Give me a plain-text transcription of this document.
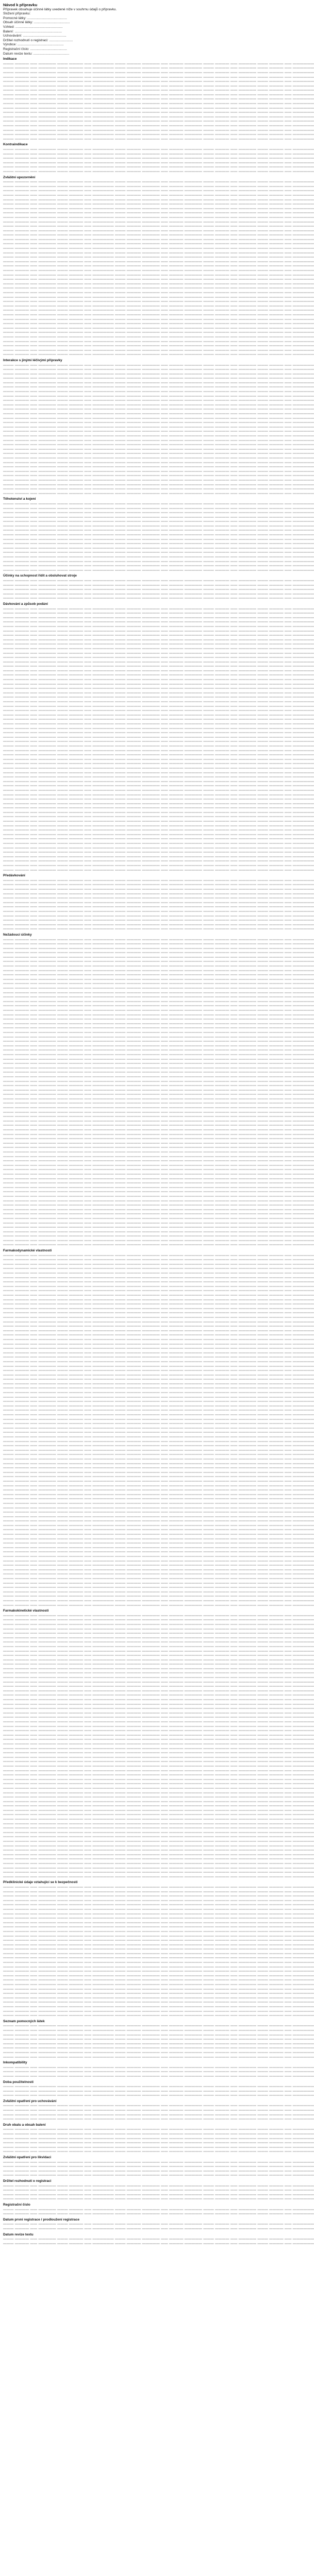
Návod k přípravku
Přípravek obsahuje účinné látky uvedené níže v souhrnu údajů o přípravku.
Složení přípravku:
Pomocné látky: ..........................................
Obsah účinné látky: ......................................
Vzhled: ..................................................
Balení: ..................................................
Uchovávání: ..............................................
Držitel rozhodnutí o registraci: .........................
Výrobce: .................................................
Registrační číslo: .......................................
Datum revize textu: ......................................
Indikace
▬▬▬ ▬▬▬▬ ▬▬ ▬▬▬▬▬ ▬▬▬ ▬▬▬▬ ▬▬ ▬▬▬▬▬▬ ▬▬▬ ▬▬▬▬ ▬▬▬▬▬ ▬▬ ▬▬▬▬ ▬▬▬▬▬ ▬▬▬ ▬▬▬▬ ▬▬ ▬▬▬▬▬ ▬▬▬ ▬▬▬▬ ▬▬ ▬▬▬▬▬▬
▬▬▬ ▬▬▬▬ ▬▬ ▬▬▬▬▬ ▬▬▬ ▬▬▬▬ ▬▬ ▬▬▬▬▬▬ ▬▬▬ ▬▬▬▬ ▬▬▬▬▬ ▬▬ ▬▬▬▬ ▬▬▬▬▬ ▬▬▬ ▬▬▬▬ ▬▬ ▬▬▬▬▬ ▬▬▬ ▬▬▬▬ ▬▬ ▬▬▬▬▬▬
▬▬▬ ▬▬▬▬ ▬▬ ▬▬▬▬▬ ▬▬▬ ▬▬▬▬ ▬▬ ▬▬▬▬▬▬ ▬▬▬ ▬▬▬▬ ▬▬▬▬▬ ▬▬ ▬▬▬▬ ▬▬▬▬▬ ▬▬▬ ▬▬▬▬ ▬▬ ▬▬▬▬▬ ▬▬▬ ▬▬▬▬ ▬▬ ▬▬▬▬▬▬
▬▬▬ ▬▬▬▬ ▬▬ ▬▬▬▬▬ ▬▬▬ ▬▬▬▬ ▬▬ ▬▬▬▬▬▬ ▬▬▬ ▬▬▬▬ ▬▬▬▬▬ ▬▬ ▬▬▬▬ ▬▬▬▬▬ ▬▬▬ ▬▬▬▬ ▬▬ ▬▬▬▬▬ ▬▬▬ ▬▬▬▬ ▬▬ ▬▬▬▬▬▬
▬▬▬ ▬▬▬▬ ▬▬ ▬▬▬▬▬ ▬▬▬ ▬▬▬▬ ▬▬ ▬▬▬▬▬▬ ▬▬▬ ▬▬▬▬ ▬▬▬▬▬ ▬▬ ▬▬▬▬ ▬▬▬▬▬ ▬▬▬ ▬▬▬▬ ▬▬ ▬▬▬▬▬ ▬▬▬ ▬▬▬▬ ▬▬ ▬▬▬▬▬▬
▬▬▬ ▬▬▬▬ ▬▬ ▬▬▬▬▬ ▬▬▬ ▬▬▬▬ ▬▬ ▬▬▬▬▬▬ ▬▬▬ ▬▬▬▬ ▬▬▬▬▬ ▬▬ ▬▬▬▬ ▬▬▬▬▬ ▬▬▬ ▬▬▬▬ ▬▬ ▬▬▬▬▬ ▬▬▬ ▬▬▬▬ ▬▬ ▬▬▬▬▬▬
▬▬▬ ▬▬▬▬ ▬▬ ▬▬▬▬▬ ▬▬▬ ▬▬▬▬ ▬▬ ▬▬▬▬▬▬ ▬▬▬ ▬▬▬▬ ▬▬▬▬▬ ▬▬ ▬▬▬▬ ▬▬▬▬▬ ▬▬▬ ▬▬▬▬ ▬▬ ▬▬▬▬▬ ▬▬▬ ▬▬▬▬ ▬▬ ▬▬▬▬▬▬
▬▬▬ ▬▬▬▬ ▬▬ ▬▬▬▬▬ ▬▬▬ ▬▬▬▬ ▬▬ ▬▬▬▬▬▬ ▬▬▬ ▬▬▬▬ ▬▬▬▬▬ ▬▬ ▬▬▬▬ ▬▬▬▬▬ ▬▬▬ ▬▬▬▬ ▬▬ ▬▬▬▬▬ ▬▬▬ ▬▬▬▬ ▬▬ ▬▬▬▬▬▬
▬▬▬ ▬▬▬▬ ▬▬ ▬▬▬▬▬ ▬▬▬ ▬▬▬▬ ▬▬ ▬▬▬▬▬▬ ▬▬▬ ▬▬▬▬ ▬▬▬▬▬ ▬▬ ▬▬▬▬ ▬▬▬▬▬ ▬▬▬ ▬▬▬▬ ▬▬ ▬▬▬▬▬ ▬▬▬ ▬▬▬▬ ▬▬ ▬▬▬▬▬▬
▬▬▬ ▬▬▬▬ ▬▬ ▬▬▬▬▬ ▬▬▬ ▬▬▬▬ ▬▬ ▬▬▬▬▬▬ ▬▬▬ ▬▬▬▬ ▬▬▬▬▬ ▬▬ ▬▬▬▬ ▬▬▬▬▬ ▬▬▬ ▬▬▬▬ ▬▬ ▬▬▬▬▬ ▬▬▬ ▬▬▬▬ ▬▬ ▬▬▬▬▬▬
▬▬▬ ▬▬▬▬ ▬▬ ▬▬▬▬▬ ▬▬▬ ▬▬▬▬ ▬▬ ▬▬▬▬▬▬ ▬▬▬ ▬▬▬▬ ▬▬▬▬▬ ▬▬ ▬▬▬▬ ▬▬▬▬▬ ▬▬▬ ▬▬▬▬ ▬▬ ▬▬▬▬▬ ▬▬▬ ▬▬▬▬ ▬▬ ▬▬▬▬▬▬
▬▬▬ ▬▬▬▬ ▬▬ ▬▬▬▬▬ ▬▬▬ ▬▬▬▬ ▬▬ ▬▬▬▬▬▬ ▬▬▬ ▬▬▬▬ ▬▬▬▬▬ ▬▬ ▬▬▬▬ ▬▬▬▬▬ ▬▬▬ ▬▬▬▬ ▬▬ ▬▬▬▬▬ ▬▬▬ ▬▬▬▬ ▬▬ ▬▬▬▬▬▬
▬▬▬ ▬▬▬▬ ▬▬ ▬▬▬▬▬ ▬▬▬ ▬▬▬▬ ▬▬ ▬▬▬▬▬▬ ▬▬▬ ▬▬▬▬ ▬▬▬▬▬ ▬▬ ▬▬▬▬ ▬▬▬▬▬ ▬▬▬ ▬▬▬▬ ▬▬ ▬▬▬▬▬ ▬▬▬ ▬▬▬▬ ▬▬ ▬▬▬▬▬▬
▬▬▬ ▬▬▬▬ ▬▬ ▬▬▬▬▬ ▬▬▬ ▬▬▬▬ ▬▬ ▬▬▬▬▬▬ ▬▬▬ ▬▬▬▬ ▬▬▬▬▬ ▬▬ ▬▬▬▬ ▬▬▬▬▬ ▬▬▬ ▬▬▬▬ ▬▬ ▬▬▬▬▬ ▬▬▬ ▬▬▬▬ ▬▬ ▬▬▬▬▬▬
▬▬▬ ▬▬▬▬ ▬▬ ▬▬▬▬▬ ▬▬▬ ▬▬▬▬ ▬▬ ▬▬▬▬▬▬ ▬▬▬ ▬▬▬▬ ▬▬▬▬▬ ▬▬ ▬▬▬▬ ▬▬▬▬▬ ▬▬▬ ▬▬▬▬ ▬▬ ▬▬▬▬▬ ▬▬▬ ▬▬▬▬ ▬▬ ▬▬▬▬▬▬
▬▬▬ ▬▬▬▬ ▬▬ ▬▬▬▬▬ ▬▬▬ ▬▬▬▬ ▬▬ ▬▬▬▬▬▬ ▬▬▬ ▬▬▬▬ ▬▬▬▬▬ ▬▬ ▬▬▬▬ ▬▬▬▬▬ ▬▬▬ ▬▬▬▬ ▬▬ ▬▬▬▬▬ ▬▬▬ ▬▬▬▬ ▬▬ ▬▬▬▬▬▬
▬▬▬ ▬▬▬▬ ▬▬ ▬▬▬▬▬ ▬▬▬ ▬▬▬▬ ▬▬ ▬▬▬▬▬▬ ▬▬▬ ▬▬▬▬ ▬▬▬▬▬ ▬▬ ▬▬▬▬ ▬▬▬▬▬ ▬▬▬ ▬▬▬▬ ▬▬ ▬▬▬▬▬ ▬▬▬ ▬▬▬▬ ▬▬ ▬▬▬▬▬▬
▬▬▬ ▬▬▬▬ ▬▬ ▬▬▬▬▬ ▬▬▬ ▬▬▬▬ ▬▬ ▬▬▬▬▬▬ ▬▬▬ ▬▬▬▬ ▬▬▬▬▬ ▬▬ ▬▬▬▬ ▬▬▬▬▬ ▬▬▬ ▬▬▬▬ ▬▬ ▬▬▬▬▬ ▬▬▬ ▬▬▬▬ ▬▬ ▬▬▬▬▬▬
Kontraindikace
▬▬▬ ▬▬▬▬ ▬▬ ▬▬▬▬▬ ▬▬▬ ▬▬▬▬ ▬▬ ▬▬▬▬▬▬ ▬▬▬ ▬▬▬▬ ▬▬▬▬▬ ▬▬ ▬▬▬▬ ▬▬▬▬▬ ▬▬▬ ▬▬▬▬ ▬▬ ▬▬▬▬▬ ▬▬▬ ▬▬▬▬ ▬▬ ▬▬▬▬▬▬
▬▬▬ ▬▬▬▬ ▬▬ ▬▬▬▬▬ ▬▬▬ ▬▬▬▬ ▬▬ ▬▬▬▬▬▬ ▬▬▬ ▬▬▬▬ ▬▬▬▬▬ ▬▬ ▬▬▬▬ ▬▬▬▬▬ ▬▬▬ ▬▬▬▬ ▬▬ ▬▬▬▬▬ ▬▬▬ ▬▬▬▬ ▬▬ ▬▬▬▬▬▬
▬▬▬ ▬▬▬▬ ▬▬ ▬▬▬▬▬ ▬▬▬ ▬▬▬▬ ▬▬ ▬▬▬▬▬▬ ▬▬▬ ▬▬▬▬ ▬▬▬▬▬ ▬▬ ▬▬▬▬ ▬▬▬▬▬ ▬▬▬ ▬▬▬▬ ▬▬ ▬▬▬▬▬ ▬▬▬ ▬▬▬▬ ▬▬ ▬▬▬▬▬▬
▬▬▬ ▬▬▬▬ ▬▬ ▬▬▬▬▬ ▬▬▬ ▬▬▬▬ ▬▬ ▬▬▬▬▬▬ ▬▬▬ ▬▬▬▬ ▬▬▬▬▬ ▬▬ ▬▬▬▬ ▬▬▬▬▬ ▬▬▬ ▬▬▬▬ ▬▬ ▬▬▬▬▬ ▬▬▬ ▬▬▬▬ ▬▬ ▬▬▬▬▬▬
▬▬▬ ▬▬▬▬ ▬▬ ▬▬▬▬▬ ▬▬▬ ▬▬▬▬ ▬▬ ▬▬▬▬▬▬ ▬▬▬ ▬▬▬▬ ▬▬▬▬▬ ▬▬ ▬▬▬▬ ▬▬▬▬▬ ▬▬▬ ▬▬▬▬ ▬▬ ▬▬▬▬▬ ▬▬▬ ▬▬▬▬ ▬▬ ▬▬▬▬▬▬
▬▬▬ ▬▬▬▬ ▬▬ ▬▬▬▬▬ ▬▬▬ ▬▬▬▬ ▬▬ ▬▬▬▬▬▬ ▬▬▬ ▬▬▬▬ ▬▬▬▬▬ ▬▬ ▬▬▬▬ ▬▬▬▬▬ ▬▬▬ ▬▬▬▬ ▬▬ ▬▬▬▬▬ ▬▬▬ ▬▬▬▬ ▬▬ ▬▬▬▬▬▬
Zvláštní upozornění
▬▬▬ ▬▬▬▬ ▬▬ ▬▬▬▬▬ ▬▬▬ ▬▬▬▬ ▬▬ ▬▬▬▬▬▬ ▬▬▬ ▬▬▬▬ ▬▬▬▬▬ ▬▬ ▬▬▬▬ ▬▬▬▬▬ ▬▬▬ ▬▬▬▬ ▬▬ ▬▬▬▬▬ ▬▬▬ ▬▬▬▬ ▬▬ ▬▬▬▬▬▬
▬▬▬ ▬▬▬▬ ▬▬ ▬▬▬▬▬ ▬▬▬ ▬▬▬▬ ▬▬ ▬▬▬▬▬▬ ▬▬▬ ▬▬▬▬ ▬▬▬▬▬ ▬▬ ▬▬▬▬ ▬▬▬▬▬ ▬▬▬ ▬▬▬▬ ▬▬ ▬▬▬▬▬ ▬▬▬ ▬▬▬▬ ▬▬ ▬▬▬▬▬▬
▬▬▬ ▬▬▬▬ ▬▬ ▬▬▬▬▬ ▬▬▬ ▬▬▬▬ ▬▬ ▬▬▬▬▬▬ ▬▬▬ ▬▬▬▬ ▬▬▬▬▬ ▬▬ ▬▬▬▬ ▬▬▬▬▬ ▬▬▬ ▬▬▬▬ ▬▬ ▬▬▬▬▬ ▬▬▬ ▬▬▬▬ ▬▬ ▬▬▬▬▬▬
▬▬▬ ▬▬▬▬ ▬▬ ▬▬▬▬▬ ▬▬▬ ▬▬▬▬ ▬▬ ▬▬▬▬▬▬ ▬▬▬ ▬▬▬▬ ▬▬▬▬▬ ▬▬ ▬▬▬▬ ▬▬▬▬▬ ▬▬▬ ▬▬▬▬ ▬▬ ▬▬▬▬▬ ▬▬▬ ▬▬▬▬ ▬▬ ▬▬▬▬▬▬
▬▬▬ ▬▬▬▬ ▬▬ ▬▬▬▬▬ ▬▬▬ ▬▬▬▬ ▬▬ ▬▬▬▬▬▬ ▬▬▬ ▬▬▬▬ ▬▬▬▬▬ ▬▬ ▬▬▬▬ ▬▬▬▬▬ ▬▬▬ ▬▬▬▬ ▬▬ ▬▬▬▬▬ ▬▬▬ ▬▬▬▬ ▬▬ ▬▬▬▬▬▬
▬▬▬ ▬▬▬▬ ▬▬ ▬▬▬▬▬ ▬▬▬ ▬▬▬▬ ▬▬ ▬▬▬▬▬▬ ▬▬▬ ▬▬▬▬ ▬▬▬▬▬ ▬▬ ▬▬▬▬ ▬▬▬▬▬ ▬▬▬ ▬▬▬▬ ▬▬ ▬▬▬▬▬ ▬▬▬ ▬▬▬▬ ▬▬ ▬▬▬▬▬▬
▬▬▬ ▬▬▬▬ ▬▬ ▬▬▬▬▬ ▬▬▬ ▬▬▬▬ ▬▬ ▬▬▬▬▬▬ ▬▬▬ ▬▬▬▬ ▬▬▬▬▬ ▬▬ ▬▬▬▬ ▬▬▬▬▬ ▬▬▬ ▬▬▬▬ ▬▬ ▬▬▬▬▬ ▬▬▬ ▬▬▬▬ ▬▬ ▬▬▬▬▬▬
▬▬▬ ▬▬▬▬ ▬▬ ▬▬▬▬▬ ▬▬▬ ▬▬▬▬ ▬▬ ▬▬▬▬▬▬ ▬▬▬ ▬▬▬▬ ▬▬▬▬▬ ▬▬ ▬▬▬▬ ▬▬▬▬▬ ▬▬▬ ▬▬▬▬ ▬▬ ▬▬▬▬▬ ▬▬▬ ▬▬▬▬ ▬▬ ▬▬▬▬▬▬
▬▬▬ ▬▬▬▬ ▬▬ ▬▬▬▬▬ ▬▬▬ ▬▬▬▬ ▬▬ ▬▬▬▬▬▬ ▬▬▬ ▬▬▬▬ ▬▬▬▬▬ ▬▬ ▬▬▬▬ ▬▬▬▬▬ ▬▬▬ ▬▬▬▬ ▬▬ ▬▬▬▬▬ ▬▬▬ ▬▬▬▬ ▬▬ ▬▬▬▬▬▬
▬▬▬ ▬▬▬▬ ▬▬ ▬▬▬▬▬ ▬▬▬ ▬▬▬▬ ▬▬ ▬▬▬▬▬▬ ▬▬▬ ▬▬▬▬ ▬▬▬▬▬ ▬▬ ▬▬▬▬ ▬▬▬▬▬ ▬▬▬ ▬▬▬▬ ▬▬ ▬▬▬▬▬ ▬▬▬ ▬▬▬▬ ▬▬ ▬▬▬▬▬▬
▬▬▬ ▬▬▬▬ ▬▬ ▬▬▬▬▬ ▬▬▬ ▬▬▬▬ ▬▬ ▬▬▬▬▬▬ ▬▬▬ ▬▬▬▬ ▬▬▬▬▬ ▬▬ ▬▬▬▬ ▬▬▬▬▬ ▬▬▬ ▬▬▬▬ ▬▬ ▬▬▬▬▬ ▬▬▬ ▬▬▬▬ ▬▬ ▬▬▬▬▬▬
▬▬▬ ▬▬▬▬ ▬▬ ▬▬▬▬▬ ▬▬▬ ▬▬▬▬ ▬▬ ▬▬▬▬▬▬ ▬▬▬ ▬▬▬▬ ▬▬▬▬▬ ▬▬ ▬▬▬▬ ▬▬▬▬▬ ▬▬▬ ▬▬▬▬ ▬▬ ▬▬▬▬▬ ▬▬▬ ▬▬▬▬ ▬▬ ▬▬▬▬▬▬
▬▬▬ ▬▬▬▬ ▬▬ ▬▬▬▬▬ ▬▬▬ ▬▬▬▬ ▬▬ ▬▬▬▬▬▬ ▬▬▬ ▬▬▬▬ ▬▬▬▬▬ ▬▬ ▬▬▬▬ ▬▬▬▬▬ ▬▬▬ ▬▬▬▬ ▬▬ ▬▬▬▬▬ ▬▬▬ ▬▬▬▬ ▬▬ ▬▬▬▬▬▬
▬▬▬ ▬▬▬▬ ▬▬ ▬▬▬▬▬ ▬▬▬ ▬▬▬▬ ▬▬ ▬▬▬▬▬▬ ▬▬▬ ▬▬▬▬ ▬▬▬▬▬ ▬▬ ▬▬▬▬ ▬▬▬▬▬ ▬▬▬ ▬▬▬▬ ▬▬ ▬▬▬▬▬ ▬▬▬ ▬▬▬▬ ▬▬ ▬▬▬▬▬▬
▬▬▬ ▬▬▬▬ ▬▬ ▬▬▬▬▬ ▬▬▬ ▬▬▬▬ ▬▬ ▬▬▬▬▬▬ ▬▬▬ ▬▬▬▬ ▬▬▬▬▬ ▬▬ ▬▬▬▬ ▬▬▬▬▬ ▬▬▬ ▬▬▬▬ ▬▬ ▬▬▬▬▬ ▬▬▬ ▬▬▬▬ ▬▬ ▬▬▬▬▬▬
▬▬▬ ▬▬▬▬ ▬▬ ▬▬▬▬▬ ▬▬▬ ▬▬▬▬ ▬▬ ▬▬▬▬▬▬ ▬▬▬ ▬▬▬▬ ▬▬▬▬▬ ▬▬ ▬▬▬▬ ▬▬▬▬▬ ▬▬▬ ▬▬▬▬ ▬▬ ▬▬▬▬▬ ▬▬▬ ▬▬▬▬ ▬▬ ▬▬▬▬▬▬
▬▬▬ ▬▬▬▬ ▬▬ ▬▬▬▬▬ ▬▬▬ ▬▬▬▬ ▬▬ ▬▬▬▬▬▬ ▬▬▬ ▬▬▬▬ ▬▬▬▬▬ ▬▬ ▬▬▬▬ ▬▬▬▬▬ ▬▬▬ ▬▬▬▬ ▬▬ ▬▬▬▬▬ ▬▬▬ ▬▬▬▬ ▬▬ ▬▬▬▬▬▬
▬▬▬ ▬▬▬▬ ▬▬ ▬▬▬▬▬ ▬▬▬ ▬▬▬▬ ▬▬ ▬▬▬▬▬▬ ▬▬▬ ▬▬▬▬ ▬▬▬▬▬ ▬▬ ▬▬▬▬ ▬▬▬▬▬ ▬▬▬ ▬▬▬▬ ▬▬ ▬▬▬▬▬ ▬▬▬ ▬▬▬▬ ▬▬ ▬▬▬▬▬▬
▬▬▬ ▬▬▬▬ ▬▬ ▬▬▬▬▬ ▬▬▬ ▬▬▬▬ ▬▬ ▬▬▬▬▬▬ ▬▬▬ ▬▬▬▬ ▬▬▬▬▬ ▬▬ ▬▬▬▬ ▬▬▬▬▬ ▬▬▬ ▬▬▬▬ ▬▬ ▬▬▬▬▬ ▬▬▬ ▬▬▬▬ ▬▬ ▬▬▬▬▬▬
▬▬▬ ▬▬▬▬ ▬▬ ▬▬▬▬▬ ▬▬▬ ▬▬▬▬ ▬▬ ▬▬▬▬▬▬ ▬▬▬ ▬▬▬▬ ▬▬▬▬▬ ▬▬ ▬▬▬▬ ▬▬▬▬▬ ▬▬▬ ▬▬▬▬ ▬▬ ▬▬▬▬▬ ▬▬▬ ▬▬▬▬ ▬▬ ▬▬▬▬▬▬
▬▬▬ ▬▬▬▬ ▬▬ ▬▬▬▬▬ ▬▬▬ ▬▬▬▬ ▬▬ ▬▬▬▬▬▬ ▬▬▬ ▬▬▬▬ ▬▬▬▬▬ ▬▬ ▬▬▬▬ ▬▬▬▬▬ ▬▬▬ ▬▬▬▬ ▬▬ ▬▬▬▬▬ ▬▬▬ ▬▬▬▬ ▬▬ ▬▬▬▬▬▬
▬▬▬ ▬▬▬▬ ▬▬ ▬▬▬▬▬ ▬▬▬ ▬▬▬▬ ▬▬ ▬▬▬▬▬▬ ▬▬▬ ▬▬▬▬ ▬▬▬▬▬ ▬▬ ▬▬▬▬ ▬▬▬▬▬ ▬▬▬ ▬▬▬▬ ▬▬ ▬▬▬▬▬ ▬▬▬ ▬▬▬▬ ▬▬ ▬▬▬▬▬▬
▬▬▬ ▬▬▬▬ ▬▬ ▬▬▬▬▬ ▬▬▬ ▬▬▬▬ ▬▬ ▬▬▬▬▬▬ ▬▬▬ ▬▬▬▬ ▬▬▬▬▬ ▬▬ ▬▬▬▬ ▬▬▬▬▬ ▬▬▬ ▬▬▬▬ ▬▬ ▬▬▬▬▬ ▬▬▬ ▬▬▬▬ ▬▬ ▬▬▬▬▬▬
▬▬▬ ▬▬▬▬ ▬▬ ▬▬▬▬▬ ▬▬▬ ▬▬▬▬ ▬▬ ▬▬▬▬▬▬ ▬▬▬ ▬▬▬▬ ▬▬▬▬▬ ▬▬ ▬▬▬▬ ▬▬▬▬▬ ▬▬▬ ▬▬▬▬ ▬▬ ▬▬▬▬▬ ▬▬▬ ▬▬▬▬ ▬▬ ▬▬▬▬▬▬
▬▬▬ ▬▬▬▬ ▬▬ ▬▬▬▬▬ ▬▬▬ ▬▬▬▬ ▬▬ ▬▬▬▬▬▬ ▬▬▬ ▬▬▬▬ ▬▬▬▬▬ ▬▬ ▬▬▬▬ ▬▬▬▬▬ ▬▬▬ ▬▬▬▬ ▬▬ ▬▬▬▬▬ ▬▬▬ ▬▬▬▬ ▬▬ ▬▬▬▬▬▬
▬▬▬ ▬▬▬▬ ▬▬ ▬▬▬▬▬ ▬▬▬ ▬▬▬▬ ▬▬ ▬▬▬▬▬▬ ▬▬▬ ▬▬▬▬ ▬▬▬▬▬ ▬▬ ▬▬▬▬ ▬▬▬▬▬ ▬▬▬ ▬▬▬▬ ▬▬ ▬▬▬▬▬ ▬▬▬ ▬▬▬▬ ▬▬ ▬▬▬▬▬▬
▬▬▬ ▬▬▬▬ ▬▬ ▬▬▬▬▬ ▬▬▬ ▬▬▬▬ ▬▬ ▬▬▬▬▬▬ ▬▬▬ ▬▬▬▬ ▬▬▬▬▬ ▬▬ ▬▬▬▬ ▬▬▬▬▬ ▬▬▬ ▬▬▬▬ ▬▬ ▬▬▬▬▬ ▬▬▬ ▬▬▬▬ ▬▬ ▬▬▬▬▬▬
▬▬▬ ▬▬▬▬ ▬▬ ▬▬▬▬▬ ▬▬▬ ▬▬▬▬ ▬▬ ▬▬▬▬▬▬ ▬▬▬ ▬▬▬▬ ▬▬▬▬▬ ▬▬ ▬▬▬▬ ▬▬▬▬▬ ▬▬▬ ▬▬▬▬ ▬▬ ▬▬▬▬▬ ▬▬▬ ▬▬▬▬ ▬▬ ▬▬▬▬▬▬
▬▬▬ ▬▬▬▬ ▬▬ ▬▬▬▬▬ ▬▬▬ ▬▬▬▬ ▬▬ ▬▬▬▬▬▬ ▬▬▬ ▬▬▬▬ ▬▬▬▬▬ ▬▬ ▬▬▬▬ ▬▬▬▬▬ ▬▬▬ ▬▬▬▬ ▬▬ ▬▬▬▬▬ ▬▬▬ ▬▬▬▬ ▬▬ ▬▬▬▬▬▬
▬▬▬ ▬▬▬▬ ▬▬ ▬▬▬▬▬ ▬▬▬ ▬▬▬▬ ▬▬ ▬▬▬▬▬▬ ▬▬▬ ▬▬▬▬ ▬▬▬▬▬ ▬▬ ▬▬▬▬ ▬▬▬▬▬ ▬▬▬ ▬▬▬▬ ▬▬ ▬▬▬▬▬ ▬▬▬ ▬▬▬▬ ▬▬ ▬▬▬▬▬▬
▬▬▬ ▬▬▬▬ ▬▬ ▬▬▬▬▬ ▬▬▬ ▬▬▬▬ ▬▬ ▬▬▬▬▬▬ ▬▬▬ ▬▬▬▬ ▬▬▬▬▬ ▬▬ ▬▬▬▬ ▬▬▬▬▬ ▬▬▬ ▬▬▬▬ ▬▬ ▬▬▬▬▬ ▬▬▬ ▬▬▬▬ ▬▬ ▬▬▬▬▬▬
▬▬▬ ▬▬▬▬ ▬▬ ▬▬▬▬▬ ▬▬▬ ▬▬▬▬ ▬▬ ▬▬▬▬▬▬ ▬▬▬ ▬▬▬▬ ▬▬▬▬▬ ▬▬ ▬▬▬▬ ▬▬▬▬▬ ▬▬▬ ▬▬▬▬ ▬▬ ▬▬▬▬▬ ▬▬▬ ▬▬▬▬ ▬▬ ▬▬▬▬▬▬
▬▬▬ ▬▬▬▬ ▬▬ ▬▬▬▬▬ ▬▬▬ ▬▬▬▬ ▬▬ ▬▬▬▬▬▬ ▬▬▬ ▬▬▬▬ ▬▬▬▬▬ ▬▬ ▬▬▬▬ ▬▬▬▬▬ ▬▬▬ ▬▬▬▬ ▬▬ ▬▬▬▬▬ ▬▬▬ ▬▬▬▬ ▬▬ ▬▬▬▬▬▬
▬▬▬ ▬▬▬▬ ▬▬ ▬▬▬▬▬ ▬▬▬ ▬▬▬▬ ▬▬ ▬▬▬▬▬▬ ▬▬▬ ▬▬▬▬ ▬▬▬▬▬ ▬▬ ▬▬▬▬ ▬▬▬▬▬ ▬▬▬ ▬▬▬▬ ▬▬ ▬▬▬▬▬ ▬▬▬ ▬▬▬▬ ▬▬ ▬▬▬▬▬▬
▬▬▬ ▬▬▬▬ ▬▬ ▬▬▬▬▬ ▬▬▬ ▬▬▬▬ ▬▬ ▬▬▬▬▬▬ ▬▬▬ ▬▬▬▬ ▬▬▬▬▬ ▬▬ ▬▬▬▬ ▬▬▬▬▬ ▬▬▬ ▬▬▬▬ ▬▬ ▬▬▬▬▬ ▬▬▬ ▬▬▬▬ ▬▬ ▬▬▬▬▬▬
▬▬▬ ▬▬▬▬ ▬▬ ▬▬▬▬▬ ▬▬▬ ▬▬▬▬ ▬▬ ▬▬▬▬▬▬ ▬▬▬ ▬▬▬▬ ▬▬▬▬▬ ▬▬ ▬▬▬▬ ▬▬▬▬▬ ▬▬▬ ▬▬▬▬ ▬▬ ▬▬▬▬▬ ▬▬▬ ▬▬▬▬ ▬▬ ▬▬▬▬▬▬
▬▬▬ ▬▬▬▬ ▬▬ ▬▬▬▬▬ ▬▬▬ ▬▬▬▬ ▬▬ ▬▬▬▬▬▬ ▬▬▬ ▬▬▬▬ ▬▬▬▬▬ ▬▬ ▬▬▬▬ ▬▬▬▬▬ ▬▬▬ ▬▬▬▬ ▬▬ ▬▬▬▬▬ ▬▬▬ ▬▬▬▬ ▬▬ ▬▬▬▬▬▬
▬▬▬ ▬▬▬▬ ▬▬ ▬▬▬▬▬ ▬▬▬ ▬▬▬▬ ▬▬ ▬▬▬▬▬▬ ▬▬▬ ▬▬▬▬ ▬▬▬▬▬ ▬▬ ▬▬▬▬ ▬▬▬▬▬ ▬▬▬ ▬▬▬▬ ▬▬ ▬▬▬▬▬ ▬▬▬ ▬▬▬▬ ▬▬ ▬▬▬▬▬▬
▬▬▬ ▬▬▬▬ ▬▬ ▬▬▬▬▬ ▬▬▬ ▬▬▬▬ ▬▬ ▬▬▬▬▬▬ ▬▬▬ ▬▬▬▬ ▬▬▬▬▬ ▬▬ ▬▬▬▬ ▬▬▬▬▬ ▬▬▬ ▬▬▬▬ ▬▬ ▬▬▬▬▬ ▬▬▬ ▬▬▬▬ ▬▬ ▬▬▬▬▬▬
▬▬▬ ▬▬▬▬ ▬▬ ▬▬▬▬▬ ▬▬▬ ▬▬▬▬ ▬▬ ▬▬▬▬▬▬ ▬▬▬ ▬▬▬▬ ▬▬▬▬▬ ▬▬ ▬▬▬▬ ▬▬▬▬▬ ▬▬▬ ▬▬▬▬ ▬▬ ▬▬▬▬▬ ▬▬▬ ▬▬▬▬ ▬▬ ▬▬▬▬▬▬
Interakce s jinými léčivými přípravky
▬▬▬ ▬▬▬▬ ▬▬ ▬▬▬▬▬ ▬▬▬ ▬▬▬▬ ▬▬ ▬▬▬▬▬▬ ▬▬▬ ▬▬▬▬ ▬▬▬▬▬ ▬▬ ▬▬▬▬ ▬▬▬▬▬ ▬▬▬ ▬▬▬▬ ▬▬ ▬▬▬▬▬ ▬▬▬ ▬▬▬▬ ▬▬ ▬▬▬▬▬▬
▬▬▬ ▬▬▬▬ ▬▬ ▬▬▬▬▬ ▬▬▬ ▬▬▬▬ ▬▬ ▬▬▬▬▬▬ ▬▬▬ ▬▬▬▬ ▬▬▬▬▬ ▬▬ ▬▬▬▬ ▬▬▬▬▬ ▬▬▬ ▬▬▬▬ ▬▬ ▬▬▬▬▬ ▬▬▬ ▬▬▬▬ ▬▬ ▬▬▬▬▬▬
▬▬▬ ▬▬▬▬ ▬▬ ▬▬▬▬▬ ▬▬▬ ▬▬▬▬ ▬▬ ▬▬▬▬▬▬ ▬▬▬ ▬▬▬▬ ▬▬▬▬▬ ▬▬ ▬▬▬▬ ▬▬▬▬▬ ▬▬▬ ▬▬▬▬ ▬▬ ▬▬▬▬▬ ▬▬▬ ▬▬▬▬ ▬▬ ▬▬▬▬▬▬
▬▬▬ ▬▬▬▬ ▬▬ ▬▬▬▬▬ ▬▬▬ ▬▬▬▬ ▬▬ ▬▬▬▬▬▬ ▬▬▬ ▬▬▬▬ ▬▬▬▬▬ ▬▬ ▬▬▬▬ ▬▬▬▬▬ ▬▬▬ ▬▬▬▬ ▬▬ ▬▬▬▬▬ ▬▬▬ ▬▬▬▬ ▬▬ ▬▬▬▬▬▬
▬▬▬ ▬▬▬▬ ▬▬ ▬▬▬▬▬ ▬▬▬ ▬▬▬▬ ▬▬ ▬▬▬▬▬▬ ▬▬▬ ▬▬▬▬ ▬▬▬▬▬ ▬▬ ▬▬▬▬ ▬▬▬▬▬ ▬▬▬ ▬▬▬▬ ▬▬ ▬▬▬▬▬ ▬▬▬ ▬▬▬▬ ▬▬ ▬▬▬▬▬▬
▬▬▬ ▬▬▬▬ ▬▬ ▬▬▬▬▬ ▬▬▬ ▬▬▬▬ ▬▬ ▬▬▬▬▬▬ ▬▬▬ ▬▬▬▬ ▬▬▬▬▬ ▬▬ ▬▬▬▬ ▬▬▬▬▬ ▬▬▬ ▬▬▬▬ ▬▬ ▬▬▬▬▬ ▬▬▬ ▬▬▬▬ ▬▬ ▬▬▬▬▬▬
▬▬▬ ▬▬▬▬ ▬▬ ▬▬▬▬▬ ▬▬▬ ▬▬▬▬ ▬▬ ▬▬▬▬▬▬ ▬▬▬ ▬▬▬▬ ▬▬▬▬▬ ▬▬ ▬▬▬▬ ▬▬▬▬▬ ▬▬▬ ▬▬▬▬ ▬▬ ▬▬▬▬▬ ▬▬▬ ▬▬▬▬ ▬▬ ▬▬▬▬▬▬
▬▬▬ ▬▬▬▬ ▬▬ ▬▬▬▬▬ ▬▬▬ ▬▬▬▬ ▬▬ ▬▬▬▬▬▬ ▬▬▬ ▬▬▬▬ ▬▬▬▬▬ ▬▬ ▬▬▬▬ ▬▬▬▬▬ ▬▬▬ ▬▬▬▬ ▬▬ ▬▬▬▬▬ ▬▬▬ ▬▬▬▬ ▬▬ ▬▬▬▬▬▬
▬▬▬ ▬▬▬▬ ▬▬ ▬▬▬▬▬ ▬▬▬ ▬▬▬▬ ▬▬ ▬▬▬▬▬▬ ▬▬▬ ▬▬▬▬ ▬▬▬▬▬ ▬▬ ▬▬▬▬ ▬▬▬▬▬ ▬▬▬ ▬▬▬▬ ▬▬ ▬▬▬▬▬ ▬▬▬ ▬▬▬▬ ▬▬ ▬▬▬▬▬▬
▬▬▬ ▬▬▬▬ ▬▬ ▬▬▬▬▬ ▬▬▬ ▬▬▬▬ ▬▬ ▬▬▬▬▬▬ ▬▬▬ ▬▬▬▬ ▬▬▬▬▬ ▬▬ ▬▬▬▬ ▬▬▬▬▬ ▬▬▬ ▬▬▬▬ ▬▬ ▬▬▬▬▬ ▬▬▬ ▬▬▬▬ ▬▬ ▬▬▬▬▬▬
▬▬▬ ▬▬▬▬ ▬▬ ▬▬▬▬▬ ▬▬▬ ▬▬▬▬ ▬▬ ▬▬▬▬▬▬ ▬▬▬ ▬▬▬▬ ▬▬▬▬▬ ▬▬ ▬▬▬▬ ▬▬▬▬▬ ▬▬▬ ▬▬▬▬ ▬▬ ▬▬▬▬▬ ▬▬▬ ▬▬▬▬ ▬▬ ▬▬▬▬▬▬
▬▬▬ ▬▬▬▬ ▬▬ ▬▬▬▬▬ ▬▬▬ ▬▬▬▬ ▬▬ ▬▬▬▬▬▬ ▬▬▬ ▬▬▬▬ ▬▬▬▬▬ ▬▬ ▬▬▬▬ ▬▬▬▬▬ ▬▬▬ ▬▬▬▬ ▬▬ ▬▬▬▬▬ ▬▬▬ ▬▬▬▬ ▬▬ ▬▬▬▬▬▬
▬▬▬ ▬▬▬▬ ▬▬ ▬▬▬▬▬ ▬▬▬ ▬▬▬▬ ▬▬ ▬▬▬▬▬▬ ▬▬▬ ▬▬▬▬ ▬▬▬▬▬ ▬▬ ▬▬▬▬ ▬▬▬▬▬ ▬▬▬ ▬▬▬▬ ▬▬ ▬▬▬▬▬ ▬▬▬ ▬▬▬▬ ▬▬ ▬▬▬▬▬▬
▬▬▬ ▬▬▬▬ ▬▬ ▬▬▬▬▬ ▬▬▬ ▬▬▬▬ ▬▬ ▬▬▬▬▬▬ ▬▬▬ ▬▬▬▬ ▬▬▬▬▬ ▬▬ ▬▬▬▬ ▬▬▬▬▬ ▬▬▬ ▬▬▬▬ ▬▬ ▬▬▬▬▬ ▬▬▬ ▬▬▬▬ ▬▬ ▬▬▬▬▬▬
▬▬▬ ▬▬▬▬ ▬▬ ▬▬▬▬▬ ▬▬▬ ▬▬▬▬ ▬▬ ▬▬▬▬▬▬ ▬▬▬ ▬▬▬▬ ▬▬▬▬▬ ▬▬ ▬▬▬▬ ▬▬▬▬▬ ▬▬▬ ▬▬▬▬ ▬▬ ▬▬▬▬▬ ▬▬▬ ▬▬▬▬ ▬▬ ▬▬▬▬▬▬
▬▬▬ ▬▬▬▬ ▬▬ ▬▬▬▬▬ ▬▬▬ ▬▬▬▬ ▬▬ ▬▬▬▬▬▬ ▬▬▬ ▬▬▬▬ ▬▬▬▬▬ ▬▬ ▬▬▬▬ ▬▬▬▬▬ ▬▬▬ ▬▬▬▬ ▬▬ ▬▬▬▬▬ ▬▬▬ ▬▬▬▬ ▬▬ ▬▬▬▬▬▬
▬▬▬ ▬▬▬▬ ▬▬ ▬▬▬▬▬ ▬▬▬ ▬▬▬▬ ▬▬ ▬▬▬▬▬▬ ▬▬▬ ▬▬▬▬ ▬▬▬▬▬ ▬▬ ▬▬▬▬ ▬▬▬▬▬ ▬▬▬ ▬▬▬▬ ▬▬ ▬▬▬▬▬ ▬▬▬ ▬▬▬▬ ▬▬ ▬▬▬▬▬▬
▬▬▬ ▬▬▬▬ ▬▬ ▬▬▬▬▬ ▬▬▬ ▬▬▬▬ ▬▬ ▬▬▬▬▬▬ ▬▬▬ ▬▬▬▬ ▬▬▬▬▬ ▬▬ ▬▬▬▬ ▬▬▬▬▬ ▬▬▬ ▬▬▬▬ ▬▬ ▬▬▬▬▬ ▬▬▬ ▬▬▬▬ ▬▬ ▬▬▬▬▬▬
▬▬▬ ▬▬▬▬ ▬▬ ▬▬▬▬▬ ▬▬▬ ▬▬▬▬ ▬▬ ▬▬▬▬▬▬ ▬▬▬ ▬▬▬▬ ▬▬▬▬▬ ▬▬ ▬▬▬▬ ▬▬▬▬▬ ▬▬▬ ▬▬▬▬ ▬▬ ▬▬▬▬▬ ▬▬▬ ▬▬▬▬ ▬▬ ▬▬▬▬▬▬
▬▬▬ ▬▬▬▬ ▬▬ ▬▬▬▬▬ ▬▬▬ ▬▬▬▬ ▬▬ ▬▬▬▬▬▬ ▬▬▬ ▬▬▬▬ ▬▬▬▬▬ ▬▬ ▬▬▬▬ ▬▬▬▬▬ ▬▬▬ ▬▬▬▬ ▬▬ ▬▬▬▬▬ ▬▬▬ ▬▬▬▬ ▬▬ ▬▬▬▬▬▬
▬▬▬ ▬▬▬▬ ▬▬ ▬▬▬▬▬ ▬▬▬ ▬▬▬▬ ▬▬ ▬▬▬▬▬▬ ▬▬▬ ▬▬▬▬ ▬▬▬▬▬ ▬▬ ▬▬▬▬ ▬▬▬▬▬ ▬▬▬ ▬▬▬▬ ▬▬ ▬▬▬▬▬ ▬▬▬ ▬▬▬▬ ▬▬ ▬▬▬▬▬▬
▬▬▬ ▬▬▬▬ ▬▬ ▬▬▬▬▬ ▬▬▬ ▬▬▬▬ ▬▬ ▬▬▬▬▬▬ ▬▬▬ ▬▬▬▬ ▬▬▬▬▬ ▬▬ ▬▬▬▬ ▬▬▬▬▬ ▬▬▬ ▬▬▬▬ ▬▬ ▬▬▬▬▬ ▬▬▬ ▬▬▬▬ ▬▬ ▬▬▬▬▬▬
▬▬▬ ▬▬▬▬ ▬▬ ▬▬▬▬▬ ▬▬▬ ▬▬▬▬ ▬▬ ▬▬▬▬▬▬ ▬▬▬ ▬▬▬▬ ▬▬▬▬▬ ▬▬ ▬▬▬▬ ▬▬▬▬▬ ▬▬▬ ▬▬▬▬ ▬▬ ▬▬▬▬▬ ▬▬▬ ▬▬▬▬ ▬▬ ▬▬▬▬▬▬
▬▬▬ ▬▬▬▬ ▬▬ ▬▬▬▬▬ ▬▬▬ ▬▬▬▬ ▬▬ ▬▬▬▬▬▬ ▬▬▬ ▬▬▬▬ ▬▬▬▬▬ ▬▬ ▬▬▬▬ ▬▬▬▬▬ ▬▬▬ ▬▬▬▬ ▬▬ ▬▬▬▬▬ ▬▬▬ ▬▬▬▬ ▬▬ ▬▬▬▬▬▬
▬▬▬ ▬▬▬▬ ▬▬ ▬▬▬▬▬ ▬▬▬ ▬▬▬▬ ▬▬ ▬▬▬▬▬▬ ▬▬▬ ▬▬▬▬ ▬▬▬▬▬ ▬▬ ▬▬▬▬ ▬▬▬▬▬ ▬▬▬ ▬▬▬▬ ▬▬ ▬▬▬▬▬ ▬▬▬ ▬▬▬▬ ▬▬ ▬▬▬▬▬▬
▬▬▬ ▬▬▬▬ ▬▬ ▬▬▬▬▬ ▬▬▬ ▬▬▬▬ ▬▬ ▬▬▬▬▬▬ ▬▬▬ ▬▬▬▬ ▬▬▬▬▬ ▬▬ ▬▬▬▬ ▬▬▬▬▬ ▬▬▬ ▬▬▬▬ ▬▬ ▬▬▬▬▬ ▬▬▬ ▬▬▬▬ ▬▬ ▬▬▬▬▬▬
▬▬▬ ▬▬▬▬ ▬▬ ▬▬▬▬▬ ▬▬▬ ▬▬▬▬ ▬▬ ▬▬▬▬▬▬ ▬▬▬ ▬▬▬▬ ▬▬▬▬▬ ▬▬ ▬▬▬▬ ▬▬▬▬▬ ▬▬▬ ▬▬▬▬ ▬▬ ▬▬▬▬▬ ▬▬▬ ▬▬▬▬ ▬▬ ▬▬▬▬▬▬
▬▬▬ ▬▬▬▬ ▬▬ ▬▬▬▬▬ ▬▬▬ ▬▬▬▬ ▬▬ ▬▬▬▬▬▬ ▬▬▬ ▬▬▬▬ ▬▬▬▬▬ ▬▬ ▬▬▬▬ ▬▬▬▬▬ ▬▬▬ ▬▬▬▬ ▬▬ ▬▬▬▬▬ ▬▬▬ ▬▬▬▬ ▬▬ ▬▬▬▬▬▬
▬▬▬ ▬▬▬▬ ▬▬ ▬▬▬▬▬ ▬▬▬ ▬▬▬▬ ▬▬ ▬▬▬▬▬▬ ▬▬▬ ▬▬▬▬ ▬▬▬▬▬ ▬▬ ▬▬▬▬ ▬▬▬▬▬ ▬▬▬ ▬▬▬▬ ▬▬ ▬▬▬▬▬ ▬▬▬ ▬▬▬▬ ▬▬ ▬▬▬▬▬▬
▬▬▬ ▬▬▬▬ ▬▬ ▬▬▬▬▬ ▬▬▬ ▬▬▬▬ ▬▬ ▬▬▬▬▬▬ ▬▬▬ ▬▬▬▬ ▬▬▬▬▬ ▬▬ ▬▬▬▬ ▬▬▬▬▬ ▬▬▬ ▬▬▬▬ ▬▬ ▬▬▬▬▬ ▬▬▬ ▬▬▬▬ ▬▬ ▬▬▬▬▬▬
Těhotenství a kojení
▬▬▬ ▬▬▬▬ ▬▬ ▬▬▬▬▬ ▬▬▬ ▬▬▬▬ ▬▬ ▬▬▬▬▬▬ ▬▬▬ ▬▬▬▬ ▬▬▬▬▬ ▬▬ ▬▬▬▬ ▬▬▬▬▬ ▬▬▬ ▬▬▬▬ ▬▬ ▬▬▬▬▬ ▬▬▬ ▬▬▬▬ ▬▬ ▬▬▬▬▬▬
▬▬▬ ▬▬▬▬ ▬▬ ▬▬▬▬▬ ▬▬▬ ▬▬▬▬ ▬▬ ▬▬▬▬▬▬ ▬▬▬ ▬▬▬▬ ▬▬▬▬▬ ▬▬ ▬▬▬▬ ▬▬▬▬▬ ▬▬▬ ▬▬▬▬ ▬▬ ▬▬▬▬▬ ▬▬▬ ▬▬▬▬ ▬▬ ▬▬▬▬▬▬
▬▬▬ ▬▬▬▬ ▬▬ ▬▬▬▬▬ ▬▬▬ ▬▬▬▬ ▬▬ ▬▬▬▬▬▬ ▬▬▬ ▬▬▬▬ ▬▬▬▬▬ ▬▬ ▬▬▬▬ ▬▬▬▬▬ ▬▬▬ ▬▬▬▬ ▬▬ ▬▬▬▬▬ ▬▬▬ ▬▬▬▬ ▬▬ ▬▬▬▬▬▬
▬▬▬ ▬▬▬▬ ▬▬ ▬▬▬▬▬ ▬▬▬ ▬▬▬▬ ▬▬ ▬▬▬▬▬▬ ▬▬▬ ▬▬▬▬ ▬▬▬▬▬ ▬▬ ▬▬▬▬ ▬▬▬▬▬ ▬▬▬ ▬▬▬▬ ▬▬ ▬▬▬▬▬ ▬▬▬ ▬▬▬▬ ▬▬ ▬▬▬▬▬▬
▬▬▬ ▬▬▬▬ ▬▬ ▬▬▬▬▬ ▬▬▬ ▬▬▬▬ ▬▬ ▬▬▬▬▬▬ ▬▬▬ ▬▬▬▬ ▬▬▬▬▬ ▬▬ ▬▬▬▬ ▬▬▬▬▬ ▬▬▬ ▬▬▬▬ ▬▬ ▬▬▬▬▬ ▬▬▬ ▬▬▬▬ ▬▬ ▬▬▬▬▬▬
▬▬▬ ▬▬▬▬ ▬▬ ▬▬▬▬▬ ▬▬▬ ▬▬▬▬ ▬▬ ▬▬▬▬▬▬ ▬▬▬ ▬▬▬▬ ▬▬▬▬▬ ▬▬ ▬▬▬▬ ▬▬▬▬▬ ▬▬▬ ▬▬▬▬ ▬▬ ▬▬▬▬▬ ▬▬▬ ▬▬▬▬ ▬▬ ▬▬▬▬▬▬
▬▬▬ ▬▬▬▬ ▬▬ ▬▬▬▬▬ ▬▬▬ ▬▬▬▬ ▬▬ ▬▬▬▬▬▬ ▬▬▬ ▬▬▬▬ ▬▬▬▬▬ ▬▬ ▬▬▬▬ ▬▬▬▬▬ ▬▬▬ ▬▬▬▬ ▬▬ ▬▬▬▬▬ ▬▬▬ ▬▬▬▬ ▬▬ ▬▬▬▬▬▬
▬▬▬ ▬▬▬▬ ▬▬ ▬▬▬▬▬ ▬▬▬ ▬▬▬▬ ▬▬ ▬▬▬▬▬▬ ▬▬▬ ▬▬▬▬ ▬▬▬▬▬ ▬▬ ▬▬▬▬ ▬▬▬▬▬ ▬▬▬ ▬▬▬▬ ▬▬ ▬▬▬▬▬ ▬▬▬ ▬▬▬▬ ▬▬ ▬▬▬▬▬▬
▬▬▬ ▬▬▬▬ ▬▬ ▬▬▬▬▬ ▬▬▬ ▬▬▬▬ ▬▬ ▬▬▬▬▬▬ ▬▬▬ ▬▬▬▬ ▬▬▬▬▬ ▬▬ ▬▬▬▬ ▬▬▬▬▬ ▬▬▬ ▬▬▬▬ ▬▬ ▬▬▬▬▬ ▬▬▬ ▬▬▬▬ ▬▬ ▬▬▬▬▬▬
▬▬▬ ▬▬▬▬ ▬▬ ▬▬▬▬▬ ▬▬▬ ▬▬▬▬ ▬▬ ▬▬▬▬▬▬ ▬▬▬ ▬▬▬▬ ▬▬▬▬▬ ▬▬ ▬▬▬▬ ▬▬▬▬▬ ▬▬▬ ▬▬▬▬ ▬▬ ▬▬▬▬▬ ▬▬▬ ▬▬▬▬ ▬▬ ▬▬▬▬▬▬
▬▬▬ ▬▬▬▬ ▬▬ ▬▬▬▬▬ ▬▬▬ ▬▬▬▬ ▬▬ ▬▬▬▬▬▬ ▬▬▬ ▬▬▬▬ ▬▬▬▬▬ ▬▬ ▬▬▬▬ ▬▬▬▬▬ ▬▬▬ ▬▬▬▬ ▬▬ ▬▬▬▬▬ ▬▬▬ ▬▬▬▬ ▬▬ ▬▬▬▬▬▬
▬▬▬ ▬▬▬▬ ▬▬ ▬▬▬▬▬ ▬▬▬ ▬▬▬▬ ▬▬ ▬▬▬▬▬▬ ▬▬▬ ▬▬▬▬ ▬▬▬▬▬ ▬▬ ▬▬▬▬ ▬▬▬▬▬ ▬▬▬ ▬▬▬▬ ▬▬ ▬▬▬▬▬ ▬▬▬ ▬▬▬▬ ▬▬ ▬▬▬▬▬▬
▬▬▬ ▬▬▬▬ ▬▬ ▬▬▬▬▬ ▬▬▬ ▬▬▬▬ ▬▬ ▬▬▬▬▬▬ ▬▬▬ ▬▬▬▬ ▬▬▬▬▬ ▬▬ ▬▬▬▬ ▬▬▬▬▬ ▬▬▬ ▬▬▬▬ ▬▬ ▬▬▬▬▬ ▬▬▬ ▬▬▬▬ ▬▬ ▬▬▬▬▬▬
▬▬▬ ▬▬▬▬ ▬▬ ▬▬▬▬▬ ▬▬▬ ▬▬▬▬ ▬▬ ▬▬▬▬▬▬ ▬▬▬ ▬▬▬▬ ▬▬▬▬▬ ▬▬ ▬▬▬▬ ▬▬▬▬▬ ▬▬▬ ▬▬▬▬ ▬▬ ▬▬▬▬▬ ▬▬▬ ▬▬▬▬ ▬▬ ▬▬▬▬▬▬
▬▬▬ ▬▬▬▬ ▬▬ ▬▬▬▬▬ ▬▬▬ ▬▬▬▬ ▬▬ ▬▬▬▬▬▬ ▬▬▬ ▬▬▬▬ ▬▬▬▬▬ ▬▬ ▬▬▬▬ ▬▬▬▬▬ ▬▬▬ ▬▬▬▬ ▬▬ ▬▬▬▬▬ ▬▬▬ ▬▬▬▬ ▬▬ ▬▬▬▬▬▬
▬▬▬ ▬▬▬▬ ▬▬ ▬▬▬▬▬ ▬▬▬ ▬▬▬▬ ▬▬ ▬▬▬▬▬▬ ▬▬▬ ▬▬▬▬ ▬▬▬▬▬ ▬▬ ▬▬▬▬ ▬▬▬▬▬ ▬▬▬ ▬▬▬▬ ▬▬ ▬▬▬▬▬ ▬▬▬ ▬▬▬▬ ▬▬ ▬▬▬▬▬▬
Účinky na schopnost řídit a obsluhovat stroje
▬▬▬ ▬▬▬▬ ▬▬ ▬▬▬▬▬ ▬▬▬ ▬▬▬▬ ▬▬ ▬▬▬▬▬▬ ▬▬▬ ▬▬▬▬ ▬▬▬▬▬ ▬▬ ▬▬▬▬ ▬▬▬▬▬ ▬▬▬ ▬▬▬▬ ▬▬ ▬▬▬▬▬ ▬▬▬ ▬▬▬▬ ▬▬ ▬▬▬▬▬▬
▬▬▬ ▬▬▬▬ ▬▬ ▬▬▬▬▬ ▬▬▬ ▬▬▬▬ ▬▬ ▬▬▬▬▬▬ ▬▬▬ ▬▬▬▬ ▬▬▬▬▬ ▬▬ ▬▬▬▬ ▬▬▬▬▬ ▬▬▬ ▬▬▬▬ ▬▬ ▬▬▬▬▬ ▬▬▬ ▬▬▬▬ ▬▬ ▬▬▬▬▬▬
▬▬▬ ▬▬▬▬ ▬▬ ▬▬▬▬▬ ▬▬▬ ▬▬▬▬ ▬▬ ▬▬▬▬▬▬ ▬▬▬ ▬▬▬▬ ▬▬▬▬▬ ▬▬ ▬▬▬▬ ▬▬▬▬▬ ▬▬▬ ▬▬▬▬ ▬▬ ▬▬▬▬▬ ▬▬▬ ▬▬▬▬ ▬▬ ▬▬▬▬▬▬
▬▬▬ ▬▬▬▬ ▬▬ ▬▬▬▬▬ ▬▬▬ ▬▬▬▬ ▬▬ ▬▬▬▬▬▬ ▬▬▬ ▬▬▬▬ ▬▬▬▬▬ ▬▬ ▬▬▬▬ ▬▬▬▬▬ ▬▬▬ ▬▬▬▬ ▬▬ ▬▬▬▬▬ ▬▬▬ ▬▬▬▬ ▬▬ ▬▬▬▬▬▬
▬▬▬ ▬▬▬▬ ▬▬ ▬▬▬▬▬ ▬▬▬ ▬▬▬▬ ▬▬ ▬▬▬▬▬▬ ▬▬▬ ▬▬▬▬ ▬▬▬▬▬ ▬▬ ▬▬▬▬ ▬▬▬▬▬ ▬▬▬ ▬▬▬▬ ▬▬ ▬▬▬▬▬ ▬▬▬ ▬▬▬▬ ▬▬ ▬▬▬▬▬▬
Dávkování a způsob podání
▬▬▬ ▬▬▬▬ ▬▬ ▬▬▬▬▬ ▬▬▬ ▬▬▬▬ ▬▬ ▬▬▬▬▬▬ ▬▬▬ ▬▬▬▬ ▬▬▬▬▬ ▬▬ ▬▬▬▬ ▬▬▬▬▬ ▬▬▬ ▬▬▬▬ ▬▬ ▬▬▬▬▬ ▬▬▬ ▬▬▬▬ ▬▬ ▬▬▬▬▬▬
▬▬▬ ▬▬▬▬ ▬▬ ▬▬▬▬▬ ▬▬▬ ▬▬▬▬ ▬▬ ▬▬▬▬▬▬ ▬▬▬ ▬▬▬▬ ▬▬▬▬▬ ▬▬ ▬▬▬▬ ▬▬▬▬▬ ▬▬▬ ▬▬▬▬ ▬▬ ▬▬▬▬▬ ▬▬▬ ▬▬▬▬ ▬▬ ▬▬▬▬▬▬
▬▬▬ ▬▬▬▬ ▬▬ ▬▬▬▬▬ ▬▬▬ ▬▬▬▬ ▬▬ ▬▬▬▬▬▬ ▬▬▬ ▬▬▬▬ ▬▬▬▬▬ ▬▬ ▬▬▬▬ ▬▬▬▬▬ ▬▬▬ ▬▬▬▬ ▬▬ ▬▬▬▬▬ ▬▬▬ ▬▬▬▬ ▬▬ ▬▬▬▬▬▬
▬▬▬ ▬▬▬▬ ▬▬ ▬▬▬▬▬ ▬▬▬ ▬▬▬▬ ▬▬ ▬▬▬▬▬▬ ▬▬▬ ▬▬▬▬ ▬▬▬▬▬ ▬▬ ▬▬▬▬ ▬▬▬▬▬ ▬▬▬ ▬▬▬▬ ▬▬ ▬▬▬▬▬ ▬▬▬ ▬▬▬▬ ▬▬ ▬▬▬▬▬▬
▬▬▬ ▬▬▬▬ ▬▬ ▬▬▬▬▬ ▬▬▬ ▬▬▬▬ ▬▬ ▬▬▬▬▬▬ ▬▬▬ ▬▬▬▬ ▬▬▬▬▬ ▬▬ ▬▬▬▬ ▬▬▬▬▬ ▬▬▬ ▬▬▬▬ ▬▬ ▬▬▬▬▬ ▬▬▬ ▬▬▬▬ ▬▬ ▬▬▬▬▬▬
▬▬▬ ▬▬▬▬ ▬▬ ▬▬▬▬▬ ▬▬▬ ▬▬▬▬ ▬▬ ▬▬▬▬▬▬ ▬▬▬ ▬▬▬▬ ▬▬▬▬▬ ▬▬ ▬▬▬▬ ▬▬▬▬▬ ▬▬▬ ▬▬▬▬ ▬▬ ▬▬▬▬▬ ▬▬▬ ▬▬▬▬ ▬▬ ▬▬▬▬▬▬
▬▬▬ ▬▬▬▬ ▬▬ ▬▬▬▬▬ ▬▬▬ ▬▬▬▬ ▬▬ ▬▬▬▬▬▬ ▬▬▬ ▬▬▬▬ ▬▬▬▬▬ ▬▬ ▬▬▬▬ ▬▬▬▬▬ ▬▬▬ ▬▬▬▬ ▬▬ ▬▬▬▬▬ ▬▬▬ ▬▬▬▬ ▬▬ ▬▬▬▬▬▬
▬▬▬ ▬▬▬▬ ▬▬ ▬▬▬▬▬ ▬▬▬ ▬▬▬▬ ▬▬ ▬▬▬▬▬▬ ▬▬▬ ▬▬▬▬ ▬▬▬▬▬ ▬▬ ▬▬▬▬ ▬▬▬▬▬ ▬▬▬ ▬▬▬▬ ▬▬ ▬▬▬▬▬ ▬▬▬ ▬▬▬▬ ▬▬ ▬▬▬▬▬▬
▬▬▬ ▬▬▬▬ ▬▬ ▬▬▬▬▬ ▬▬▬ ▬▬▬▬ ▬▬ ▬▬▬▬▬▬ ▬▬▬ ▬▬▬▬ ▬▬▬▬▬ ▬▬ ▬▬▬▬ ▬▬▬▬▬ ▬▬▬ ▬▬▬▬ ▬▬ ▬▬▬▬▬ ▬▬▬ ▬▬▬▬ ▬▬ ▬▬▬▬▬▬
▬▬▬ ▬▬▬▬ ▬▬ ▬▬▬▬▬ ▬▬▬ ▬▬▬▬ ▬▬ ▬▬▬▬▬▬ ▬▬▬ ▬▬▬▬ ▬▬▬▬▬ ▬▬ ▬▬▬▬ ▬▬▬▬▬ ▬▬▬ ▬▬▬▬ ▬▬ ▬▬▬▬▬ ▬▬▬ ▬▬▬▬ ▬▬ ▬▬▬▬▬▬
▬▬▬ ▬▬▬▬ ▬▬ ▬▬▬▬▬ ▬▬▬ ▬▬▬▬ ▬▬ ▬▬▬▬▬▬ ▬▬▬ ▬▬▬▬ ▬▬▬▬▬ ▬▬ ▬▬▬▬ ▬▬▬▬▬ ▬▬▬ ▬▬▬▬ ▬▬ ▬▬▬▬▬ ▬▬▬ ▬▬▬▬ ▬▬ ▬▬▬▬▬▬
▬▬▬ ▬▬▬▬ ▬▬ ▬▬▬▬▬ ▬▬▬ ▬▬▬▬ ▬▬ ▬▬▬▬▬▬ ▬▬▬ ▬▬▬▬ ▬▬▬▬▬ ▬▬ ▬▬▬▬ ▬▬▬▬▬ ▬▬▬ ▬▬▬▬ ▬▬ ▬▬▬▬▬ ▬▬▬ ▬▬▬▬ ▬▬ ▬▬▬▬▬▬
▬▬▬ ▬▬▬▬ ▬▬ ▬▬▬▬▬ ▬▬▬ ▬▬▬▬ ▬▬ ▬▬▬▬▬▬ ▬▬▬ ▬▬▬▬ ▬▬▬▬▬ ▬▬ ▬▬▬▬ ▬▬▬▬▬ ▬▬▬ ▬▬▬▬ ▬▬ ▬▬▬▬▬ ▬▬▬ ▬▬▬▬ ▬▬ ▬▬▬▬▬▬
▬▬▬ ▬▬▬▬ ▬▬ ▬▬▬▬▬ ▬▬▬ ▬▬▬▬ ▬▬ ▬▬▬▬▬▬ ▬▬▬ ▬▬▬▬ ▬▬▬▬▬ ▬▬ ▬▬▬▬ ▬▬▬▬▬ ▬▬▬ ▬▬▬▬ ▬▬ ▬▬▬▬▬ ▬▬▬ ▬▬▬▬ ▬▬ ▬▬▬▬▬▬
▬▬▬ ▬▬▬▬ ▬▬ ▬▬▬▬▬ ▬▬▬ ▬▬▬▬ ▬▬ ▬▬▬▬▬▬ ▬▬▬ ▬▬▬▬ ▬▬▬▬▬ ▬▬ ▬▬▬▬ ▬▬▬▬▬ ▬▬▬ ▬▬▬▬ ▬▬ ▬▬▬▬▬ ▬▬▬ ▬▬▬▬ ▬▬ ▬▬▬▬▬▬
▬▬▬ ▬▬▬▬ ▬▬ ▬▬▬▬▬ ▬▬▬ ▬▬▬▬ ▬▬ ▬▬▬▬▬▬ ▬▬▬ ▬▬▬▬ ▬▬▬▬▬ ▬▬ ▬▬▬▬ ▬▬▬▬▬ ▬▬▬ ▬▬▬▬ ▬▬ ▬▬▬▬▬ ▬▬▬ ▬▬▬▬ ▬▬ ▬▬▬▬▬▬
▬▬▬ ▬▬▬▬ ▬▬ ▬▬▬▬▬ ▬▬▬ ▬▬▬▬ ▬▬ ▬▬▬▬▬▬ ▬▬▬ ▬▬▬▬ ▬▬▬▬▬ ▬▬ ▬▬▬▬ ▬▬▬▬▬ ▬▬▬ ▬▬▬▬ ▬▬ ▬▬▬▬▬ ▬▬▬ ▬▬▬▬ ▬▬ ▬▬▬▬▬▬
▬▬▬ ▬▬▬▬ ▬▬ ▬▬▬▬▬ ▬▬▬ ▬▬▬▬ ▬▬ ▬▬▬▬▬▬ ▬▬▬ ▬▬▬▬ ▬▬▬▬▬ ▬▬ ▬▬▬▬ ▬▬▬▬▬ ▬▬▬ ▬▬▬▬ ▬▬ ▬▬▬▬▬ ▬▬▬ ▬▬▬▬ ▬▬ ▬▬▬▬▬▬
▬▬▬ ▬▬▬▬ ▬▬ ▬▬▬▬▬ ▬▬▬ ▬▬▬▬ ▬▬ ▬▬▬▬▬▬ ▬▬▬ ▬▬▬▬ ▬▬▬▬▬ ▬▬ ▬▬▬▬ ▬▬▬▬▬ ▬▬▬ ▬▬▬▬ ▬▬ ▬▬▬▬▬ ▬▬▬ ▬▬▬▬ ▬▬ ▬▬▬▬▬▬
▬▬▬ ▬▬▬▬ ▬▬ ▬▬▬▬▬ ▬▬▬ ▬▬▬▬ ▬▬ ▬▬▬▬▬▬ ▬▬▬ ▬▬▬▬ ▬▬▬▬▬ ▬▬ ▬▬▬▬ ▬▬▬▬▬ ▬▬▬ ▬▬▬▬ ▬▬ ▬▬▬▬▬ ▬▬▬ ▬▬▬▬ ▬▬ ▬▬▬▬▬▬
▬▬▬ ▬▬▬▬ ▬▬ ▬▬▬▬▬ ▬▬▬ ▬▬▬▬ ▬▬ ▬▬▬▬▬▬ ▬▬▬ ▬▬▬▬ ▬▬▬▬▬ ▬▬ ▬▬▬▬ ▬▬▬▬▬ ▬▬▬ ▬▬▬▬ ▬▬ ▬▬▬▬▬ ▬▬▬ ▬▬▬▬ ▬▬ ▬▬▬▬▬▬
▬▬▬ ▬▬▬▬ ▬▬ ▬▬▬▬▬ ▬▬▬ ▬▬▬▬ ▬▬ ▬▬▬▬▬▬ ▬▬▬ ▬▬▬▬ ▬▬▬▬▬ ▬▬ ▬▬▬▬ ▬▬▬▬▬ ▬▬▬ ▬▬▬▬ ▬▬ ▬▬▬▬▬ ▬▬▬ ▬▬▬▬ ▬▬ ▬▬▬▬▬▬
▬▬▬ ▬▬▬▬ ▬▬ ▬▬▬▬▬ ▬▬▬ ▬▬▬▬ ▬▬ ▬▬▬▬▬▬ ▬▬▬ ▬▬▬▬ ▬▬▬▬▬ ▬▬ ▬▬▬▬ ▬▬▬▬▬ ▬▬▬ ▬▬▬▬ ▬▬ ▬▬▬▬▬ ▬▬▬ ▬▬▬▬ ▬▬ ▬▬▬▬▬▬
▬▬▬ ▬▬▬▬ ▬▬ ▬▬▬▬▬ ▬▬▬ ▬▬▬▬ ▬▬ ▬▬▬▬▬▬ ▬▬▬ ▬▬▬▬ ▬▬▬▬▬ ▬▬ ▬▬▬▬ ▬▬▬▬▬ ▬▬▬ ▬▬▬▬ ▬▬ ▬▬▬▬▬ ▬▬▬ ▬▬▬▬ ▬▬ ▬▬▬▬▬▬
▬▬▬ ▬▬▬▬ ▬▬ ▬▬▬▬▬ ▬▬▬ ▬▬▬▬ ▬▬ ▬▬▬▬▬▬ ▬▬▬ ▬▬▬▬ ▬▬▬▬▬ ▬▬ ▬▬▬▬ ▬▬▬▬▬ ▬▬▬ ▬▬▬▬ ▬▬ ▬▬▬▬▬ ▬▬▬ ▬▬▬▬ ▬▬ ▬▬▬▬▬▬
▬▬▬ ▬▬▬▬ ▬▬ ▬▬▬▬▬ ▬▬▬ ▬▬▬▬ ▬▬ ▬▬▬▬▬▬ ▬▬▬ ▬▬▬▬ ▬▬▬▬▬ ▬▬ ▬▬▬▬ ▬▬▬▬▬ ▬▬▬ ▬▬▬▬ ▬▬ ▬▬▬▬▬ ▬▬▬ ▬▬▬▬ ▬▬ ▬▬▬▬▬▬
▬▬▬ ▬▬▬▬ ▬▬ ▬▬▬▬▬ ▬▬▬ ▬▬▬▬ ▬▬ ▬▬▬▬▬▬ ▬▬▬ ▬▬▬▬ ▬▬▬▬▬ ▬▬ ▬▬▬▬ ▬▬▬▬▬ ▬▬▬ ▬▬▬▬ ▬▬ ▬▬▬▬▬ ▬▬▬ ▬▬▬▬ ▬▬ ▬▬▬▬▬▬
▬▬▬ ▬▬▬▬ ▬▬ ▬▬▬▬▬ ▬▬▬ ▬▬▬▬ ▬▬ ▬▬▬▬▬▬ ▬▬▬ ▬▬▬▬ ▬▬▬▬▬ ▬▬ ▬▬▬▬ ▬▬▬▬▬ ▬▬▬ ▬▬▬▬ ▬▬ ▬▬▬▬▬ ▬▬▬ ▬▬▬▬ ▬▬ ▬▬▬▬▬▬
▬▬▬ ▬▬▬▬ ▬▬ ▬▬▬▬▬ ▬▬▬ ▬▬▬▬ ▬▬ ▬▬▬▬▬▬ ▬▬▬ ▬▬▬▬ ▬▬▬▬▬ ▬▬ ▬▬▬▬ ▬▬▬▬▬ ▬▬▬ ▬▬▬▬ ▬▬ ▬▬▬▬▬ ▬▬▬ ▬▬▬▬ ▬▬ ▬▬▬▬▬▬
▬▬▬ ▬▬▬▬ ▬▬ ▬▬▬▬▬ ▬▬▬ ▬▬▬▬ ▬▬ ▬▬▬▬▬▬ ▬▬▬ ▬▬▬▬ ▬▬▬▬▬ ▬▬ ▬▬▬▬ ▬▬▬▬▬ ▬▬▬ ▬▬▬▬ ▬▬ ▬▬▬▬▬ ▬▬▬ ▬▬▬▬ ▬▬ ▬▬▬▬▬▬
▬▬▬ ▬▬▬▬ ▬▬ ▬▬▬▬▬ ▬▬▬ ▬▬▬▬ ▬▬ ▬▬▬▬▬▬ ▬▬▬ ▬▬▬▬ ▬▬▬▬▬ ▬▬ ▬▬▬▬ ▬▬▬▬▬ ▬▬▬ ▬▬▬▬ ▬▬ ▬▬▬▬▬ ▬▬▬ ▬▬▬▬ ▬▬ ▬▬▬▬▬▬
▬▬▬ ▬▬▬▬ ▬▬ ▬▬▬▬▬ ▬▬▬ ▬▬▬▬ ▬▬ ▬▬▬▬▬▬ ▬▬▬ ▬▬▬▬ ▬▬▬▬▬ ▬▬ ▬▬▬▬ ▬▬▬▬▬ ▬▬▬ ▬▬▬▬ ▬▬ ▬▬▬▬▬ ▬▬▬ ▬▬▬▬ ▬▬ ▬▬▬▬▬▬
▬▬▬ ▬▬▬▬ ▬▬ ▬▬▬▬▬ ▬▬▬ ▬▬▬▬ ▬▬ ▬▬▬▬▬▬ ▬▬▬ ▬▬▬▬ ▬▬▬▬▬ ▬▬ ▬▬▬▬ ▬▬▬▬▬ ▬▬▬ ▬▬▬▬ ▬▬ ▬▬▬▬▬ ▬▬▬ ▬▬▬▬ ▬▬ ▬▬▬▬▬▬
▬▬▬ ▬▬▬▬ ▬▬ ▬▬▬▬▬ ▬▬▬ ▬▬▬▬ ▬▬ ▬▬▬▬▬▬ ▬▬▬ ▬▬▬▬ ▬▬▬▬▬ ▬▬ ▬▬▬▬ ▬▬▬▬▬ ▬▬▬ ▬▬▬▬ ▬▬ ▬▬▬▬▬ ▬▬▬ ▬▬▬▬ ▬▬ ▬▬▬▬▬▬
▬▬▬ ▬▬▬▬ ▬▬ ▬▬▬▬▬ ▬▬▬ ▬▬▬▬ ▬▬ ▬▬▬▬▬▬ ▬▬▬ ▬▬▬▬ ▬▬▬▬▬ ▬▬ ▬▬▬▬ ▬▬▬▬▬ ▬▬▬ ▬▬▬▬ ▬▬ ▬▬▬▬▬ ▬▬▬ ▬▬▬▬ ▬▬ ▬▬▬▬▬▬
▬▬▬ ▬▬▬▬ ▬▬ ▬▬▬▬▬ ▬▬▬ ▬▬▬▬ ▬▬ ▬▬▬▬▬▬ ▬▬▬ ▬▬▬▬ ▬▬▬▬▬ ▬▬ ▬▬▬▬ ▬▬▬▬▬ ▬▬▬ ▬▬▬▬ ▬▬ ▬▬▬▬▬ ▬▬▬ ▬▬▬▬ ▬▬ ▬▬▬▬▬▬
▬▬▬ ▬▬▬▬ ▬▬ ▬▬▬▬▬ ▬▬▬ ▬▬▬▬ ▬▬ ▬▬▬▬▬▬ ▬▬▬ ▬▬▬▬ ▬▬▬▬▬ ▬▬ ▬▬▬▬ ▬▬▬▬▬ ▬▬▬ ▬▬▬▬ ▬▬ ▬▬▬▬▬ ▬▬▬ ▬▬▬▬ ▬▬ ▬▬▬▬▬▬
▬▬▬ ▬▬▬▬ ▬▬ ▬▬▬▬▬ ▬▬▬ ▬▬▬▬ ▬▬ ▬▬▬▬▬▬ ▬▬▬ ▬▬▬▬ ▬▬▬▬▬ ▬▬ ▬▬▬▬ ▬▬▬▬▬ ▬▬▬ ▬▬▬▬ ▬▬ ▬▬▬▬▬ ▬▬▬ ▬▬▬▬ ▬▬ ▬▬▬▬▬▬
▬▬▬ ▬▬▬▬ ▬▬ ▬▬▬▬▬ ▬▬▬ ▬▬▬▬ ▬▬ ▬▬▬▬▬▬ ▬▬▬ ▬▬▬▬ ▬▬▬▬▬ ▬▬ ▬▬▬▬ ▬▬▬▬▬ ▬▬▬ ▬▬▬▬ ▬▬ ▬▬▬▬▬ ▬▬▬ ▬▬▬▬ ▬▬ ▬▬▬▬▬▬
▬▬▬ ▬▬▬▬ ▬▬ ▬▬▬▬▬ ▬▬▬ ▬▬▬▬ ▬▬ ▬▬▬▬▬▬ ▬▬▬ ▬▬▬▬ ▬▬▬▬▬ ▬▬ ▬▬▬▬ ▬▬▬▬▬ ▬▬▬ ▬▬▬▬ ▬▬ ▬▬▬▬▬ ▬▬▬ ▬▬▬▬ ▬▬ ▬▬▬▬▬▬
▬▬▬ ▬▬▬▬ ▬▬ ▬▬▬▬▬ ▬▬▬ ▬▬▬▬ ▬▬ ▬▬▬▬▬▬ ▬▬▬ ▬▬▬▬ ▬▬▬▬▬ ▬▬ ▬▬▬▬ ▬▬▬▬▬ ▬▬▬ ▬▬▬▬ ▬▬ ▬▬▬▬▬ ▬▬▬ ▬▬▬▬ ▬▬ ▬▬▬▬▬▬
▬▬▬ ▬▬▬▬ ▬▬ ▬▬▬▬▬ ▬▬▬ ▬▬▬▬ ▬▬ ▬▬▬▬▬▬ ▬▬▬ ▬▬▬▬ ▬▬▬▬▬ ▬▬ ▬▬▬▬ ▬▬▬▬▬ ▬▬▬ ▬▬▬▬ ▬▬ ▬▬▬▬▬ ▬▬▬ ▬▬▬▬ ▬▬ ▬▬▬▬▬▬
▬▬▬ ▬▬▬▬ ▬▬ ▬▬▬▬▬ ▬▬▬ ▬▬▬▬ ▬▬ ▬▬▬▬▬▬ ▬▬▬ ▬▬▬▬ ▬▬▬▬▬ ▬▬ ▬▬▬▬ ▬▬▬▬▬ ▬▬▬ ▬▬▬▬ ▬▬ ▬▬▬▬▬ ▬▬▬ ▬▬▬▬ ▬▬ ▬▬▬▬▬▬
▬▬▬ ▬▬▬▬ ▬▬ ▬▬▬▬▬ ▬▬▬ ▬▬▬▬ ▬▬ ▬▬▬▬▬▬ ▬▬▬ ▬▬▬▬ ▬▬▬▬▬ ▬▬ ▬▬▬▬ ▬▬▬▬▬ ▬▬▬ ▬▬▬▬ ▬▬ ▬▬▬▬▬ ▬▬▬ ▬▬▬▬ ▬▬ ▬▬▬▬▬▬
▬▬▬ ▬▬▬▬ ▬▬ ▬▬▬▬▬ ▬▬▬ ▬▬▬▬ ▬▬ ▬▬▬▬▬▬ ▬▬▬ ▬▬▬▬ ▬▬▬▬▬ ▬▬ ▬▬▬▬ ▬▬▬▬▬ ▬▬▬ ▬▬▬▬ ▬▬ ▬▬▬▬▬ ▬▬▬ ▬▬▬▬ ▬▬ ▬▬▬▬▬▬
▬▬▬ ▬▬▬▬ ▬▬ ▬▬▬▬▬ ▬▬▬ ▬▬▬▬ ▬▬ ▬▬▬▬▬▬ ▬▬▬ ▬▬▬▬ ▬▬▬▬▬ ▬▬ ▬▬▬▬ ▬▬▬▬▬ ▬▬▬ ▬▬▬▬ ▬▬ ▬▬▬▬▬ ▬▬▬ ▬▬▬▬ ▬▬ ▬▬▬▬▬▬
▬▬▬ ▬▬▬▬ ▬▬ ▬▬▬▬▬ ▬▬▬ ▬▬▬▬ ▬▬ ▬▬▬▬▬▬ ▬▬▬ ▬▬▬▬ ▬▬▬▬▬ ▬▬ ▬▬▬▬ ▬▬▬▬▬ ▬▬▬ ▬▬▬▬ ▬▬ ▬▬▬▬▬ ▬▬▬ ▬▬▬▬ ▬▬ ▬▬▬▬▬▬
▬▬▬ ▬▬▬▬ ▬▬ ▬▬▬▬▬ ▬▬▬ ▬▬▬▬ ▬▬ ▬▬▬▬▬▬ ▬▬▬ ▬▬▬▬ ▬▬▬▬▬ ▬▬ ▬▬▬▬ ▬▬▬▬▬ ▬▬▬ ▬▬▬▬ ▬▬ ▬▬▬▬▬ ▬▬▬ ▬▬▬▬ ▬▬ ▬▬▬▬▬▬
▬▬▬ ▬▬▬▬ ▬▬ ▬▬▬▬▬ ▬▬▬ ▬▬▬▬ ▬▬ ▬▬▬▬▬▬ ▬▬▬ ▬▬▬▬ ▬▬▬▬▬ ▬▬ ▬▬▬▬ ▬▬▬▬▬ ▬▬▬ ▬▬▬▬ ▬▬ ▬▬▬▬▬ ▬▬▬ ▬▬▬▬ ▬▬ ▬▬▬▬▬▬
▬▬▬ ▬▬▬▬ ▬▬ ▬▬▬▬▬ ▬▬▬ ▬▬▬▬ ▬▬ ▬▬▬▬▬▬ ▬▬▬ ▬▬▬▬ ▬▬▬▬▬ ▬▬ ▬▬▬▬ ▬▬▬▬▬ ▬▬▬ ▬▬▬▬ ▬▬ ▬▬▬▬▬ ▬▬▬ ▬▬▬▬ ▬▬ ▬▬▬▬▬▬
▬▬▬ ▬▬▬▬ ▬▬ ▬▬▬▬▬ ▬▬▬ ▬▬▬▬ ▬▬ ▬▬▬▬▬▬ ▬▬▬ ▬▬▬▬ ▬▬▬▬▬ ▬▬ ▬▬▬▬ ▬▬▬▬▬ ▬▬▬ ▬▬▬▬ ▬▬ ▬▬▬▬▬ ▬▬▬ ▬▬▬▬ ▬▬ ▬▬▬▬▬▬
▬▬▬ ▬▬▬▬ ▬▬ ▬▬▬▬▬ ▬▬▬ ▬▬▬▬ ▬▬ ▬▬▬▬▬▬ ▬▬▬ ▬▬▬▬ ▬▬▬▬▬ ▬▬ ▬▬▬▬ ▬▬▬▬▬ ▬▬▬ ▬▬▬▬ ▬▬ ▬▬▬▬▬ ▬▬▬ ▬▬▬▬ ▬▬ ▬▬▬▬▬▬
▬▬▬ ▬▬▬▬ ▬▬ ▬▬▬▬▬ ▬▬▬ ▬▬▬▬ ▬▬ ▬▬▬▬▬▬ ▬▬▬ ▬▬▬▬ ▬▬▬▬▬ ▬▬ ▬▬▬▬ ▬▬▬▬▬ ▬▬▬ ▬▬▬▬ ▬▬ ▬▬▬▬▬ ▬▬▬ ▬▬▬▬ ▬▬ ▬▬▬▬▬▬
▬▬▬ ▬▬▬▬ ▬▬ ▬▬▬▬▬ ▬▬▬ ▬▬▬▬ ▬▬ ▬▬▬▬▬▬ ▬▬▬ ▬▬▬▬ ▬▬▬▬▬ ▬▬ ▬▬▬▬ ▬▬▬▬▬ ▬▬▬ ▬▬▬▬ ▬▬ ▬▬▬▬▬ ▬▬▬ ▬▬▬▬ ▬▬ ▬▬▬▬▬▬
▬▬▬ ▬▬▬▬ ▬▬ ▬▬▬▬▬ ▬▬▬ ▬▬▬▬ ▬▬ ▬▬▬▬▬▬ ▬▬▬ ▬▬▬▬ ▬▬▬▬▬ ▬▬ ▬▬▬▬ ▬▬▬▬▬ ▬▬▬ ▬▬▬▬ ▬▬ ▬▬▬▬▬ ▬▬▬ ▬▬▬▬ ▬▬ ▬▬▬▬▬▬
▬▬▬ ▬▬▬▬ ▬▬ ▬▬▬▬▬ ▬▬▬ ▬▬▬▬ ▬▬ ▬▬▬▬▬▬ ▬▬▬ ▬▬▬▬ ▬▬▬▬▬ ▬▬ ▬▬▬▬ ▬▬▬▬▬ ▬▬▬ ▬▬▬▬ ▬▬ ▬▬▬▬▬ ▬▬▬ ▬▬▬▬ ▬▬ ▬▬▬▬▬▬
▬▬▬ ▬▬▬▬ ▬▬ ▬▬▬▬▬ ▬▬▬ ▬▬▬▬ ▬▬ ▬▬▬▬▬▬ ▬▬▬ ▬▬▬▬ ▬▬▬▬▬ ▬▬ ▬▬▬▬ ▬▬▬▬▬ ▬▬▬ ▬▬▬▬ ▬▬ ▬▬▬▬▬ ▬▬▬ ▬▬▬▬ ▬▬ ▬▬▬▬▬▬
▬▬▬ ▬▬▬▬ ▬▬ ▬▬▬▬▬ ▬▬▬ ▬▬▬▬ ▬▬ ▬▬▬▬▬▬ ▬▬▬ ▬▬▬▬ ▬▬▬▬▬ ▬▬ ▬▬▬▬ ▬▬▬▬▬ ▬▬▬ ▬▬▬▬ ▬▬ ▬▬▬▬▬ ▬▬▬ ▬▬▬▬ ▬▬ ▬▬▬▬▬▬
▬▬▬ ▬▬▬▬ ▬▬ ▬▬▬▬▬ ▬▬▬ ▬▬▬▬ ▬▬ ▬▬▬▬▬▬ ▬▬▬ ▬▬▬▬ ▬▬▬▬▬ ▬▬ ▬▬▬▬ ▬▬▬▬▬ ▬▬▬ ▬▬▬▬ ▬▬ ▬▬▬▬▬ ▬▬▬ ▬▬▬▬ ▬▬ ▬▬▬▬▬▬
▬▬▬ ▬▬▬▬ ▬▬ ▬▬▬▬▬ ▬▬▬ ▬▬▬▬ ▬▬ ▬▬▬▬▬▬ ▬▬▬ ▬▬▬▬ ▬▬▬▬▬ ▬▬ ▬▬▬▬ ▬▬▬▬▬ ▬▬▬ ▬▬▬▬ ▬▬ ▬▬▬▬▬ ▬▬▬ ▬▬▬▬ ▬▬ ▬▬▬▬▬▬
Předávkování
▬▬▬ ▬▬▬▬ ▬▬ ▬▬▬▬▬ ▬▬▬ ▬▬▬▬ ▬▬ ▬▬▬▬▬▬ ▬▬▬ ▬▬▬▬ ▬▬▬▬▬ ▬▬ ▬▬▬▬ ▬▬▬▬▬ ▬▬▬ ▬▬▬▬ ▬▬ ▬▬▬▬▬ ▬▬▬ ▬▬▬▬ ▬▬ ▬▬▬▬▬▬
▬▬▬ ▬▬▬▬ ▬▬ ▬▬▬▬▬ ▬▬▬ ▬▬▬▬ ▬▬ ▬▬▬▬▬▬ ▬▬▬ ▬▬▬▬ ▬▬▬▬▬ ▬▬ ▬▬▬▬ ▬▬▬▬▬ ▬▬▬ ▬▬▬▬ ▬▬ ▬▬▬▬▬ ▬▬▬ ▬▬▬▬ ▬▬ ▬▬▬▬▬▬
▬▬▬ ▬▬▬▬ ▬▬ ▬▬▬▬▬ ▬▬▬ ▬▬▬▬ ▬▬ ▬▬▬▬▬▬ ▬▬▬ ▬▬▬▬ ▬▬▬▬▬ ▬▬ ▬▬▬▬ ▬▬▬▬▬ ▬▬▬ ▬▬▬▬ ▬▬ ▬▬▬▬▬ ▬▬▬ ▬▬▬▬ ▬▬ ▬▬▬▬▬▬
▬▬▬ ▬▬▬▬ ▬▬ ▬▬▬▬▬ ▬▬▬ ▬▬▬▬ ▬▬ ▬▬▬▬▬▬ ▬▬▬ ▬▬▬▬ ▬▬▬▬▬ ▬▬ ▬▬▬▬ ▬▬▬▬▬ ▬▬▬ ▬▬▬▬ ▬▬ ▬▬▬▬▬ ▬▬▬ ▬▬▬▬ ▬▬ ▬▬▬▬▬▬
▬▬▬ ▬▬▬▬ ▬▬ ▬▬▬▬▬ ▬▬▬ ▬▬▬▬ ▬▬ ▬▬▬▬▬▬ ▬▬▬ ▬▬▬▬ ▬▬▬▬▬ ▬▬ ▬▬▬▬ ▬▬▬▬▬ ▬▬▬ ▬▬▬▬ ▬▬ ▬▬▬▬▬ ▬▬▬ ▬▬▬▬ ▬▬ ▬▬▬▬▬▬
▬▬▬ ▬▬▬▬ ▬▬ ▬▬▬▬▬ ▬▬▬ ▬▬▬▬ ▬▬ ▬▬▬▬▬▬ ▬▬▬ ▬▬▬▬ ▬▬▬▬▬ ▬▬ ▬▬▬▬ ▬▬▬▬▬ ▬▬▬ ▬▬▬▬ ▬▬ ▬▬▬▬▬ ▬▬▬ ▬▬▬▬ ▬▬ ▬▬▬▬▬▬
▬▬▬ ▬▬▬▬ ▬▬ ▬▬▬▬▬ ▬▬▬ ▬▬▬▬ ▬▬ ▬▬▬▬▬▬ ▬▬▬ ▬▬▬▬ ▬▬▬▬▬ ▬▬ ▬▬▬▬ ▬▬▬▬▬ ▬▬▬ ▬▬▬▬ ▬▬ ▬▬▬▬▬ ▬▬▬ ▬▬▬▬ ▬▬ ▬▬▬▬▬▬
▬▬▬ ▬▬▬▬ ▬▬ ▬▬▬▬▬ ▬▬▬ ▬▬▬▬ ▬▬ ▬▬▬▬▬▬ ▬▬▬ ▬▬▬▬ ▬▬▬▬▬ ▬▬ ▬▬▬▬ ▬▬▬▬▬ ▬▬▬ ▬▬▬▬ ▬▬ ▬▬▬▬▬ ▬▬▬ ▬▬▬▬ ▬▬ ▬▬▬▬▬▬
▬▬▬ ▬▬▬▬ ▬▬ ▬▬▬▬▬ ▬▬▬ ▬▬▬▬ ▬▬ ▬▬▬▬▬▬ ▬▬▬ ▬▬▬▬ ▬▬▬▬▬ ▬▬ ▬▬▬▬ ▬▬▬▬▬ ▬▬▬ ▬▬▬▬ ▬▬ ▬▬▬▬▬ ▬▬▬ ▬▬▬▬ ▬▬ ▬▬▬▬▬▬
▬▬▬ ▬▬▬▬ ▬▬ ▬▬▬▬▬ ▬▬▬ ▬▬▬▬ ▬▬ ▬▬▬▬▬▬ ▬▬▬ ▬▬▬▬ ▬▬▬▬▬ ▬▬ ▬▬▬▬ ▬▬▬▬▬ ▬▬▬ ▬▬▬▬ ▬▬ ▬▬▬▬▬ ▬▬▬ ▬▬▬▬ ▬▬ ▬▬▬▬▬▬
▬▬▬ ▬▬▬▬ ▬▬ ▬▬▬▬▬ ▬▬▬ ▬▬▬▬ ▬▬ ▬▬▬▬▬▬ ▬▬▬ ▬▬▬▬ ▬▬▬▬▬ ▬▬ ▬▬▬▬ ▬▬▬▬▬ ▬▬▬ ▬▬▬▬ ▬▬ ▬▬▬▬▬ ▬▬▬ ▬▬▬▬ ▬▬ ▬▬▬▬▬▬
▬▬▬ ▬▬▬▬ ▬▬ ▬▬▬▬▬ ▬▬▬ ▬▬▬▬ ▬▬ ▬▬▬▬▬▬ ▬▬▬ ▬▬▬▬ ▬▬▬▬▬ ▬▬ ▬▬▬▬ ▬▬▬▬▬ ▬▬▬ ▬▬▬▬ ▬▬ ▬▬▬▬▬ ▬▬▬ ▬▬▬▬ ▬▬ ▬▬▬▬▬▬
Nežádoucí účinky
▬▬▬ ▬▬▬▬ ▬▬ ▬▬▬▬▬ ▬▬▬ ▬▬▬▬ ▬▬ ▬▬▬▬▬▬ ▬▬▬ ▬▬▬▬ ▬▬▬▬▬ ▬▬ ▬▬▬▬ ▬▬▬▬▬ ▬▬▬ ▬▬▬▬ ▬▬ ▬▬▬▬▬ ▬▬▬ ▬▬▬▬ ▬▬ ▬▬▬▬▬▬
▬▬▬ ▬▬▬▬ ▬▬ ▬▬▬▬▬ ▬▬▬ ▬▬▬▬ ▬▬ ▬▬▬▬▬▬ ▬▬▬ ▬▬▬▬ ▬▬▬▬▬ ▬▬ ▬▬▬▬ ▬▬▬▬▬ ▬▬▬ ▬▬▬▬ ▬▬ ▬▬▬▬▬ ▬▬▬ ▬▬▬▬ ▬▬ ▬▬▬▬▬▬
▬▬▬ ▬▬▬▬ ▬▬ ▬▬▬▬▬ ▬▬▬ ▬▬▬▬ ▬▬ ▬▬▬▬▬▬ ▬▬▬ ▬▬▬▬ ▬▬▬▬▬ ▬▬ ▬▬▬▬ ▬▬▬▬▬ ▬▬▬ ▬▬▬▬ ▬▬ ▬▬▬▬▬ ▬▬▬ ▬▬▬▬ ▬▬ ▬▬▬▬▬▬
▬▬▬ ▬▬▬▬ ▬▬ ▬▬▬▬▬ ▬▬▬ ▬▬▬▬ ▬▬ ▬▬▬▬▬▬ ▬▬▬ ▬▬▬▬ ▬▬▬▬▬ ▬▬ ▬▬▬▬ ▬▬▬▬▬ ▬▬▬ ▬▬▬▬ ▬▬ ▬▬▬▬▬ ▬▬▬ ▬▬▬▬ ▬▬ ▬▬▬▬▬▬
▬▬▬ ▬▬▬▬ ▬▬ ▬▬▬▬▬ ▬▬▬ ▬▬▬▬ ▬▬ ▬▬▬▬▬▬ ▬▬▬ ▬▬▬▬ ▬▬▬▬▬ ▬▬ ▬▬▬▬ ▬▬▬▬▬ ▬▬▬ ▬▬▬▬ ▬▬ ▬▬▬▬▬ ▬▬▬ ▬▬▬▬ ▬▬ ▬▬▬▬▬▬
▬▬▬ ▬▬▬▬ ▬▬ ▬▬▬▬▬ ▬▬▬ ▬▬▬▬ ▬▬ ▬▬▬▬▬▬ ▬▬▬ ▬▬▬▬ ▬▬▬▬▬ ▬▬ ▬▬▬▬ ▬▬▬▬▬ ▬▬▬ ▬▬▬▬ ▬▬ ▬▬▬▬▬ ▬▬▬ ▬▬▬▬ ▬▬ ▬▬▬▬▬▬
▬▬▬ ▬▬▬▬ ▬▬ ▬▬▬▬▬ ▬▬▬ ▬▬▬▬ ▬▬ ▬▬▬▬▬▬ ▬▬▬ ▬▬▬▬ ▬▬▬▬▬ ▬▬ ▬▬▬▬ ▬▬▬▬▬ ▬▬▬ ▬▬▬▬ ▬▬ ▬▬▬▬▬ ▬▬▬ ▬▬▬▬ ▬▬ ▬▬▬▬▬▬
▬▬▬ ▬▬▬▬ ▬▬ ▬▬▬▬▬ ▬▬▬ ▬▬▬▬ ▬▬ ▬▬▬▬▬▬ ▬▬▬ ▬▬▬▬ ▬▬▬▬▬ ▬▬ ▬▬▬▬ ▬▬▬▬▬ ▬▬▬ ▬▬▬▬ ▬▬ ▬▬▬▬▬ ▬▬▬ ▬▬▬▬ ▬▬ ▬▬▬▬▬▬
▬▬▬ ▬▬▬▬ ▬▬ ▬▬▬▬▬ ▬▬▬ ▬▬▬▬ ▬▬ ▬▬▬▬▬▬ ▬▬▬ ▬▬▬▬ ▬▬▬▬▬ ▬▬ ▬▬▬▬ ▬▬▬▬▬ ▬▬▬ ▬▬▬▬ ▬▬ ▬▬▬▬▬ ▬▬▬ ▬▬▬▬ ▬▬ ▬▬▬▬▬▬
▬▬▬ ▬▬▬▬ ▬▬ ▬▬▬▬▬ ▬▬▬ ▬▬▬▬ ▬▬ ▬▬▬▬▬▬ ▬▬▬ ▬▬▬▬ ▬▬▬▬▬ ▬▬ ▬▬▬▬ ▬▬▬▬▬ ▬▬▬ ▬▬▬▬ ▬▬ ▬▬▬▬▬ ▬▬▬ ▬▬▬▬ ▬▬ ▬▬▬▬▬▬
▬▬▬ ▬▬▬▬ ▬▬ ▬▬▬▬▬ ▬▬▬ ▬▬▬▬ ▬▬ ▬▬▬▬▬▬ ▬▬▬ ▬▬▬▬ ▬▬▬▬▬ ▬▬ ▬▬▬▬ ▬▬▬▬▬ ▬▬▬ ▬▬▬▬ ▬▬ ▬▬▬▬▬ ▬▬▬ ▬▬▬▬ ▬▬ ▬▬▬▬▬▬
▬▬▬ ▬▬▬▬ ▬▬ ▬▬▬▬▬ ▬▬▬ ▬▬▬▬ ▬▬ ▬▬▬▬▬▬ ▬▬▬ ▬▬▬▬ ▬▬▬▬▬ ▬▬ ▬▬▬▬ ▬▬▬▬▬ ▬▬▬ ▬▬▬▬ ▬▬ ▬▬▬▬▬ ▬▬▬ ▬▬▬▬ ▬▬ ▬▬▬▬▬▬
▬▬▬ ▬▬▬▬ ▬▬ ▬▬▬▬▬ ▬▬▬ ▬▬▬▬ ▬▬ ▬▬▬▬▬▬ ▬▬▬ ▬▬▬▬ ▬▬▬▬▬ ▬▬ ▬▬▬▬ ▬▬▬▬▬ ▬▬▬ ▬▬▬▬ ▬▬ ▬▬▬▬▬ ▬▬▬ ▬▬▬▬ ▬▬ ▬▬▬▬▬▬
▬▬▬ ▬▬▬▬ ▬▬ ▬▬▬▬▬ ▬▬▬ ▬▬▬▬ ▬▬ ▬▬▬▬▬▬ ▬▬▬ ▬▬▬▬ ▬▬▬▬▬ ▬▬ ▬▬▬▬ ▬▬▬▬▬ ▬▬▬ ▬▬▬▬ ▬▬ ▬▬▬▬▬ ▬▬▬ ▬▬▬▬ ▬▬ ▬▬▬▬▬▬
▬▬▬ ▬▬▬▬ ▬▬ ▬▬▬▬▬ ▬▬▬ ▬▬▬▬ ▬▬ ▬▬▬▬▬▬ ▬▬▬ ▬▬▬▬ ▬▬▬▬▬ ▬▬ ▬▬▬▬ ▬▬▬▬▬ ▬▬▬ ▬▬▬▬ ▬▬ ▬▬▬▬▬ ▬▬▬ ▬▬▬▬ ▬▬ ▬▬▬▬▬▬
▬▬▬ ▬▬▬▬ ▬▬ ▬▬▬▬▬ ▬▬▬ ▬▬▬▬ ▬▬ ▬▬▬▬▬▬ ▬▬▬ ▬▬▬▬ ▬▬▬▬▬ ▬▬ ▬▬▬▬ ▬▬▬▬▬ ▬▬▬ ▬▬▬▬ ▬▬ ▬▬▬▬▬ ▬▬▬ ▬▬▬▬ ▬▬ ▬▬▬▬▬▬
▬▬▬ ▬▬▬▬ ▬▬ ▬▬▬▬▬ ▬▬▬ ▬▬▬▬ ▬▬ ▬▬▬▬▬▬ ▬▬▬ ▬▬▬▬ ▬▬▬▬▬ ▬▬ ▬▬▬▬ ▬▬▬▬▬ ▬▬▬ ▬▬▬▬ ▬▬ ▬▬▬▬▬ ▬▬▬ ▬▬▬▬ ▬▬ ▬▬▬▬▬▬
▬▬▬ ▬▬▬▬ ▬▬ ▬▬▬▬▬ ▬▬▬ ▬▬▬▬ ▬▬ ▬▬▬▬▬▬ ▬▬▬ ▬▬▬▬ ▬▬▬▬▬ ▬▬ ▬▬▬▬ ▬▬▬▬▬ ▬▬▬ ▬▬▬▬ ▬▬ ▬▬▬▬▬ ▬▬▬ ▬▬▬▬ ▬▬ ▬▬▬▬▬▬
▬▬▬ ▬▬▬▬ ▬▬ ▬▬▬▬▬ ▬▬▬ ▬▬▬▬ ▬▬ ▬▬▬▬▬▬ ▬▬▬ ▬▬▬▬ ▬▬▬▬▬ ▬▬ ▬▬▬▬ ▬▬▬▬▬ ▬▬▬ ▬▬▬▬ ▬▬ ▬▬▬▬▬ ▬▬▬ ▬▬▬▬ ▬▬ ▬▬▬▬▬▬
▬▬▬ ▬▬▬▬ ▬▬ ▬▬▬▬▬ ▬▬▬ ▬▬▬▬ ▬▬ ▬▬▬▬▬▬ ▬▬▬ ▬▬▬▬ ▬▬▬▬▬ ▬▬ ▬▬▬▬ ▬▬▬▬▬ ▬▬▬ ▬▬▬▬ ▬▬ ▬▬▬▬▬ ▬▬▬ ▬▬▬▬ ▬▬ ▬▬▬▬▬▬
▬▬▬ ▬▬▬▬ ▬▬ ▬▬▬▬▬ ▬▬▬ ▬▬▬▬ ▬▬ ▬▬▬▬▬▬ ▬▬▬ ▬▬▬▬ ▬▬▬▬▬ ▬▬ ▬▬▬▬ ▬▬▬▬▬ ▬▬▬ ▬▬▬▬ ▬▬ ▬▬▬▬▬ ▬▬▬ ▬▬▬▬ ▬▬ ▬▬▬▬▬▬
▬▬▬ ▬▬▬▬ ▬▬ ▬▬▬▬▬ ▬▬▬ ▬▬▬▬ ▬▬ ▬▬▬▬▬▬ ▬▬▬ ▬▬▬▬ ▬▬▬▬▬ ▬▬ ▬▬▬▬ ▬▬▬▬▬ ▬▬▬ ▬▬▬▬ ▬▬ ▬▬▬▬▬ ▬▬▬ ▬▬▬▬ ▬▬ ▬▬▬▬▬▬
▬▬▬ ▬▬▬▬ ▬▬ ▬▬▬▬▬ ▬▬▬ ▬▬▬▬ ▬▬ ▬▬▬▬▬▬ ▬▬▬ ▬▬▬▬ ▬▬▬▬▬ ▬▬ ▬▬▬▬ ▬▬▬▬▬ ▬▬▬ ▬▬▬▬ ▬▬ ▬▬▬▬▬ ▬▬▬ ▬▬▬▬ ▬▬ ▬▬▬▬▬▬
▬▬▬ ▬▬▬▬ ▬▬ ▬▬▬▬▬ ▬▬▬ ▬▬▬▬ ▬▬ ▬▬▬▬▬▬ ▬▬▬ ▬▬▬▬ ▬▬▬▬▬ ▬▬ ▬▬▬▬ ▬▬▬▬▬ ▬▬▬ ▬▬▬▬ ▬▬ ▬▬▬▬▬ ▬▬▬ ▬▬▬▬ ▬▬ ▬▬▬▬▬▬
▬▬▬ ▬▬▬▬ ▬▬ ▬▬▬▬▬ ▬▬▬ ▬▬▬▬ ▬▬ ▬▬▬▬▬▬ ▬▬▬ ▬▬▬▬ ▬▬▬▬▬ ▬▬ ▬▬▬▬ ▬▬▬▬▬ ▬▬▬ ▬▬▬▬ ▬▬ ▬▬▬▬▬ ▬▬▬ ▬▬▬▬ ▬▬ ▬▬▬▬▬▬
▬▬▬ ▬▬▬▬ ▬▬ ▬▬▬▬▬ ▬▬▬ ▬▬▬▬ ▬▬ ▬▬▬▬▬▬ ▬▬▬ ▬▬▬▬ ▬▬▬▬▬ ▬▬ ▬▬▬▬ ▬▬▬▬▬ ▬▬▬ ▬▬▬▬ ▬▬ ▬▬▬▬▬ ▬▬▬ ▬▬▬▬ ▬▬ ▬▬▬▬▬▬
▬▬▬ ▬▬▬▬ ▬▬ ▬▬▬▬▬ ▬▬▬ ▬▬▬▬ ▬▬ ▬▬▬▬▬▬ ▬▬▬ ▬▬▬▬ ▬▬▬▬▬ ▬▬ ▬▬▬▬ ▬▬▬▬▬ ▬▬▬ ▬▬▬▬ ▬▬ ▬▬▬▬▬ ▬▬▬ ▬▬▬▬ ▬▬ ▬▬▬▬▬▬
▬▬▬ ▬▬▬▬ ▬▬ ▬▬▬▬▬ ▬▬▬ ▬▬▬▬ ▬▬ ▬▬▬▬▬▬ ▬▬▬ ▬▬▬▬ ▬▬▬▬▬ ▬▬ ▬▬▬▬ ▬▬▬▬▬ ▬▬▬ ▬▬▬▬ ▬▬ ▬▬▬▬▬ ▬▬▬ ▬▬▬▬ ▬▬ ▬▬▬▬▬▬
▬▬▬ ▬▬▬▬ ▬▬ ▬▬▬▬▬ ▬▬▬ ▬▬▬▬ ▬▬ ▬▬▬▬▬▬ ▬▬▬ ▬▬▬▬ ▬▬▬▬▬ ▬▬ ▬▬▬▬ ▬▬▬▬▬ ▬▬▬ ▬▬▬▬ ▬▬ ▬▬▬▬▬ ▬▬▬ ▬▬▬▬ ▬▬ ▬▬▬▬▬▬
▬▬▬ ▬▬▬▬ ▬▬ ▬▬▬▬▬ ▬▬▬ ▬▬▬▬ ▬▬ ▬▬▬▬▬▬ ▬▬▬ ▬▬▬▬ ▬▬▬▬▬ ▬▬ ▬▬▬▬ ▬▬▬▬▬ ▬▬▬ ▬▬▬▬ ▬▬ ▬▬▬▬▬ ▬▬▬ ▬▬▬▬ ▬▬ ▬▬▬▬▬▬
▬▬▬ ▬▬▬▬ ▬▬ ▬▬▬▬▬ ▬▬▬ ▬▬▬▬ ▬▬ ▬▬▬▬▬▬ ▬▬▬ ▬▬▬▬ ▬▬▬▬▬ ▬▬ ▬▬▬▬ ▬▬▬▬▬ ▬▬▬ ▬▬▬▬ ▬▬ ▬▬▬▬▬ ▬▬▬ ▬▬▬▬ ▬▬ ▬▬▬▬▬▬
▬▬▬ ▬▬▬▬ ▬▬ ▬▬▬▬▬ ▬▬▬ ▬▬▬▬ ▬▬ ▬▬▬▬▬▬ ▬▬▬ ▬▬▬▬ ▬▬▬▬▬ ▬▬ ▬▬▬▬ ▬▬▬▬▬ ▬▬▬ ▬▬▬▬ ▬▬ ▬▬▬▬▬ ▬▬▬ ▬▬▬▬ ▬▬ ▬▬▬▬▬▬
▬▬▬ ▬▬▬▬ ▬▬ ▬▬▬▬▬ ▬▬▬ ▬▬▬▬ ▬▬ ▬▬▬▬▬▬ ▬▬▬ ▬▬▬▬ ▬▬▬▬▬ ▬▬ ▬▬▬▬ ▬▬▬▬▬ ▬▬▬ ▬▬▬▬ ▬▬ ▬▬▬▬▬ ▬▬▬ ▬▬▬▬ ▬▬ ▬▬▬▬▬▬
▬▬▬ ▬▬▬▬ ▬▬ ▬▬▬▬▬ ▬▬▬ ▬▬▬▬ ▬▬ ▬▬▬▬▬▬ ▬▬▬ ▬▬▬▬ ▬▬▬▬▬ ▬▬ ▬▬▬▬ ▬▬▬▬▬ ▬▬▬ ▬▬▬▬ ▬▬ ▬▬▬▬▬ ▬▬▬ ▬▬▬▬ ▬▬ ▬▬▬▬▬▬
▬▬▬ ▬▬▬▬ ▬▬ ▬▬▬▬▬ ▬▬▬ ▬▬▬▬ ▬▬ ▬▬▬▬▬▬ ▬▬▬ ▬▬▬▬ ▬▬▬▬▬ ▬▬ ▬▬▬▬ ▬▬▬▬▬ ▬▬▬ ▬▬▬▬ ▬▬ ▬▬▬▬▬ ▬▬▬ ▬▬▬▬ ▬▬ ▬▬▬▬▬▬
▬▬▬ ▬▬▬▬ ▬▬ ▬▬▬▬▬ ▬▬▬ ▬▬▬▬ ▬▬ ▬▬▬▬▬▬ ▬▬▬ ▬▬▬▬ ▬▬▬▬▬ ▬▬ ▬▬▬▬ ▬▬▬▬▬ ▬▬▬ ▬▬▬▬ ▬▬ ▬▬▬▬▬ ▬▬▬ ▬▬▬▬ ▬▬ ▬▬▬▬▬▬
▬▬▬ ▬▬▬▬ ▬▬ ▬▬▬▬▬ ▬▬▬ ▬▬▬▬ ▬▬ ▬▬▬▬▬▬ ▬▬▬ ▬▬▬▬ ▬▬▬▬▬ ▬▬ ▬▬▬▬ ▬▬▬▬▬ ▬▬▬ ▬▬▬▬ ▬▬ ▬▬▬▬▬ ▬▬▬ ▬▬▬▬ ▬▬ ▬▬▬▬▬▬
▬▬▬ ▬▬▬▬ ▬▬ ▬▬▬▬▬ ▬▬▬ ▬▬▬▬ ▬▬ ▬▬▬▬▬▬ ▬▬▬ ▬▬▬▬ ▬▬▬▬▬ ▬▬ ▬▬▬▬ ▬▬▬▬▬ ▬▬▬ ▬▬▬▬ ▬▬ ▬▬▬▬▬ ▬▬▬ ▬▬▬▬ ▬▬ ▬▬▬▬▬▬
▬▬▬ ▬▬▬▬ ▬▬ ▬▬▬▬▬ ▬▬▬ ▬▬▬▬ ▬▬ ▬▬▬▬▬▬ ▬▬▬ ▬▬▬▬ ▬▬▬▬▬ ▬▬ ▬▬▬▬ ▬▬▬▬▬ ▬▬▬ ▬▬▬▬ ▬▬ ▬▬▬▬▬ ▬▬▬ ▬▬▬▬ ▬▬ ▬▬▬▬▬▬
▬▬▬ ▬▬▬▬ ▬▬ ▬▬▬▬▬ ▬▬▬ ▬▬▬▬ ▬▬ ▬▬▬▬▬▬ ▬▬▬ ▬▬▬▬ ▬▬▬▬▬ ▬▬ ▬▬▬▬ ▬▬▬▬▬ ▬▬▬ ▬▬▬▬ ▬▬ ▬▬▬▬▬ ▬▬▬ ▬▬▬▬ ▬▬ ▬▬▬▬▬▬
▬▬▬ ▬▬▬▬ ▬▬ ▬▬▬▬▬ ▬▬▬ ▬▬▬▬ ▬▬ ▬▬▬▬▬▬ ▬▬▬ ▬▬▬▬ ▬▬▬▬▬ ▬▬ ▬▬▬▬ ▬▬▬▬▬ ▬▬▬ ▬▬▬▬ ▬▬ ▬▬▬▬▬ ▬▬▬ ▬▬▬▬ ▬▬ ▬▬▬▬▬▬
▬▬▬ ▬▬▬▬ ▬▬ ▬▬▬▬▬ ▬▬▬ ▬▬▬▬ ▬▬ ▬▬▬▬▬▬ ▬▬▬ ▬▬▬▬ ▬▬▬▬▬ ▬▬ ▬▬▬▬ ▬▬▬▬▬ ▬▬▬ ▬▬▬▬ ▬▬ ▬▬▬▬▬ ▬▬▬ ▬▬▬▬ ▬▬ ▬▬▬▬▬▬
▬▬▬ ▬▬▬▬ ▬▬ ▬▬▬▬▬ ▬▬▬ ▬▬▬▬ ▬▬ ▬▬▬▬▬▬ ▬▬▬ ▬▬▬▬ ▬▬▬▬▬ ▬▬ ▬▬▬▬ ▬▬▬▬▬ ▬▬▬ ▬▬▬▬ ▬▬ ▬▬▬▬▬ ▬▬▬ ▬▬▬▬ ▬▬ ▬▬▬▬▬▬
▬▬▬ ▬▬▬▬ ▬▬ ▬▬▬▬▬ ▬▬▬ ▬▬▬▬ ▬▬ ▬▬▬▬▬▬ ▬▬▬ ▬▬▬▬ ▬▬▬▬▬ ▬▬ ▬▬▬▬ ▬▬▬▬▬ ▬▬▬ ▬▬▬▬ ▬▬ ▬▬▬▬▬ ▬▬▬ ▬▬▬▬ ▬▬ ▬▬▬▬▬▬
▬▬▬ ▬▬▬▬ ▬▬ ▬▬▬▬▬ ▬▬▬ ▬▬▬▬ ▬▬ ▬▬▬▬▬▬ ▬▬▬ ▬▬▬▬ ▬▬▬▬▬ ▬▬ ▬▬▬▬ ▬▬▬▬▬ ▬▬▬ ▬▬▬▬ ▬▬ ▬▬▬▬▬ ▬▬▬ ▬▬▬▬ ▬▬ ▬▬▬▬▬▬
▬▬▬ ▬▬▬▬ ▬▬ ▬▬▬▬▬ ▬▬▬ ▬▬▬▬ ▬▬ ▬▬▬▬▬▬ ▬▬▬ ▬▬▬▬ ▬▬▬▬▬ ▬▬ ▬▬▬▬ ▬▬▬▬▬ ▬▬▬ ▬▬▬▬ ▬▬ ▬▬▬▬▬ ▬▬▬ ▬▬▬▬ ▬▬ ▬▬▬▬▬▬
▬▬▬ ▬▬▬▬ ▬▬ ▬▬▬▬▬ ▬▬▬ ▬▬▬▬ ▬▬ ▬▬▬▬▬▬ ▬▬▬ ▬▬▬▬ ▬▬▬▬▬ ▬▬ ▬▬▬▬ ▬▬▬▬▬ ▬▬▬ ▬▬▬▬ ▬▬ ▬▬▬▬▬ ▬▬▬ ▬▬▬▬ ▬▬ ▬▬▬▬▬▬
▬▬▬ ▬▬▬▬ ▬▬ ▬▬▬▬▬ ▬▬▬ ▬▬▬▬ ▬▬ ▬▬▬▬▬▬ ▬▬▬ ▬▬▬▬ ▬▬▬▬▬ ▬▬ ▬▬▬▬ ▬▬▬▬▬ ▬▬▬ ▬▬▬▬ ▬▬ ▬▬▬▬▬ ▬▬▬ ▬▬▬▬ ▬▬ ▬▬▬▬▬▬
▬▬▬ ▬▬▬▬ ▬▬ ▬▬▬▬▬ ▬▬▬ ▬▬▬▬ ▬▬ ▬▬▬▬▬▬ ▬▬▬ ▬▬▬▬ ▬▬▬▬▬ ▬▬ ▬▬▬▬ ▬▬▬▬▬ ▬▬▬ ▬▬▬▬ ▬▬ ▬▬▬▬▬ ▬▬▬ ▬▬▬▬ ▬▬ ▬▬▬▬▬▬
▬▬▬ ▬▬▬▬ ▬▬ ▬▬▬▬▬ ▬▬▬ ▬▬▬▬ ▬▬ ▬▬▬▬▬▬ ▬▬▬ ▬▬▬▬ ▬▬▬▬▬ ▬▬ ▬▬▬▬ ▬▬▬▬▬ ▬▬▬ ▬▬▬▬ ▬▬ ▬▬▬▬▬ ▬▬▬ ▬▬▬▬ ▬▬ ▬▬▬▬▬▬
▬▬▬ ▬▬▬▬ ▬▬ ▬▬▬▬▬ ▬▬▬ ▬▬▬▬ ▬▬ ▬▬▬▬▬▬ ▬▬▬ ▬▬▬▬ ▬▬▬▬▬ ▬▬ ▬▬▬▬ ▬▬▬▬▬ ▬▬▬ ▬▬▬▬ ▬▬ ▬▬▬▬▬ ▬▬▬ ▬▬▬▬ ▬▬ ▬▬▬▬▬▬
▬▬▬ ▬▬▬▬ ▬▬ ▬▬▬▬▬ ▬▬▬ ▬▬▬▬ ▬▬ ▬▬▬▬▬▬ ▬▬▬ ▬▬▬▬ ▬▬▬▬▬ ▬▬ ▬▬▬▬ ▬▬▬▬▬ ▬▬▬ ▬▬▬▬ ▬▬ ▬▬▬▬▬ ▬▬▬ ▬▬▬▬ ▬▬ ▬▬▬▬▬▬
▬▬▬ ▬▬▬▬ ▬▬ ▬▬▬▬▬ ▬▬▬ ▬▬▬▬ ▬▬ ▬▬▬▬▬▬ ▬▬▬ ▬▬▬▬ ▬▬▬▬▬ ▬▬ ▬▬▬▬ ▬▬▬▬▬ ▬▬▬ ▬▬▬▬ ▬▬ ▬▬▬▬▬ ▬▬▬ ▬▬▬▬ ▬▬ ▬▬▬▬▬▬
▬▬▬ ▬▬▬▬ ▬▬ ▬▬▬▬▬ ▬▬▬ ▬▬▬▬ ▬▬ ▬▬▬▬▬▬ ▬▬▬ ▬▬▬▬ ▬▬▬▬▬ ▬▬ ▬▬▬▬ ▬▬▬▬▬ ▬▬▬ ▬▬▬▬ ▬▬ ▬▬▬▬▬ ▬▬▬ ▬▬▬▬ ▬▬ ▬▬▬▬▬▬
▬▬▬ ▬▬▬▬ ▬▬ ▬▬▬▬▬ ▬▬▬ ▬▬▬▬ ▬▬ ▬▬▬▬▬▬ ▬▬▬ ▬▬▬▬ ▬▬▬▬▬ ▬▬ ▬▬▬▬ ▬▬▬▬▬ ▬▬▬ ▬▬▬▬ ▬▬ ▬▬▬▬▬ ▬▬▬ ▬▬▬▬ ▬▬ ▬▬▬▬▬▬
▬▬▬ ▬▬▬▬ ▬▬ ▬▬▬▬▬ ▬▬▬ ▬▬▬▬ ▬▬ ▬▬▬▬▬▬ ▬▬▬ ▬▬▬▬ ▬▬▬▬▬ ▬▬ ▬▬▬▬ ▬▬▬▬▬ ▬▬▬ ▬▬▬▬ ▬▬ ▬▬▬▬▬ ▬▬▬ ▬▬▬▬ ▬▬ ▬▬▬▬▬▬
▬▬▬ ▬▬▬▬ ▬▬ ▬▬▬▬▬ ▬▬▬ ▬▬▬▬ ▬▬ ▬▬▬▬▬▬ ▬▬▬ ▬▬▬▬ ▬▬▬▬▬ ▬▬ ▬▬▬▬ ▬▬▬▬▬ ▬▬▬ ▬▬▬▬ ▬▬ ▬▬▬▬▬ ▬▬▬ ▬▬▬▬ ▬▬ ▬▬▬▬▬▬
▬▬▬ ▬▬▬▬ ▬▬ ▬▬▬▬▬ ▬▬▬ ▬▬▬▬ ▬▬ ▬▬▬▬▬▬ ▬▬▬ ▬▬▬▬ ▬▬▬▬▬ ▬▬ ▬▬▬▬ ▬▬▬▬▬ ▬▬▬ ▬▬▬▬ ▬▬ ▬▬▬▬▬ ▬▬▬ ▬▬▬▬ ▬▬ ▬▬▬▬▬▬
▬▬▬ ▬▬▬▬ ▬▬ ▬▬▬▬▬ ▬▬▬ ▬▬▬▬ ▬▬ ▬▬▬▬▬▬ ▬▬▬ ▬▬▬▬ ▬▬▬▬▬ ▬▬ ▬▬▬▬ ▬▬▬▬▬ ▬▬▬ ▬▬▬▬ ▬▬ ▬▬▬▬▬ ▬▬▬ ▬▬▬▬ ▬▬ ▬▬▬▬▬▬
▬▬▬ ▬▬▬▬ ▬▬ ▬▬▬▬▬ ▬▬▬ ▬▬▬▬ ▬▬ ▬▬▬▬▬▬ ▬▬▬ ▬▬▬▬ ▬▬▬▬▬ ▬▬ ▬▬▬▬ ▬▬▬▬▬ ▬▬▬ ▬▬▬▬ ▬▬ ▬▬▬▬▬ ▬▬▬ ▬▬▬▬ ▬▬ ▬▬▬▬▬▬
▬▬▬ ▬▬▬▬ ▬▬ ▬▬▬▬▬ ▬▬▬ ▬▬▬▬ ▬▬ ▬▬▬▬▬▬ ▬▬▬ ▬▬▬▬ ▬▬▬▬▬ ▬▬ ▬▬▬▬ ▬▬▬▬▬ ▬▬▬ ▬▬▬▬ ▬▬ ▬▬▬▬▬ ▬▬▬ ▬▬▬▬ ▬▬ ▬▬▬▬▬▬
▬▬▬ ▬▬▬▬ ▬▬ ▬▬▬▬▬ ▬▬▬ ▬▬▬▬ ▬▬ ▬▬▬▬▬▬ ▬▬▬ ▬▬▬▬ ▬▬▬▬▬ ▬▬ ▬▬▬▬ ▬▬▬▬▬ ▬▬▬ ▬▬▬▬ ▬▬ ▬▬▬▬▬ ▬▬▬ ▬▬▬▬ ▬▬ ▬▬▬▬▬▬
▬▬▬ ▬▬▬▬ ▬▬ ▬▬▬▬▬ ▬▬▬ ▬▬▬▬ ▬▬ ▬▬▬▬▬▬ ▬▬▬ ▬▬▬▬ ▬▬▬▬▬ ▬▬ ▬▬▬▬ ▬▬▬▬▬ ▬▬▬ ▬▬▬▬ ▬▬ ▬▬▬▬▬ ▬▬▬ ▬▬▬▬ ▬▬ ▬▬▬▬▬▬
▬▬▬ ▬▬▬▬ ▬▬ ▬▬▬▬▬ ▬▬▬ ▬▬▬▬ ▬▬ ▬▬▬▬▬▬ ▬▬▬ ▬▬▬▬ ▬▬▬▬▬ ▬▬ ▬▬▬▬ ▬▬▬▬▬ ▬▬▬ ▬▬▬▬ ▬▬ ▬▬▬▬▬ ▬▬▬ ▬▬▬▬ ▬▬ ▬▬▬▬▬▬
▬▬▬ ▬▬▬▬ ▬▬ ▬▬▬▬▬ ▬▬▬ ▬▬▬▬ ▬▬ ▬▬▬▬▬▬ ▬▬▬ ▬▬▬▬ ▬▬▬▬▬ ▬▬ ▬▬▬▬ ▬▬▬▬▬ ▬▬▬ ▬▬▬▬ ▬▬ ▬▬▬▬▬ ▬▬▬ ▬▬▬▬ ▬▬ ▬▬▬▬▬▬
▬▬▬ ▬▬▬▬ ▬▬ ▬▬▬▬▬ ▬▬▬ ▬▬▬▬ ▬▬ ▬▬▬▬▬▬ ▬▬▬ ▬▬▬▬ ▬▬▬▬▬ ▬▬ ▬▬▬▬ ▬▬▬▬▬ ▬▬▬ ▬▬▬▬ ▬▬ ▬▬▬▬▬ ▬▬▬ ▬▬▬▬ ▬▬ ▬▬▬▬▬▬
▬▬▬ ▬▬▬▬ ▬▬ ▬▬▬▬▬ ▬▬▬ ▬▬▬▬ ▬▬ ▬▬▬▬▬▬ ▬▬▬ ▬▬▬▬ ▬▬▬▬▬ ▬▬ ▬▬▬▬ ▬▬▬▬▬ ▬▬▬ ▬▬▬▬ ▬▬ ▬▬▬▬▬ ▬▬▬ ▬▬▬▬ ▬▬ ▬▬▬▬▬▬
▬▬▬ ▬▬▬▬ ▬▬ ▬▬▬▬▬ ▬▬▬ ▬▬▬▬ ▬▬ ▬▬▬▬▬▬ ▬▬▬ ▬▬▬▬ ▬▬▬▬▬ ▬▬ ▬▬▬▬ ▬▬▬▬▬ ▬▬▬ ▬▬▬▬ ▬▬ ▬▬▬▬▬ ▬▬▬ ▬▬▬▬ ▬▬ ▬▬▬▬▬▬
▬▬▬ ▬▬▬▬ ▬▬ ▬▬▬▬▬ ▬▬▬ ▬▬▬▬ ▬▬ ▬▬▬▬▬▬ ▬▬▬ ▬▬▬▬ ▬▬▬▬▬ ▬▬ ▬▬▬▬ ▬▬▬▬▬ ▬▬▬ ▬▬▬▬ ▬▬ ▬▬▬▬▬ ▬▬▬ ▬▬▬▬ ▬▬ ▬▬▬▬▬▬
▬▬▬ ▬▬▬▬ ▬▬ ▬▬▬▬▬ ▬▬▬ ▬▬▬▬ ▬▬ ▬▬▬▬▬▬ ▬▬▬ ▬▬▬▬ ▬▬▬▬▬ ▬▬ ▬▬▬▬ ▬▬▬▬▬ ▬▬▬ ▬▬▬▬ ▬▬ ▬▬▬▬▬ ▬▬▬ ▬▬▬▬ ▬▬ ▬▬▬▬▬▬
Farmakodynamické vlastnosti
▬▬▬ ▬▬▬▬ ▬▬ ▬▬▬▬▬ ▬▬▬ ▬▬▬▬ ▬▬ ▬▬▬▬▬▬ ▬▬▬ ▬▬▬▬ ▬▬▬▬▬ ▬▬ ▬▬▬▬ ▬▬▬▬▬ ▬▬▬ ▬▬▬▬ ▬▬ ▬▬▬▬▬ ▬▬▬ ▬▬▬▬ ▬▬ ▬▬▬▬▬▬
▬▬▬ ▬▬▬▬ ▬▬ ▬▬▬▬▬ ▬▬▬ ▬▬▬▬ ▬▬ ▬▬▬▬▬▬ ▬▬▬ ▬▬▬▬ ▬▬▬▬▬ ▬▬ ▬▬▬▬ ▬▬▬▬▬ ▬▬▬ ▬▬▬▬ ▬▬ ▬▬▬▬▬ ▬▬▬ ▬▬▬▬ ▬▬ ▬▬▬▬▬▬
▬▬▬ ▬▬▬▬ ▬▬ ▬▬▬▬▬ ▬▬▬ ▬▬▬▬ ▬▬ ▬▬▬▬▬▬ ▬▬▬ ▬▬▬▬ ▬▬▬▬▬ ▬▬ ▬▬▬▬ ▬▬▬▬▬ ▬▬▬ ▬▬▬▬ ▬▬ ▬▬▬▬▬ ▬▬▬ ▬▬▬▬ ▬▬ ▬▬▬▬▬▬
▬▬▬ ▬▬▬▬ ▬▬ ▬▬▬▬▬ ▬▬▬ ▬▬▬▬ ▬▬ ▬▬▬▬▬▬ ▬▬▬ ▬▬▬▬ ▬▬▬▬▬ ▬▬ ▬▬▬▬ ▬▬▬▬▬ ▬▬▬ ▬▬▬▬ ▬▬ ▬▬▬▬▬ ▬▬▬ ▬▬▬▬ ▬▬ ▬▬▬▬▬▬
▬▬▬ ▬▬▬▬ ▬▬ ▬▬▬▬▬ ▬▬▬ ▬▬▬▬ ▬▬ ▬▬▬▬▬▬ ▬▬▬ ▬▬▬▬ ▬▬▬▬▬ ▬▬ ▬▬▬▬ ▬▬▬▬▬ ▬▬▬ ▬▬▬▬ ▬▬ ▬▬▬▬▬ ▬▬▬ ▬▬▬▬ ▬▬ ▬▬▬▬▬▬
▬▬▬ ▬▬▬▬ ▬▬ ▬▬▬▬▬ ▬▬▬ ▬▬▬▬ ▬▬ ▬▬▬▬▬▬ ▬▬▬ ▬▬▬▬ ▬▬▬▬▬ ▬▬ ▬▬▬▬ ▬▬▬▬▬ ▬▬▬ ▬▬▬▬ ▬▬ ▬▬▬▬▬ ▬▬▬ ▬▬▬▬ ▬▬ ▬▬▬▬▬▬
▬▬▬ ▬▬▬▬ ▬▬ ▬▬▬▬▬ ▬▬▬ ▬▬▬▬ ▬▬ ▬▬▬▬▬▬ ▬▬▬ ▬▬▬▬ ▬▬▬▬▬ ▬▬ ▬▬▬▬ ▬▬▬▬▬ ▬▬▬ ▬▬▬▬ ▬▬ ▬▬▬▬▬ ▬▬▬ ▬▬▬▬ ▬▬ ▬▬▬▬▬▬
▬▬▬ ▬▬▬▬ ▬▬ ▬▬▬▬▬ ▬▬▬ ▬▬▬▬ ▬▬ ▬▬▬▬▬▬ ▬▬▬ ▬▬▬▬ ▬▬▬▬▬ ▬▬ ▬▬▬▬ ▬▬▬▬▬ ▬▬▬ ▬▬▬▬ ▬▬ ▬▬▬▬▬ ▬▬▬ ▬▬▬▬ ▬▬ ▬▬▬▬▬▬
▬▬▬ ▬▬▬▬ ▬▬ ▬▬▬▬▬ ▬▬▬ ▬▬▬▬ ▬▬ ▬▬▬▬▬▬ ▬▬▬ ▬▬▬▬ ▬▬▬▬▬ ▬▬ ▬▬▬▬ ▬▬▬▬▬ ▬▬▬ ▬▬▬▬ ▬▬ ▬▬▬▬▬ ▬▬▬ ▬▬▬▬ ▬▬ ▬▬▬▬▬▬
▬▬▬ ▬▬▬▬ ▬▬ ▬▬▬▬▬ ▬▬▬ ▬▬▬▬ ▬▬ ▬▬▬▬▬▬ ▬▬▬ ▬▬▬▬ ▬▬▬▬▬ ▬▬ ▬▬▬▬ ▬▬▬▬▬ ▬▬▬ ▬▬▬▬ ▬▬ ▬▬▬▬▬ ▬▬▬ ▬▬▬▬ ▬▬ ▬▬▬▬▬▬
▬▬▬ ▬▬▬▬ ▬▬ ▬▬▬▬▬ ▬▬▬ ▬▬▬▬ ▬▬ ▬▬▬▬▬▬ ▬▬▬ ▬▬▬▬ ▬▬▬▬▬ ▬▬ ▬▬▬▬ ▬▬▬▬▬ ▬▬▬ ▬▬▬▬ ▬▬ ▬▬▬▬▬ ▬▬▬ ▬▬▬▬ ▬▬ ▬▬▬▬▬▬
▬▬▬ ▬▬▬▬ ▬▬ ▬▬▬▬▬ ▬▬▬ ▬▬▬▬ ▬▬ ▬▬▬▬▬▬ ▬▬▬ ▬▬▬▬ ▬▬▬▬▬ ▬▬ ▬▬▬▬ ▬▬▬▬▬ ▬▬▬ ▬▬▬▬ ▬▬ ▬▬▬▬▬ ▬▬▬ ▬▬▬▬ ▬▬ ▬▬▬▬▬▬
▬▬▬ ▬▬▬▬ ▬▬ ▬▬▬▬▬ ▬▬▬ ▬▬▬▬ ▬▬ ▬▬▬▬▬▬ ▬▬▬ ▬▬▬▬ ▬▬▬▬▬ ▬▬ ▬▬▬▬ ▬▬▬▬▬ ▬▬▬ ▬▬▬▬ ▬▬ ▬▬▬▬▬ ▬▬▬ ▬▬▬▬ ▬▬ ▬▬▬▬▬▬
▬▬▬ ▬▬▬▬ ▬▬ ▬▬▬▬▬ ▬▬▬ ▬▬▬▬ ▬▬ ▬▬▬▬▬▬ ▬▬▬ ▬▬▬▬ ▬▬▬▬▬ ▬▬ ▬▬▬▬ ▬▬▬▬▬ ▬▬▬ ▬▬▬▬ ▬▬ ▬▬▬▬▬ ▬▬▬ ▬▬▬▬ ▬▬ ▬▬▬▬▬▬
▬▬▬ ▬▬▬▬ ▬▬ ▬▬▬▬▬ ▬▬▬ ▬▬▬▬ ▬▬ ▬▬▬▬▬▬ ▬▬▬ ▬▬▬▬ ▬▬▬▬▬ ▬▬ ▬▬▬▬ ▬▬▬▬▬ ▬▬▬ ▬▬▬▬ ▬▬ ▬▬▬▬▬ ▬▬▬ ▬▬▬▬ ▬▬ ▬▬▬▬▬▬
▬▬▬ ▬▬▬▬ ▬▬ ▬▬▬▬▬ ▬▬▬ ▬▬▬▬ ▬▬ ▬▬▬▬▬▬ ▬▬▬ ▬▬▬▬ ▬▬▬▬▬ ▬▬ ▬▬▬▬ ▬▬▬▬▬ ▬▬▬ ▬▬▬▬ ▬▬ ▬▬▬▬▬ ▬▬▬ ▬▬▬▬ ▬▬ ▬▬▬▬▬▬
▬▬▬ ▬▬▬▬ ▬▬ ▬▬▬▬▬ ▬▬▬ ▬▬▬▬ ▬▬ ▬▬▬▬▬▬ ▬▬▬ ▬▬▬▬ ▬▬▬▬▬ ▬▬ ▬▬▬▬ ▬▬▬▬▬ ▬▬▬ ▬▬▬▬ ▬▬ ▬▬▬▬▬ ▬▬▬ ▬▬▬▬ ▬▬ ▬▬▬▬▬▬
▬▬▬ ▬▬▬▬ ▬▬ ▬▬▬▬▬ ▬▬▬ ▬▬▬▬ ▬▬ ▬▬▬▬▬▬ ▬▬▬ ▬▬▬▬ ▬▬▬▬▬ ▬▬ ▬▬▬▬ ▬▬▬▬▬ ▬▬▬ ▬▬▬▬ ▬▬ ▬▬▬▬▬ ▬▬▬ ▬▬▬▬ ▬▬ ▬▬▬▬▬▬
▬▬▬ ▬▬▬▬ ▬▬ ▬▬▬▬▬ ▬▬▬ ▬▬▬▬ ▬▬ ▬▬▬▬▬▬ ▬▬▬ ▬▬▬▬ ▬▬▬▬▬ ▬▬ ▬▬▬▬ ▬▬▬▬▬ ▬▬▬ ▬▬▬▬ ▬▬ ▬▬▬▬▬ ▬▬▬ ▬▬▬▬ ▬▬ ▬▬▬▬▬▬
▬▬▬ ▬▬▬▬ ▬▬ ▬▬▬▬▬ ▬▬▬ ▬▬▬▬ ▬▬ ▬▬▬▬▬▬ ▬▬▬ ▬▬▬▬ ▬▬▬▬▬ ▬▬ ▬▬▬▬ ▬▬▬▬▬ ▬▬▬ ▬▬▬▬ ▬▬ ▬▬▬▬▬ ▬▬▬ ▬▬▬▬ ▬▬ ▬▬▬▬▬▬
▬▬▬ ▬▬▬▬ ▬▬ ▬▬▬▬▬ ▬▬▬ ▬▬▬▬ ▬▬ ▬▬▬▬▬▬ ▬▬▬ ▬▬▬▬ ▬▬▬▬▬ ▬▬ ▬▬▬▬ ▬▬▬▬▬ ▬▬▬ ▬▬▬▬ ▬▬ ▬▬▬▬▬ ▬▬▬ ▬▬▬▬ ▬▬ ▬▬▬▬▬▬
▬▬▬ ▬▬▬▬ ▬▬ ▬▬▬▬▬ ▬▬▬ ▬▬▬▬ ▬▬ ▬▬▬▬▬▬ ▬▬▬ ▬▬▬▬ ▬▬▬▬▬ ▬▬ ▬▬▬▬ ▬▬▬▬▬ ▬▬▬ ▬▬▬▬ ▬▬ ▬▬▬▬▬ ▬▬▬ ▬▬▬▬ ▬▬ ▬▬▬▬▬▬
▬▬▬ ▬▬▬▬ ▬▬ ▬▬▬▬▬ ▬▬▬ ▬▬▬▬ ▬▬ ▬▬▬▬▬▬ ▬▬▬ ▬▬▬▬ ▬▬▬▬▬ ▬▬ ▬▬▬▬ ▬▬▬▬▬ ▬▬▬ ▬▬▬▬ ▬▬ ▬▬▬▬▬ ▬▬▬ ▬▬▬▬ ▬▬ ▬▬▬▬▬▬
▬▬▬ ▬▬▬▬ ▬▬ ▬▬▬▬▬ ▬▬▬ ▬▬▬▬ ▬▬ ▬▬▬▬▬▬ ▬▬▬ ▬▬▬▬ ▬▬▬▬▬ ▬▬ ▬▬▬▬ ▬▬▬▬▬ ▬▬▬ ▬▬▬▬ ▬▬ ▬▬▬▬▬ ▬▬▬ ▬▬▬▬ ▬▬ ▬▬▬▬▬▬
▬▬▬ ▬▬▬▬ ▬▬ ▬▬▬▬▬ ▬▬▬ ▬▬▬▬ ▬▬ ▬▬▬▬▬▬ ▬▬▬ ▬▬▬▬ ▬▬▬▬▬ ▬▬ ▬▬▬▬ ▬▬▬▬▬ ▬▬▬ ▬▬▬▬ ▬▬ ▬▬▬▬▬ ▬▬▬ ▬▬▬▬ ▬▬ ▬▬▬▬▬▬
▬▬▬ ▬▬▬▬ ▬▬ ▬▬▬▬▬ ▬▬▬ ▬▬▬▬ ▬▬ ▬▬▬▬▬▬ ▬▬▬ ▬▬▬▬ ▬▬▬▬▬ ▬▬ ▬▬▬▬ ▬▬▬▬▬ ▬▬▬ ▬▬▬▬ ▬▬ ▬▬▬▬▬ ▬▬▬ ▬▬▬▬ ▬▬ ▬▬▬▬▬▬
▬▬▬ ▬▬▬▬ ▬▬ ▬▬▬▬▬ ▬▬▬ ▬▬▬▬ ▬▬ ▬▬▬▬▬▬ ▬▬▬ ▬▬▬▬ ▬▬▬▬▬ ▬▬ ▬▬▬▬ ▬▬▬▬▬ ▬▬▬ ▬▬▬▬ ▬▬ ▬▬▬▬▬ ▬▬▬ ▬▬▬▬ ▬▬ ▬▬▬▬▬▬
▬▬▬ ▬▬▬▬ ▬▬ ▬▬▬▬▬ ▬▬▬ ▬▬▬▬ ▬▬ ▬▬▬▬▬▬ ▬▬▬ ▬▬▬▬ ▬▬▬▬▬ ▬▬ ▬▬▬▬ ▬▬▬▬▬ ▬▬▬ ▬▬▬▬ ▬▬ ▬▬▬▬▬ ▬▬▬ ▬▬▬▬ ▬▬ ▬▬▬▬▬▬
▬▬▬ ▬▬▬▬ ▬▬ ▬▬▬▬▬ ▬▬▬ ▬▬▬▬ ▬▬ ▬▬▬▬▬▬ ▬▬▬ ▬▬▬▬ ▬▬▬▬▬ ▬▬ ▬▬▬▬ ▬▬▬▬▬ ▬▬▬ ▬▬▬▬ ▬▬ ▬▬▬▬▬ ▬▬▬ ▬▬▬▬ ▬▬ ▬▬▬▬▬▬
▬▬▬ ▬▬▬▬ ▬▬ ▬▬▬▬▬ ▬▬▬ ▬▬▬▬ ▬▬ ▬▬▬▬▬▬ ▬▬▬ ▬▬▬▬ ▬▬▬▬▬ ▬▬ ▬▬▬▬ ▬▬▬▬▬ ▬▬▬ ▬▬▬▬ ▬▬ ▬▬▬▬▬ ▬▬▬ ▬▬▬▬ ▬▬ ▬▬▬▬▬▬
▬▬▬ ▬▬▬▬ ▬▬ ▬▬▬▬▬ ▬▬▬ ▬▬▬▬ ▬▬ ▬▬▬▬▬▬ ▬▬▬ ▬▬▬▬ ▬▬▬▬▬ ▬▬ ▬▬▬▬ ▬▬▬▬▬ ▬▬▬ ▬▬▬▬ ▬▬ ▬▬▬▬▬ ▬▬▬ ▬▬▬▬ ▬▬ ▬▬▬▬▬▬
▬▬▬ ▬▬▬▬ ▬▬ ▬▬▬▬▬ ▬▬▬ ▬▬▬▬ ▬▬ ▬▬▬▬▬▬ ▬▬▬ ▬▬▬▬ ▬▬▬▬▬ ▬▬ ▬▬▬▬ ▬▬▬▬▬ ▬▬▬ ▬▬▬▬ ▬▬ ▬▬▬▬▬ ▬▬▬ ▬▬▬▬ ▬▬ ▬▬▬▬▬▬
▬▬▬ ▬▬▬▬ ▬▬ ▬▬▬▬▬ ▬▬▬ ▬▬▬▬ ▬▬ ▬▬▬▬▬▬ ▬▬▬ ▬▬▬▬ ▬▬▬▬▬ ▬▬ ▬▬▬▬ ▬▬▬▬▬ ▬▬▬ ▬▬▬▬ ▬▬ ▬▬▬▬▬ ▬▬▬ ▬▬▬▬ ▬▬ ▬▬▬▬▬▬
▬▬▬ ▬▬▬▬ ▬▬ ▬▬▬▬▬ ▬▬▬ ▬▬▬▬ ▬▬ ▬▬▬▬▬▬ ▬▬▬ ▬▬▬▬ ▬▬▬▬▬ ▬▬ ▬▬▬▬ ▬▬▬▬▬ ▬▬▬ ▬▬▬▬ ▬▬ ▬▬▬▬▬ ▬▬▬ ▬▬▬▬ ▬▬ ▬▬▬▬▬▬
▬▬▬ ▬▬▬▬ ▬▬ ▬▬▬▬▬ ▬▬▬ ▬▬▬▬ ▬▬ ▬▬▬▬▬▬ ▬▬▬ ▬▬▬▬ ▬▬▬▬▬ ▬▬ ▬▬▬▬ ▬▬▬▬▬ ▬▬▬ ▬▬▬▬ ▬▬ ▬▬▬▬▬ ▬▬▬ ▬▬▬▬ ▬▬ ▬▬▬▬▬▬
▬▬▬ ▬▬▬▬ ▬▬ ▬▬▬▬▬ ▬▬▬ ▬▬▬▬ ▬▬ ▬▬▬▬▬▬ ▬▬▬ ▬▬▬▬ ▬▬▬▬▬ ▬▬ ▬▬▬▬ ▬▬▬▬▬ ▬▬▬ ▬▬▬▬ ▬▬ ▬▬▬▬▬ ▬▬▬ ▬▬▬▬ ▬▬ ▬▬▬▬▬▬
▬▬▬ ▬▬▬▬ ▬▬ ▬▬▬▬▬ ▬▬▬ ▬▬▬▬ ▬▬ ▬▬▬▬▬▬ ▬▬▬ ▬▬▬▬ ▬▬▬▬▬ ▬▬ ▬▬▬▬ ▬▬▬▬▬ ▬▬▬ ▬▬▬▬ ▬▬ ▬▬▬▬▬ ▬▬▬ ▬▬▬▬ ▬▬ ▬▬▬▬▬▬
▬▬▬ ▬▬▬▬ ▬▬ ▬▬▬▬▬ ▬▬▬ ▬▬▬▬ ▬▬ ▬▬▬▬▬▬ ▬▬▬ ▬▬▬▬ ▬▬▬▬▬ ▬▬ ▬▬▬▬ ▬▬▬▬▬ ▬▬▬ ▬▬▬▬ ▬▬ ▬▬▬▬▬ ▬▬▬ ▬▬▬▬ ▬▬ ▬▬▬▬▬▬
▬▬▬ ▬▬▬▬ ▬▬ ▬▬▬▬▬ ▬▬▬ ▬▬▬▬ ▬▬ ▬▬▬▬▬▬ ▬▬▬ ▬▬▬▬ ▬▬▬▬▬ ▬▬ ▬▬▬▬ ▬▬▬▬▬ ▬▬▬ ▬▬▬▬ ▬▬ ▬▬▬▬▬ ▬▬▬ ▬▬▬▬ ▬▬ ▬▬▬▬▬▬
▬▬▬ ▬▬▬▬ ▬▬ ▬▬▬▬▬ ▬▬▬ ▬▬▬▬ ▬▬ ▬▬▬▬▬▬ ▬▬▬ ▬▬▬▬ ▬▬▬▬▬ ▬▬ ▬▬▬▬ ▬▬▬▬▬ ▬▬▬ ▬▬▬▬ ▬▬ ▬▬▬▬▬ ▬▬▬ ▬▬▬▬ ▬▬ ▬▬▬▬▬▬
▬▬▬ ▬▬▬▬ ▬▬ ▬▬▬▬▬ ▬▬▬ ▬▬▬▬ ▬▬ ▬▬▬▬▬▬ ▬▬▬ ▬▬▬▬ ▬▬▬▬▬ ▬▬ ▬▬▬▬ ▬▬▬▬▬ ▬▬▬ ▬▬▬▬ ▬▬ ▬▬▬▬▬ ▬▬▬ ▬▬▬▬ ▬▬ ▬▬▬▬▬▬
▬▬▬ ▬▬▬▬ ▬▬ ▬▬▬▬▬ ▬▬▬ ▬▬▬▬ ▬▬ ▬▬▬▬▬▬ ▬▬▬ ▬▬▬▬ ▬▬▬▬▬ ▬▬ ▬▬▬▬ ▬▬▬▬▬ ▬▬▬ ▬▬▬▬ ▬▬ ▬▬▬▬▬ ▬▬▬ ▬▬▬▬ ▬▬ ▬▬▬▬▬▬
▬▬▬ ▬▬▬▬ ▬▬ ▬▬▬▬▬ ▬▬▬ ▬▬▬▬ ▬▬ ▬▬▬▬▬▬ ▬▬▬ ▬▬▬▬ ▬▬▬▬▬ ▬▬ ▬▬▬▬ ▬▬▬▬▬ ▬▬▬ ▬▬▬▬ ▬▬ ▬▬▬▬▬ ▬▬▬ ▬▬▬▬ ▬▬ ▬▬▬▬▬▬
▬▬▬ ▬▬▬▬ ▬▬ ▬▬▬▬▬ ▬▬▬ ▬▬▬▬ ▬▬ ▬▬▬▬▬▬ ▬▬▬ ▬▬▬▬ ▬▬▬▬▬ ▬▬ ▬▬▬▬ ▬▬▬▬▬ ▬▬▬ ▬▬▬▬ ▬▬ ▬▬▬▬▬ ▬▬▬ ▬▬▬▬ ▬▬ ▬▬▬▬▬▬
▬▬▬ ▬▬▬▬ ▬▬ ▬▬▬▬▬ ▬▬▬ ▬▬▬▬ ▬▬ ▬▬▬▬▬▬ ▬▬▬ ▬▬▬▬ ▬▬▬▬▬ ▬▬ ▬▬▬▬ ▬▬▬▬▬ ▬▬▬ ▬▬▬▬ ▬▬ ▬▬▬▬▬ ▬▬▬ ▬▬▬▬ ▬▬ ▬▬▬▬▬▬
▬▬▬ ▬▬▬▬ ▬▬ ▬▬▬▬▬ ▬▬▬ ▬▬▬▬ ▬▬ ▬▬▬▬▬▬ ▬▬▬ ▬▬▬▬ ▬▬▬▬▬ ▬▬ ▬▬▬▬ ▬▬▬▬▬ ▬▬▬ ▬▬▬▬ ▬▬ ▬▬▬▬▬ ▬▬▬ ▬▬▬▬ ▬▬ ▬▬▬▬▬▬
▬▬▬ ▬▬▬▬ ▬▬ ▬▬▬▬▬ ▬▬▬ ▬▬▬▬ ▬▬ ▬▬▬▬▬▬ ▬▬▬ ▬▬▬▬ ▬▬▬▬▬ ▬▬ ▬▬▬▬ ▬▬▬▬▬ ▬▬▬ ▬▬▬▬ ▬▬ ▬▬▬▬▬ ▬▬▬ ▬▬▬▬ ▬▬ ▬▬▬▬▬▬
▬▬▬ ▬▬▬▬ ▬▬ ▬▬▬▬▬ ▬▬▬ ▬▬▬▬ ▬▬ ▬▬▬▬▬▬ ▬▬▬ ▬▬▬▬ ▬▬▬▬▬ ▬▬ ▬▬▬▬ ▬▬▬▬▬ ▬▬▬ ▬▬▬▬ ▬▬ ▬▬▬▬▬ ▬▬▬ ▬▬▬▬ ▬▬ ▬▬▬▬▬▬
▬▬▬ ▬▬▬▬ ▬▬ ▬▬▬▬▬ ▬▬▬ ▬▬▬▬ ▬▬ ▬▬▬▬▬▬ ▬▬▬ ▬▬▬▬ ▬▬▬▬▬ ▬▬ ▬▬▬▬ ▬▬▬▬▬ ▬▬▬ ▬▬▬▬ ▬▬ ▬▬▬▬▬ ▬▬▬ ▬▬▬▬ ▬▬ ▬▬▬▬▬▬
▬▬▬ ▬▬▬▬ ▬▬ ▬▬▬▬▬ ▬▬▬ ▬▬▬▬ ▬▬ ▬▬▬▬▬▬ ▬▬▬ ▬▬▬▬ ▬▬▬▬▬ ▬▬ ▬▬▬▬ ▬▬▬▬▬ ▬▬▬ ▬▬▬▬ ▬▬ ▬▬▬▬▬ ▬▬▬ ▬▬▬▬ ▬▬ ▬▬▬▬▬▬
▬▬▬ ▬▬▬▬ ▬▬ ▬▬▬▬▬ ▬▬▬ ▬▬▬▬ ▬▬ ▬▬▬▬▬▬ ▬▬▬ ▬▬▬▬ ▬▬▬▬▬ ▬▬ ▬▬▬▬ ▬▬▬▬▬ ▬▬▬ ▬▬▬▬ ▬▬ ▬▬▬▬▬ ▬▬▬ ▬▬▬▬ ▬▬ ▬▬▬▬▬▬
▬▬▬ ▬▬▬▬ ▬▬ ▬▬▬▬▬ ▬▬▬ ▬▬▬▬ ▬▬ ▬▬▬▬▬▬ ▬▬▬ ▬▬▬▬ ▬▬▬▬▬ ▬▬ ▬▬▬▬ ▬▬▬▬▬ ▬▬▬ ▬▬▬▬ ▬▬ ▬▬▬▬▬ ▬▬▬ ▬▬▬▬ ▬▬ ▬▬▬▬▬▬
▬▬▬ ▬▬▬▬ ▬▬ ▬▬▬▬▬ ▬▬▬ ▬▬▬▬ ▬▬ ▬▬▬▬▬▬ ▬▬▬ ▬▬▬▬ ▬▬▬▬▬ ▬▬ ▬▬▬▬ ▬▬▬▬▬ ▬▬▬ ▬▬▬▬ ▬▬ ▬▬▬▬▬ ▬▬▬ ▬▬▬▬ ▬▬ ▬▬▬▬▬▬
▬▬▬ ▬▬▬▬ ▬▬ ▬▬▬▬▬ ▬▬▬ ▬▬▬▬ ▬▬ ▬▬▬▬▬▬ ▬▬▬ ▬▬▬▬ ▬▬▬▬▬ ▬▬ ▬▬▬▬ ▬▬▬▬▬ ▬▬▬ ▬▬▬▬ ▬▬ ▬▬▬▬▬ ▬▬▬ ▬▬▬▬ ▬▬ ▬▬▬▬▬▬
▬▬▬ ▬▬▬▬ ▬▬ ▬▬▬▬▬ ▬▬▬ ▬▬▬▬ ▬▬ ▬▬▬▬▬▬ ▬▬▬ ▬▬▬▬ ▬▬▬▬▬ ▬▬ ▬▬▬▬ ▬▬▬▬▬ ▬▬▬ ▬▬▬▬ ▬▬ ▬▬▬▬▬ ▬▬▬ ▬▬▬▬ ▬▬ ▬▬▬▬▬▬
▬▬▬ ▬▬▬▬ ▬▬ ▬▬▬▬▬ ▬▬▬ ▬▬▬▬ ▬▬ ▬▬▬▬▬▬ ▬▬▬ ▬▬▬▬ ▬▬▬▬▬ ▬▬ ▬▬▬▬ ▬▬▬▬▬ ▬▬▬ ▬▬▬▬ ▬▬ ▬▬▬▬▬ ▬▬▬ ▬▬▬▬ ▬▬ ▬▬▬▬▬▬
▬▬▬ ▬▬▬▬ ▬▬ ▬▬▬▬▬ ▬▬▬ ▬▬▬▬ ▬▬ ▬▬▬▬▬▬ ▬▬▬ ▬▬▬▬ ▬▬▬▬▬ ▬▬ ▬▬▬▬ ▬▬▬▬▬ ▬▬▬ ▬▬▬▬ ▬▬ ▬▬▬▬▬ ▬▬▬ ▬▬▬▬ ▬▬ ▬▬▬▬▬▬
▬▬▬ ▬▬▬▬ ▬▬ ▬▬▬▬▬ ▬▬▬ ▬▬▬▬ ▬▬ ▬▬▬▬▬▬ ▬▬▬ ▬▬▬▬ ▬▬▬▬▬ ▬▬ ▬▬▬▬ ▬▬▬▬▬ ▬▬▬ ▬▬▬▬ ▬▬ ▬▬▬▬▬ ▬▬▬ ▬▬▬▬ ▬▬ ▬▬▬▬▬▬
▬▬▬ ▬▬▬▬ ▬▬ ▬▬▬▬▬ ▬▬▬ ▬▬▬▬ ▬▬ ▬▬▬▬▬▬ ▬▬▬ ▬▬▬▬ ▬▬▬▬▬ ▬▬ ▬▬▬▬ ▬▬▬▬▬ ▬▬▬ ▬▬▬▬ ▬▬ ▬▬▬▬▬ ▬▬▬ ▬▬▬▬ ▬▬ ▬▬▬▬▬▬
▬▬▬ ▬▬▬▬ ▬▬ ▬▬▬▬▬ ▬▬▬ ▬▬▬▬ ▬▬ ▬▬▬▬▬▬ ▬▬▬ ▬▬▬▬ ▬▬▬▬▬ ▬▬ ▬▬▬▬ ▬▬▬▬▬ ▬▬▬ ▬▬▬▬ ▬▬ ▬▬▬▬▬ ▬▬▬ ▬▬▬▬ ▬▬ ▬▬▬▬▬▬
▬▬▬ ▬▬▬▬ ▬▬ ▬▬▬▬▬ ▬▬▬ ▬▬▬▬ ▬▬ ▬▬▬▬▬▬ ▬▬▬ ▬▬▬▬ ▬▬▬▬▬ ▬▬ ▬▬▬▬ ▬▬▬▬▬ ▬▬▬ ▬▬▬▬ ▬▬ ▬▬▬▬▬ ▬▬▬ ▬▬▬▬ ▬▬ ▬▬▬▬▬▬
▬▬▬ ▬▬▬▬ ▬▬ ▬▬▬▬▬ ▬▬▬ ▬▬▬▬ ▬▬ ▬▬▬▬▬▬ ▬▬▬ ▬▬▬▬ ▬▬▬▬▬ ▬▬ ▬▬▬▬ ▬▬▬▬▬ ▬▬▬ ▬▬▬▬ ▬▬ ▬▬▬▬▬ ▬▬▬ ▬▬▬▬ ▬▬ ▬▬▬▬▬▬
▬▬▬ ▬▬▬▬ ▬▬ ▬▬▬▬▬ ▬▬▬ ▬▬▬▬ ▬▬ ▬▬▬▬▬▬ ▬▬▬ ▬▬▬▬ ▬▬▬▬▬ ▬▬ ▬▬▬▬ ▬▬▬▬▬ ▬▬▬ ▬▬▬▬ ▬▬ ▬▬▬▬▬ ▬▬▬ ▬▬▬▬ ▬▬ ▬▬▬▬▬▬
▬▬▬ ▬▬▬▬ ▬▬ ▬▬▬▬▬ ▬▬▬ ▬▬▬▬ ▬▬ ▬▬▬▬▬▬ ▬▬▬ ▬▬▬▬ ▬▬▬▬▬ ▬▬ ▬▬▬▬ ▬▬▬▬▬ ▬▬▬ ▬▬▬▬ ▬▬ ▬▬▬▬▬ ▬▬▬ ▬▬▬▬ ▬▬ ▬▬▬▬▬▬
▬▬▬ ▬▬▬▬ ▬▬ ▬▬▬▬▬ ▬▬▬ ▬▬▬▬ ▬▬ ▬▬▬▬▬▬ ▬▬▬ ▬▬▬▬ ▬▬▬▬▬ ▬▬ ▬▬▬▬ ▬▬▬▬▬ ▬▬▬ ▬▬▬▬ ▬▬ ▬▬▬▬▬ ▬▬▬ ▬▬▬▬ ▬▬ ▬▬▬▬▬▬
▬▬▬ ▬▬▬▬ ▬▬ ▬▬▬▬▬ ▬▬▬ ▬▬▬▬ ▬▬ ▬▬▬▬▬▬ ▬▬▬ ▬▬▬▬ ▬▬▬▬▬ ▬▬ ▬▬▬▬ ▬▬▬▬▬ ▬▬▬ ▬▬▬▬ ▬▬ ▬▬▬▬▬ ▬▬▬ ▬▬▬▬ ▬▬ ▬▬▬▬▬▬
▬▬▬ ▬▬▬▬ ▬▬ ▬▬▬▬▬ ▬▬▬ ▬▬▬▬ ▬▬ ▬▬▬▬▬▬ ▬▬▬ ▬▬▬▬ ▬▬▬▬▬ ▬▬ ▬▬▬▬ ▬▬▬▬▬ ▬▬▬ ▬▬▬▬ ▬▬ ▬▬▬▬▬ ▬▬▬ ▬▬▬▬ ▬▬ ▬▬▬▬▬▬
▬▬▬ ▬▬▬▬ ▬▬ ▬▬▬▬▬ ▬▬▬ ▬▬▬▬ ▬▬ ▬▬▬▬▬▬ ▬▬▬ ▬▬▬▬ ▬▬▬▬▬ ▬▬ ▬▬▬▬ ▬▬▬▬▬ ▬▬▬ ▬▬▬▬ ▬▬ ▬▬▬▬▬ ▬▬▬ ▬▬▬▬ ▬▬ ▬▬▬▬▬▬
▬▬▬ ▬▬▬▬ ▬▬ ▬▬▬▬▬ ▬▬▬ ▬▬▬▬ ▬▬ ▬▬▬▬▬▬ ▬▬▬ ▬▬▬▬ ▬▬▬▬▬ ▬▬ ▬▬▬▬ ▬▬▬▬▬ ▬▬▬ ▬▬▬▬ ▬▬ ▬▬▬▬▬ ▬▬▬ ▬▬▬▬ ▬▬ ▬▬▬▬▬▬
▬▬▬ ▬▬▬▬ ▬▬ ▬▬▬▬▬ ▬▬▬ ▬▬▬▬ ▬▬ ▬▬▬▬▬▬ ▬▬▬ ▬▬▬▬ ▬▬▬▬▬ ▬▬ ▬▬▬▬ ▬▬▬▬▬ ▬▬▬ ▬▬▬▬ ▬▬ ▬▬▬▬▬ ▬▬▬ ▬▬▬▬ ▬▬ ▬▬▬▬▬▬
▬▬▬ ▬▬▬▬ ▬▬ ▬▬▬▬▬ ▬▬▬ ▬▬▬▬ ▬▬ ▬▬▬▬▬▬ ▬▬▬ ▬▬▬▬ ▬▬▬▬▬ ▬▬ ▬▬▬▬ ▬▬▬▬▬ ▬▬▬ ▬▬▬▬ ▬▬ ▬▬▬▬▬ ▬▬▬ ▬▬▬▬ ▬▬ ▬▬▬▬▬▬
▬▬▬ ▬▬▬▬ ▬▬ ▬▬▬▬▬ ▬▬▬ ▬▬▬▬ ▬▬ ▬▬▬▬▬▬ ▬▬▬ ▬▬▬▬ ▬▬▬▬▬ ▬▬ ▬▬▬▬ ▬▬▬▬▬ ▬▬▬ ▬▬▬▬ ▬▬ ▬▬▬▬▬ ▬▬▬ ▬▬▬▬ ▬▬ ▬▬▬▬▬▬
▬▬▬ ▬▬▬▬ ▬▬ ▬▬▬▬▬ ▬▬▬ ▬▬▬▬ ▬▬ ▬▬▬▬▬▬ ▬▬▬ ▬▬▬▬ ▬▬▬▬▬ ▬▬ ▬▬▬▬ ▬▬▬▬▬ ▬▬▬ ▬▬▬▬ ▬▬ ▬▬▬▬▬ ▬▬▬ ▬▬▬▬ ▬▬ ▬▬▬▬▬▬
▬▬▬ ▬▬▬▬ ▬▬ ▬▬▬▬▬ ▬▬▬ ▬▬▬▬ ▬▬ ▬▬▬▬▬▬ ▬▬▬ ▬▬▬▬ ▬▬▬▬▬ ▬▬ ▬▬▬▬ ▬▬▬▬▬ ▬▬▬ ▬▬▬▬ ▬▬ ▬▬▬▬▬ ▬▬▬ ▬▬▬▬ ▬▬ ▬▬▬▬▬▬
▬▬▬ ▬▬▬▬ ▬▬ ▬▬▬▬▬ ▬▬▬ ▬▬▬▬ ▬▬ ▬▬▬▬▬▬ ▬▬▬ ▬▬▬▬ ▬▬▬▬▬ ▬▬ ▬▬▬▬ ▬▬▬▬▬ ▬▬▬ ▬▬▬▬ ▬▬ ▬▬▬▬▬ ▬▬▬ ▬▬▬▬ ▬▬ ▬▬▬▬▬▬
▬▬▬ ▬▬▬▬ ▬▬ ▬▬▬▬▬ ▬▬▬ ▬▬▬▬ ▬▬ ▬▬▬▬▬▬ ▬▬▬ ▬▬▬▬ ▬▬▬▬▬ ▬▬ ▬▬▬▬ ▬▬▬▬▬ ▬▬▬ ▬▬▬▬ ▬▬ ▬▬▬▬▬ ▬▬▬ ▬▬▬▬ ▬▬ ▬▬▬▬▬▬
▬▬▬ ▬▬▬▬ ▬▬ ▬▬▬▬▬ ▬▬▬ ▬▬▬▬ ▬▬ ▬▬▬▬▬▬ ▬▬▬ ▬▬▬▬ ▬▬▬▬▬ ▬▬ ▬▬▬▬ ▬▬▬▬▬ ▬▬▬ ▬▬▬▬ ▬▬ ▬▬▬▬▬ ▬▬▬ ▬▬▬▬ ▬▬ ▬▬▬▬▬▬
▬▬▬ ▬▬▬▬ ▬▬ ▬▬▬▬▬ ▬▬▬ ▬▬▬▬ ▬▬ ▬▬▬▬▬▬ ▬▬▬ ▬▬▬▬ ▬▬▬▬▬ ▬▬ ▬▬▬▬ ▬▬▬▬▬ ▬▬▬ ▬▬▬▬ ▬▬ ▬▬▬▬▬ ▬▬▬ ▬▬▬▬ ▬▬ ▬▬▬▬▬▬
▬▬▬ ▬▬▬▬ ▬▬ ▬▬▬▬▬ ▬▬▬ ▬▬▬▬ ▬▬ ▬▬▬▬▬▬ ▬▬▬ ▬▬▬▬ ▬▬▬▬▬ ▬▬ ▬▬▬▬ ▬▬▬▬▬ ▬▬▬ ▬▬▬▬ ▬▬ ▬▬▬▬▬ ▬▬▬ ▬▬▬▬ ▬▬ ▬▬▬▬▬▬
▬▬▬ ▬▬▬▬ ▬▬ ▬▬▬▬▬ ▬▬▬ ▬▬▬▬ ▬▬ ▬▬▬▬▬▬ ▬▬▬ ▬▬▬▬ ▬▬▬▬▬ ▬▬ ▬▬▬▬ ▬▬▬▬▬ ▬▬▬ ▬▬▬▬ ▬▬ ▬▬▬▬▬ ▬▬▬ ▬▬▬▬ ▬▬ ▬▬▬▬▬▬
Farmakokinetické vlastnosti
▬▬▬ ▬▬▬▬ ▬▬ ▬▬▬▬▬ ▬▬▬ ▬▬▬▬ ▬▬ ▬▬▬▬▬▬ ▬▬▬ ▬▬▬▬ ▬▬▬▬▬ ▬▬ ▬▬▬▬ ▬▬▬▬▬ ▬▬▬ ▬▬▬▬ ▬▬ ▬▬▬▬▬ ▬▬▬ ▬▬▬▬ ▬▬ ▬▬▬▬▬▬
▬▬▬ ▬▬▬▬ ▬▬ ▬▬▬▬▬ ▬▬▬ ▬▬▬▬ ▬▬ ▬▬▬▬▬▬ ▬▬▬ ▬▬▬▬ ▬▬▬▬▬ ▬▬ ▬▬▬▬ ▬▬▬▬▬ ▬▬▬ ▬▬▬▬ ▬▬ ▬▬▬▬▬ ▬▬▬ ▬▬▬▬ ▬▬ ▬▬▬▬▬▬
▬▬▬ ▬▬▬▬ ▬▬ ▬▬▬▬▬ ▬▬▬ ▬▬▬▬ ▬▬ ▬▬▬▬▬▬ ▬▬▬ ▬▬▬▬ ▬▬▬▬▬ ▬▬ ▬▬▬▬ ▬▬▬▬▬ ▬▬▬ ▬▬▬▬ ▬▬ ▬▬▬▬▬ ▬▬▬ ▬▬▬▬ ▬▬ ▬▬▬▬▬▬
▬▬▬ ▬▬▬▬ ▬▬ ▬▬▬▬▬ ▬▬▬ ▬▬▬▬ ▬▬ ▬▬▬▬▬▬ ▬▬▬ ▬▬▬▬ ▬▬▬▬▬ ▬▬ ▬▬▬▬ ▬▬▬▬▬ ▬▬▬ ▬▬▬▬ ▬▬ ▬▬▬▬▬ ▬▬▬ ▬▬▬▬ ▬▬ ▬▬▬▬▬▬
▬▬▬ ▬▬▬▬ ▬▬ ▬▬▬▬▬ ▬▬▬ ▬▬▬▬ ▬▬ ▬▬▬▬▬▬ ▬▬▬ ▬▬▬▬ ▬▬▬▬▬ ▬▬ ▬▬▬▬ ▬▬▬▬▬ ▬▬▬ ▬▬▬▬ ▬▬ ▬▬▬▬▬ ▬▬▬ ▬▬▬▬ ▬▬ ▬▬▬▬▬▬
▬▬▬ ▬▬▬▬ ▬▬ ▬▬▬▬▬ ▬▬▬ ▬▬▬▬ ▬▬ ▬▬▬▬▬▬ ▬▬▬ ▬▬▬▬ ▬▬▬▬▬ ▬▬ ▬▬▬▬ ▬▬▬▬▬ ▬▬▬ ▬▬▬▬ ▬▬ ▬▬▬▬▬ ▬▬▬ ▬▬▬▬ ▬▬ ▬▬▬▬▬▬
▬▬▬ ▬▬▬▬ ▬▬ ▬▬▬▬▬ ▬▬▬ ▬▬▬▬ ▬▬ ▬▬▬▬▬▬ ▬▬▬ ▬▬▬▬ ▬▬▬▬▬ ▬▬ ▬▬▬▬ ▬▬▬▬▬ ▬▬▬ ▬▬▬▬ ▬▬ ▬▬▬▬▬ ▬▬▬ ▬▬▬▬ ▬▬ ▬▬▬▬▬▬
▬▬▬ ▬▬▬▬ ▬▬ ▬▬▬▬▬ ▬▬▬ ▬▬▬▬ ▬▬ ▬▬▬▬▬▬ ▬▬▬ ▬▬▬▬ ▬▬▬▬▬ ▬▬ ▬▬▬▬ ▬▬▬▬▬ ▬▬▬ ▬▬▬▬ ▬▬ ▬▬▬▬▬ ▬▬▬ ▬▬▬▬ ▬▬ ▬▬▬▬▬▬
▬▬▬ ▬▬▬▬ ▬▬ ▬▬▬▬▬ ▬▬▬ ▬▬▬▬ ▬▬ ▬▬▬▬▬▬ ▬▬▬ ▬▬▬▬ ▬▬▬▬▬ ▬▬ ▬▬▬▬ ▬▬▬▬▬ ▬▬▬ ▬▬▬▬ ▬▬ ▬▬▬▬▬ ▬▬▬ ▬▬▬▬ ▬▬ ▬▬▬▬▬▬
▬▬▬ ▬▬▬▬ ▬▬ ▬▬▬▬▬ ▬▬▬ ▬▬▬▬ ▬▬ ▬▬▬▬▬▬ ▬▬▬ ▬▬▬▬ ▬▬▬▬▬ ▬▬ ▬▬▬▬ ▬▬▬▬▬ ▬▬▬ ▬▬▬▬ ▬▬ ▬▬▬▬▬ ▬▬▬ ▬▬▬▬ ▬▬ ▬▬▬▬▬▬
▬▬▬ ▬▬▬▬ ▬▬ ▬▬▬▬▬ ▬▬▬ ▬▬▬▬ ▬▬ ▬▬▬▬▬▬ ▬▬▬ ▬▬▬▬ ▬▬▬▬▬ ▬▬ ▬▬▬▬ ▬▬▬▬▬ ▬▬▬ ▬▬▬▬ ▬▬ ▬▬▬▬▬ ▬▬▬ ▬▬▬▬ ▬▬ ▬▬▬▬▬▬
▬▬▬ ▬▬▬▬ ▬▬ ▬▬▬▬▬ ▬▬▬ ▬▬▬▬ ▬▬ ▬▬▬▬▬▬ ▬▬▬ ▬▬▬▬ ▬▬▬▬▬ ▬▬ ▬▬▬▬ ▬▬▬▬▬ ▬▬▬ ▬▬▬▬ ▬▬ ▬▬▬▬▬ ▬▬▬ ▬▬▬▬ ▬▬ ▬▬▬▬▬▬
▬▬▬ ▬▬▬▬ ▬▬ ▬▬▬▬▬ ▬▬▬ ▬▬▬▬ ▬▬ ▬▬▬▬▬▬ ▬▬▬ ▬▬▬▬ ▬▬▬▬▬ ▬▬ ▬▬▬▬ ▬▬▬▬▬ ▬▬▬ ▬▬▬▬ ▬▬ ▬▬▬▬▬ ▬▬▬ ▬▬▬▬ ▬▬ ▬▬▬▬▬▬
▬▬▬ ▬▬▬▬ ▬▬ ▬▬▬▬▬ ▬▬▬ ▬▬▬▬ ▬▬ ▬▬▬▬▬▬ ▬▬▬ ▬▬▬▬ ▬▬▬▬▬ ▬▬ ▬▬▬▬ ▬▬▬▬▬ ▬▬▬ ▬▬▬▬ ▬▬ ▬▬▬▬▬ ▬▬▬ ▬▬▬▬ ▬▬ ▬▬▬▬▬▬
▬▬▬ ▬▬▬▬ ▬▬ ▬▬▬▬▬ ▬▬▬ ▬▬▬▬ ▬▬ ▬▬▬▬▬▬ ▬▬▬ ▬▬▬▬ ▬▬▬▬▬ ▬▬ ▬▬▬▬ ▬▬▬▬▬ ▬▬▬ ▬▬▬▬ ▬▬ ▬▬▬▬▬ ▬▬▬ ▬▬▬▬ ▬▬ ▬▬▬▬▬▬
▬▬▬ ▬▬▬▬ ▬▬ ▬▬▬▬▬ ▬▬▬ ▬▬▬▬ ▬▬ ▬▬▬▬▬▬ ▬▬▬ ▬▬▬▬ ▬▬▬▬▬ ▬▬ ▬▬▬▬ ▬▬▬▬▬ ▬▬▬ ▬▬▬▬ ▬▬ ▬▬▬▬▬ ▬▬▬ ▬▬▬▬ ▬▬ ▬▬▬▬▬▬
▬▬▬ ▬▬▬▬ ▬▬ ▬▬▬▬▬ ▬▬▬ ▬▬▬▬ ▬▬ ▬▬▬▬▬▬ ▬▬▬ ▬▬▬▬ ▬▬▬▬▬ ▬▬ ▬▬▬▬ ▬▬▬▬▬ ▬▬▬ ▬▬▬▬ ▬▬ ▬▬▬▬▬ ▬▬▬ ▬▬▬▬ ▬▬ ▬▬▬▬▬▬
▬▬▬ ▬▬▬▬ ▬▬ ▬▬▬▬▬ ▬▬▬ ▬▬▬▬ ▬▬ ▬▬▬▬▬▬ ▬▬▬ ▬▬▬▬ ▬▬▬▬▬ ▬▬ ▬▬▬▬ ▬▬▬▬▬ ▬▬▬ ▬▬▬▬ ▬▬ ▬▬▬▬▬ ▬▬▬ ▬▬▬▬ ▬▬ ▬▬▬▬▬▬
▬▬▬ ▬▬▬▬ ▬▬ ▬▬▬▬▬ ▬▬▬ ▬▬▬▬ ▬▬ ▬▬▬▬▬▬ ▬▬▬ ▬▬▬▬ ▬▬▬▬▬ ▬▬ ▬▬▬▬ ▬▬▬▬▬ ▬▬▬ ▬▬▬▬ ▬▬ ▬▬▬▬▬ ▬▬▬ ▬▬▬▬ ▬▬ ▬▬▬▬▬▬
▬▬▬ ▬▬▬▬ ▬▬ ▬▬▬▬▬ ▬▬▬ ▬▬▬▬ ▬▬ ▬▬▬▬▬▬ ▬▬▬ ▬▬▬▬ ▬▬▬▬▬ ▬▬ ▬▬▬▬ ▬▬▬▬▬ ▬▬▬ ▬▬▬▬ ▬▬ ▬▬▬▬▬ ▬▬▬ ▬▬▬▬ ▬▬ ▬▬▬▬▬▬
▬▬▬ ▬▬▬▬ ▬▬ ▬▬▬▬▬ ▬▬▬ ▬▬▬▬ ▬▬ ▬▬▬▬▬▬ ▬▬▬ ▬▬▬▬ ▬▬▬▬▬ ▬▬ ▬▬▬▬ ▬▬▬▬▬ ▬▬▬ ▬▬▬▬ ▬▬ ▬▬▬▬▬ ▬▬▬ ▬▬▬▬ ▬▬ ▬▬▬▬▬▬
▬▬▬ ▬▬▬▬ ▬▬ ▬▬▬▬▬ ▬▬▬ ▬▬▬▬ ▬▬ ▬▬▬▬▬▬ ▬▬▬ ▬▬▬▬ ▬▬▬▬▬ ▬▬ ▬▬▬▬ ▬▬▬▬▬ ▬▬▬ ▬▬▬▬ ▬▬ ▬▬▬▬▬ ▬▬▬ ▬▬▬▬ ▬▬ ▬▬▬▬▬▬
▬▬▬ ▬▬▬▬ ▬▬ ▬▬▬▬▬ ▬▬▬ ▬▬▬▬ ▬▬ ▬▬▬▬▬▬ ▬▬▬ ▬▬▬▬ ▬▬▬▬▬ ▬▬ ▬▬▬▬ ▬▬▬▬▬ ▬▬▬ ▬▬▬▬ ▬▬ ▬▬▬▬▬ ▬▬▬ ▬▬▬▬ ▬▬ ▬▬▬▬▬▬
▬▬▬ ▬▬▬▬ ▬▬ ▬▬▬▬▬ ▬▬▬ ▬▬▬▬ ▬▬ ▬▬▬▬▬▬ ▬▬▬ ▬▬▬▬ ▬▬▬▬▬ ▬▬ ▬▬▬▬ ▬▬▬▬▬ ▬▬▬ ▬▬▬▬ ▬▬ ▬▬▬▬▬ ▬▬▬ ▬▬▬▬ ▬▬ ▬▬▬▬▬▬
▬▬▬ ▬▬▬▬ ▬▬ ▬▬▬▬▬ ▬▬▬ ▬▬▬▬ ▬▬ ▬▬▬▬▬▬ ▬▬▬ ▬▬▬▬ ▬▬▬▬▬ ▬▬ ▬▬▬▬ ▬▬▬▬▬ ▬▬▬ ▬▬▬▬ ▬▬ ▬▬▬▬▬ ▬▬▬ ▬▬▬▬ ▬▬ ▬▬▬▬▬▬
▬▬▬ ▬▬▬▬ ▬▬ ▬▬▬▬▬ ▬▬▬ ▬▬▬▬ ▬▬ ▬▬▬▬▬▬ ▬▬▬ ▬▬▬▬ ▬▬▬▬▬ ▬▬ ▬▬▬▬ ▬▬▬▬▬ ▬▬▬ ▬▬▬▬ ▬▬ ▬▬▬▬▬ ▬▬▬ ▬▬▬▬ ▬▬ ▬▬▬▬▬▬
▬▬▬ ▬▬▬▬ ▬▬ ▬▬▬▬▬ ▬▬▬ ▬▬▬▬ ▬▬ ▬▬▬▬▬▬ ▬▬▬ ▬▬▬▬ ▬▬▬▬▬ ▬▬ ▬▬▬▬ ▬▬▬▬▬ ▬▬▬ ▬▬▬▬ ▬▬ ▬▬▬▬▬ ▬▬▬ ▬▬▬▬ ▬▬ ▬▬▬▬▬▬
▬▬▬ ▬▬▬▬ ▬▬ ▬▬▬▬▬ ▬▬▬ ▬▬▬▬ ▬▬ ▬▬▬▬▬▬ ▬▬▬ ▬▬▬▬ ▬▬▬▬▬ ▬▬ ▬▬▬▬ ▬▬▬▬▬ ▬▬▬ ▬▬▬▬ ▬▬ ▬▬▬▬▬ ▬▬▬ ▬▬▬▬ ▬▬ ▬▬▬▬▬▬
▬▬▬ ▬▬▬▬ ▬▬ ▬▬▬▬▬ ▬▬▬ ▬▬▬▬ ▬▬ ▬▬▬▬▬▬ ▬▬▬ ▬▬▬▬ ▬▬▬▬▬ ▬▬ ▬▬▬▬ ▬▬▬▬▬ ▬▬▬ ▬▬▬▬ ▬▬ ▬▬▬▬▬ ▬▬▬ ▬▬▬▬ ▬▬ ▬▬▬▬▬▬
▬▬▬ ▬▬▬▬ ▬▬ ▬▬▬▬▬ ▬▬▬ ▬▬▬▬ ▬▬ ▬▬▬▬▬▬ ▬▬▬ ▬▬▬▬ ▬▬▬▬▬ ▬▬ ▬▬▬▬ ▬▬▬▬▬ ▬▬▬ ▬▬▬▬ ▬▬ ▬▬▬▬▬ ▬▬▬ ▬▬▬▬ ▬▬ ▬▬▬▬▬▬
▬▬▬ ▬▬▬▬ ▬▬ ▬▬▬▬▬ ▬▬▬ ▬▬▬▬ ▬▬ ▬▬▬▬▬▬ ▬▬▬ ▬▬▬▬ ▬▬▬▬▬ ▬▬ ▬▬▬▬ ▬▬▬▬▬ ▬▬▬ ▬▬▬▬ ▬▬ ▬▬▬▬▬ ▬▬▬ ▬▬▬▬ ▬▬ ▬▬▬▬▬▬
▬▬▬ ▬▬▬▬ ▬▬ ▬▬▬▬▬ ▬▬▬ ▬▬▬▬ ▬▬ ▬▬▬▬▬▬ ▬▬▬ ▬▬▬▬ ▬▬▬▬▬ ▬▬ ▬▬▬▬ ▬▬▬▬▬ ▬▬▬ ▬▬▬▬ ▬▬ ▬▬▬▬▬ ▬▬▬ ▬▬▬▬ ▬▬ ▬▬▬▬▬▬
▬▬▬ ▬▬▬▬ ▬▬ ▬▬▬▬▬ ▬▬▬ ▬▬▬▬ ▬▬ ▬▬▬▬▬▬ ▬▬▬ ▬▬▬▬ ▬▬▬▬▬ ▬▬ ▬▬▬▬ ▬▬▬▬▬ ▬▬▬ ▬▬▬▬ ▬▬ ▬▬▬▬▬ ▬▬▬ ▬▬▬▬ ▬▬ ▬▬▬▬▬▬
▬▬▬ ▬▬▬▬ ▬▬ ▬▬▬▬▬ ▬▬▬ ▬▬▬▬ ▬▬ ▬▬▬▬▬▬ ▬▬▬ ▬▬▬▬ ▬▬▬▬▬ ▬▬ ▬▬▬▬ ▬▬▬▬▬ ▬▬▬ ▬▬▬▬ ▬▬ ▬▬▬▬▬ ▬▬▬ ▬▬▬▬ ▬▬ ▬▬▬▬▬▬
▬▬▬ ▬▬▬▬ ▬▬ ▬▬▬▬▬ ▬▬▬ ▬▬▬▬ ▬▬ ▬▬▬▬▬▬ ▬▬▬ ▬▬▬▬ ▬▬▬▬▬ ▬▬ ▬▬▬▬ ▬▬▬▬▬ ▬▬▬ ▬▬▬▬ ▬▬ ▬▬▬▬▬ ▬▬▬ ▬▬▬▬ ▬▬ ▬▬▬▬▬▬
▬▬▬ ▬▬▬▬ ▬▬ ▬▬▬▬▬ ▬▬▬ ▬▬▬▬ ▬▬ ▬▬▬▬▬▬ ▬▬▬ ▬▬▬▬ ▬▬▬▬▬ ▬▬ ▬▬▬▬ ▬▬▬▬▬ ▬▬▬ ▬▬▬▬ ▬▬ ▬▬▬▬▬ ▬▬▬ ▬▬▬▬ ▬▬ ▬▬▬▬▬▬
▬▬▬ ▬▬▬▬ ▬▬ ▬▬▬▬▬ ▬▬▬ ▬▬▬▬ ▬▬ ▬▬▬▬▬▬ ▬▬▬ ▬▬▬▬ ▬▬▬▬▬ ▬▬ ▬▬▬▬ ▬▬▬▬▬ ▬▬▬ ▬▬▬▬ ▬▬ ▬▬▬▬▬ ▬▬▬ ▬▬▬▬ ▬▬ ▬▬▬▬▬▬
▬▬▬ ▬▬▬▬ ▬▬ ▬▬▬▬▬ ▬▬▬ ▬▬▬▬ ▬▬ ▬▬▬▬▬▬ ▬▬▬ ▬▬▬▬ ▬▬▬▬▬ ▬▬ ▬▬▬▬ ▬▬▬▬▬ ▬▬▬ ▬▬▬▬ ▬▬ ▬▬▬▬▬ ▬▬▬ ▬▬▬▬ ▬▬ ▬▬▬▬▬▬
▬▬▬ ▬▬▬▬ ▬▬ ▬▬▬▬▬ ▬▬▬ ▬▬▬▬ ▬▬ ▬▬▬▬▬▬ ▬▬▬ ▬▬▬▬ ▬▬▬▬▬ ▬▬ ▬▬▬▬ ▬▬▬▬▬ ▬▬▬ ▬▬▬▬ ▬▬ ▬▬▬▬▬ ▬▬▬ ▬▬▬▬ ▬▬ ▬▬▬▬▬▬
▬▬▬ ▬▬▬▬ ▬▬ ▬▬▬▬▬ ▬▬▬ ▬▬▬▬ ▬▬ ▬▬▬▬▬▬ ▬▬▬ ▬▬▬▬ ▬▬▬▬▬ ▬▬ ▬▬▬▬ ▬▬▬▬▬ ▬▬▬ ▬▬▬▬ ▬▬ ▬▬▬▬▬ ▬▬▬ ▬▬▬▬ ▬▬ ▬▬▬▬▬▬
▬▬▬ ▬▬▬▬ ▬▬ ▬▬▬▬▬ ▬▬▬ ▬▬▬▬ ▬▬ ▬▬▬▬▬▬ ▬▬▬ ▬▬▬▬ ▬▬▬▬▬ ▬▬ ▬▬▬▬ ▬▬▬▬▬ ▬▬▬ ▬▬▬▬ ▬▬ ▬▬▬▬▬ ▬▬▬ ▬▬▬▬ ▬▬ ▬▬▬▬▬▬
▬▬▬ ▬▬▬▬ ▬▬ ▬▬▬▬▬ ▬▬▬ ▬▬▬▬ ▬▬ ▬▬▬▬▬▬ ▬▬▬ ▬▬▬▬ ▬▬▬▬▬ ▬▬ ▬▬▬▬ ▬▬▬▬▬ ▬▬▬ ▬▬▬▬ ▬▬ ▬▬▬▬▬ ▬▬▬ ▬▬▬▬ ▬▬ ▬▬▬▬▬▬
▬▬▬ ▬▬▬▬ ▬▬ ▬▬▬▬▬ ▬▬▬ ▬▬▬▬ ▬▬ ▬▬▬▬▬▬ ▬▬▬ ▬▬▬▬ ▬▬▬▬▬ ▬▬ ▬▬▬▬ ▬▬▬▬▬ ▬▬▬ ▬▬▬▬ ▬▬ ▬▬▬▬▬ ▬▬▬ ▬▬▬▬ ▬▬ ▬▬▬▬▬▬
▬▬▬ ▬▬▬▬ ▬▬ ▬▬▬▬▬ ▬▬▬ ▬▬▬▬ ▬▬ ▬▬▬▬▬▬ ▬▬▬ ▬▬▬▬ ▬▬▬▬▬ ▬▬ ▬▬▬▬ ▬▬▬▬▬ ▬▬▬ ▬▬▬▬ ▬▬ ▬▬▬▬▬ ▬▬▬ ▬▬▬▬ ▬▬ ▬▬▬▬▬▬
▬▬▬ ▬▬▬▬ ▬▬ ▬▬▬▬▬ ▬▬▬ ▬▬▬▬ ▬▬ ▬▬▬▬▬▬ ▬▬▬ ▬▬▬▬ ▬▬▬▬▬ ▬▬ ▬▬▬▬ ▬▬▬▬▬ ▬▬▬ ▬▬▬▬ ▬▬ ▬▬▬▬▬ ▬▬▬ ▬▬▬▬ ▬▬ ▬▬▬▬▬▬
▬▬▬ ▬▬▬▬ ▬▬ ▬▬▬▬▬ ▬▬▬ ▬▬▬▬ ▬▬ ▬▬▬▬▬▬ ▬▬▬ ▬▬▬▬ ▬▬▬▬▬ ▬▬ ▬▬▬▬ ▬▬▬▬▬ ▬▬▬ ▬▬▬▬ ▬▬ ▬▬▬▬▬ ▬▬▬ ▬▬▬▬ ▬▬ ▬▬▬▬▬▬
▬▬▬ ▬▬▬▬ ▬▬ ▬▬▬▬▬ ▬▬▬ ▬▬▬▬ ▬▬ ▬▬▬▬▬▬ ▬▬▬ ▬▬▬▬ ▬▬▬▬▬ ▬▬ ▬▬▬▬ ▬▬▬▬▬ ▬▬▬ ▬▬▬▬ ▬▬ ▬▬▬▬▬ ▬▬▬ ▬▬▬▬ ▬▬ ▬▬▬▬▬▬
▬▬▬ ▬▬▬▬ ▬▬ ▬▬▬▬▬ ▬▬▬ ▬▬▬▬ ▬▬ ▬▬▬▬▬▬ ▬▬▬ ▬▬▬▬ ▬▬▬▬▬ ▬▬ ▬▬▬▬ ▬▬▬▬▬ ▬▬▬ ▬▬▬▬ ▬▬ ▬▬▬▬▬ ▬▬▬ ▬▬▬▬ ▬▬ ▬▬▬▬▬▬
▬▬▬ ▬▬▬▬ ▬▬ ▬▬▬▬▬ ▬▬▬ ▬▬▬▬ ▬▬ ▬▬▬▬▬▬ ▬▬▬ ▬▬▬▬ ▬▬▬▬▬ ▬▬ ▬▬▬▬ ▬▬▬▬▬ ▬▬▬ ▬▬▬▬ ▬▬ ▬▬▬▬▬ ▬▬▬ ▬▬▬▬ ▬▬ ▬▬▬▬▬▬
▬▬▬ ▬▬▬▬ ▬▬ ▬▬▬▬▬ ▬▬▬ ▬▬▬▬ ▬▬ ▬▬▬▬▬▬ ▬▬▬ ▬▬▬▬ ▬▬▬▬▬ ▬▬ ▬▬▬▬ ▬▬▬▬▬ ▬▬▬ ▬▬▬▬ ▬▬ ▬▬▬▬▬ ▬▬▬ ▬▬▬▬ ▬▬ ▬▬▬▬▬▬
▬▬▬ ▬▬▬▬ ▬▬ ▬▬▬▬▬ ▬▬▬ ▬▬▬▬ ▬▬ ▬▬▬▬▬▬ ▬▬▬ ▬▬▬▬ ▬▬▬▬▬ ▬▬ ▬▬▬▬ ▬▬▬▬▬ ▬▬▬ ▬▬▬▬ ▬▬ ▬▬▬▬▬ ▬▬▬ ▬▬▬▬ ▬▬ ▬▬▬▬▬▬
▬▬▬ ▬▬▬▬ ▬▬ ▬▬▬▬▬ ▬▬▬ ▬▬▬▬ ▬▬ ▬▬▬▬▬▬ ▬▬▬ ▬▬▬▬ ▬▬▬▬▬ ▬▬ ▬▬▬▬ ▬▬▬▬▬ ▬▬▬ ▬▬▬▬ ▬▬ ▬▬▬▬▬ ▬▬▬ ▬▬▬▬ ▬▬ ▬▬▬▬▬▬
▬▬▬ ▬▬▬▬ ▬▬ ▬▬▬▬▬ ▬▬▬ ▬▬▬▬ ▬▬ ▬▬▬▬▬▬ ▬▬▬ ▬▬▬▬ ▬▬▬▬▬ ▬▬ ▬▬▬▬ ▬▬▬▬▬ ▬▬▬ ▬▬▬▬ ▬▬ ▬▬▬▬▬ ▬▬▬ ▬▬▬▬ ▬▬ ▬▬▬▬▬▬
▬▬▬ ▬▬▬▬ ▬▬ ▬▬▬▬▬ ▬▬▬ ▬▬▬▬ ▬▬ ▬▬▬▬▬▬ ▬▬▬ ▬▬▬▬ ▬▬▬▬▬ ▬▬ ▬▬▬▬ ▬▬▬▬▬ ▬▬▬ ▬▬▬▬ ▬▬ ▬▬▬▬▬ ▬▬▬ ▬▬▬▬ ▬▬ ▬▬▬▬▬▬
▬▬▬ ▬▬▬▬ ▬▬ ▬▬▬▬▬ ▬▬▬ ▬▬▬▬ ▬▬ ▬▬▬▬▬▬ ▬▬▬ ▬▬▬▬ ▬▬▬▬▬ ▬▬ ▬▬▬▬ ▬▬▬▬▬ ▬▬▬ ▬▬▬▬ ▬▬ ▬▬▬▬▬ ▬▬▬ ▬▬▬▬ ▬▬ ▬▬▬▬▬▬
▬▬▬ ▬▬▬▬ ▬▬ ▬▬▬▬▬ ▬▬▬ ▬▬▬▬ ▬▬ ▬▬▬▬▬▬ ▬▬▬ ▬▬▬▬ ▬▬▬▬▬ ▬▬ ▬▬▬▬ ▬▬▬▬▬ ▬▬▬ ▬▬▬▬ ▬▬ ▬▬▬▬▬ ▬▬▬ ▬▬▬▬ ▬▬ ▬▬▬▬▬▬
▬▬▬ ▬▬▬▬ ▬▬ ▬▬▬▬▬ ▬▬▬ ▬▬▬▬ ▬▬ ▬▬▬▬▬▬ ▬▬▬ ▬▬▬▬ ▬▬▬▬▬ ▬▬ ▬▬▬▬ ▬▬▬▬▬ ▬▬▬ ▬▬▬▬ ▬▬ ▬▬▬▬▬ ▬▬▬ ▬▬▬▬ ▬▬ ▬▬▬▬▬▬
▬▬▬ ▬▬▬▬ ▬▬ ▬▬▬▬▬ ▬▬▬ ▬▬▬▬ ▬▬ ▬▬▬▬▬▬ ▬▬▬ ▬▬▬▬ ▬▬▬▬▬ ▬▬ ▬▬▬▬ ▬▬▬▬▬ ▬▬▬ ▬▬▬▬ ▬▬ ▬▬▬▬▬ ▬▬▬ ▬▬▬▬ ▬▬ ▬▬▬▬▬▬
▬▬▬ ▬▬▬▬ ▬▬ ▬▬▬▬▬ ▬▬▬ ▬▬▬▬ ▬▬ ▬▬▬▬▬▬ ▬▬▬ ▬▬▬▬ ▬▬▬▬▬ ▬▬ ▬▬▬▬ ▬▬▬▬▬ ▬▬▬ ▬▬▬▬ ▬▬ ▬▬▬▬▬ ▬▬▬ ▬▬▬▬ ▬▬ ▬▬▬▬▬▬
▬▬▬ ▬▬▬▬ ▬▬ ▬▬▬▬▬ ▬▬▬ ▬▬▬▬ ▬▬ ▬▬▬▬▬▬ ▬▬▬ ▬▬▬▬ ▬▬▬▬▬ ▬▬ ▬▬▬▬ ▬▬▬▬▬ ▬▬▬ ▬▬▬▬ ▬▬ ▬▬▬▬▬ ▬▬▬ ▬▬▬▬ ▬▬ ▬▬▬▬▬▬
Předklinické údaje vztahující se k bezpečnosti
▬▬▬ ▬▬▬▬ ▬▬ ▬▬▬▬▬ ▬▬▬ ▬▬▬▬ ▬▬ ▬▬▬▬▬▬ ▬▬▬ ▬▬▬▬ ▬▬▬▬▬ ▬▬ ▬▬▬▬ ▬▬▬▬▬ ▬▬▬ ▬▬▬▬ ▬▬ ▬▬▬▬▬ ▬▬▬ ▬▬▬▬ ▬▬ ▬▬▬▬▬▬
▬▬▬ ▬▬▬▬ ▬▬ ▬▬▬▬▬ ▬▬▬ ▬▬▬▬ ▬▬ ▬▬▬▬▬▬ ▬▬▬ ▬▬▬▬ ▬▬▬▬▬ ▬▬ ▬▬▬▬ ▬▬▬▬▬ ▬▬▬ ▬▬▬▬ ▬▬ ▬▬▬▬▬ ▬▬▬ ▬▬▬▬ ▬▬ ▬▬▬▬▬▬
▬▬▬ ▬▬▬▬ ▬▬ ▬▬▬▬▬ ▬▬▬ ▬▬▬▬ ▬▬ ▬▬▬▬▬▬ ▬▬▬ ▬▬▬▬ ▬▬▬▬▬ ▬▬ ▬▬▬▬ ▬▬▬▬▬ ▬▬▬ ▬▬▬▬ ▬▬ ▬▬▬▬▬ ▬▬▬ ▬▬▬▬ ▬▬ ▬▬▬▬▬▬
▬▬▬ ▬▬▬▬ ▬▬ ▬▬▬▬▬ ▬▬▬ ▬▬▬▬ ▬▬ ▬▬▬▬▬▬ ▬▬▬ ▬▬▬▬ ▬▬▬▬▬ ▬▬ ▬▬▬▬ ▬▬▬▬▬ ▬▬▬ ▬▬▬▬ ▬▬ ▬▬▬▬▬ ▬▬▬ ▬▬▬▬ ▬▬ ▬▬▬▬▬▬
▬▬▬ ▬▬▬▬ ▬▬ ▬▬▬▬▬ ▬▬▬ ▬▬▬▬ ▬▬ ▬▬▬▬▬▬ ▬▬▬ ▬▬▬▬ ▬▬▬▬▬ ▬▬ ▬▬▬▬ ▬▬▬▬▬ ▬▬▬ ▬▬▬▬ ▬▬ ▬▬▬▬▬ ▬▬▬ ▬▬▬▬ ▬▬ ▬▬▬▬▬▬
▬▬▬ ▬▬▬▬ ▬▬ ▬▬▬▬▬ ▬▬▬ ▬▬▬▬ ▬▬ ▬▬▬▬▬▬ ▬▬▬ ▬▬▬▬ ▬▬▬▬▬ ▬▬ ▬▬▬▬ ▬▬▬▬▬ ▬▬▬ ▬▬▬▬ ▬▬ ▬▬▬▬▬ ▬▬▬ ▬▬▬▬ ▬▬ ▬▬▬▬▬▬
▬▬▬ ▬▬▬▬ ▬▬ ▬▬▬▬▬ ▬▬▬ ▬▬▬▬ ▬▬ ▬▬▬▬▬▬ ▬▬▬ ▬▬▬▬ ▬▬▬▬▬ ▬▬ ▬▬▬▬ ▬▬▬▬▬ ▬▬▬ ▬▬▬▬ ▬▬ ▬▬▬▬▬ ▬▬▬ ▬▬▬▬ ▬▬ ▬▬▬▬▬▬
▬▬▬ ▬▬▬▬ ▬▬ ▬▬▬▬▬ ▬▬▬ ▬▬▬▬ ▬▬ ▬▬▬▬▬▬ ▬▬▬ ▬▬▬▬ ▬▬▬▬▬ ▬▬ ▬▬▬▬ ▬▬▬▬▬ ▬▬▬ ▬▬▬▬ ▬▬ ▬▬▬▬▬ ▬▬▬ ▬▬▬▬ ▬▬ ▬▬▬▬▬▬
▬▬▬ ▬▬▬▬ ▬▬ ▬▬▬▬▬ ▬▬▬ ▬▬▬▬ ▬▬ ▬▬▬▬▬▬ ▬▬▬ ▬▬▬▬ ▬▬▬▬▬ ▬▬ ▬▬▬▬ ▬▬▬▬▬ ▬▬▬ ▬▬▬▬ ▬▬ ▬▬▬▬▬ ▬▬▬ ▬▬▬▬ ▬▬ ▬▬▬▬▬▬
▬▬▬ ▬▬▬▬ ▬▬ ▬▬▬▬▬ ▬▬▬ ▬▬▬▬ ▬▬ ▬▬▬▬▬▬ ▬▬▬ ▬▬▬▬ ▬▬▬▬▬ ▬▬ ▬▬▬▬ ▬▬▬▬▬ ▬▬▬ ▬▬▬▬ ▬▬ ▬▬▬▬▬ ▬▬▬ ▬▬▬▬ ▬▬ ▬▬▬▬▬▬
▬▬▬ ▬▬▬▬ ▬▬ ▬▬▬▬▬ ▬▬▬ ▬▬▬▬ ▬▬ ▬▬▬▬▬▬ ▬▬▬ ▬▬▬▬ ▬▬▬▬▬ ▬▬ ▬▬▬▬ ▬▬▬▬▬ ▬▬▬ ▬▬▬▬ ▬▬ ▬▬▬▬▬ ▬▬▬ ▬▬▬▬ ▬▬ ▬▬▬▬▬▬
▬▬▬ ▬▬▬▬ ▬▬ ▬▬▬▬▬ ▬▬▬ ▬▬▬▬ ▬▬ ▬▬▬▬▬▬ ▬▬▬ ▬▬▬▬ ▬▬▬▬▬ ▬▬ ▬▬▬▬ ▬▬▬▬▬ ▬▬▬ ▬▬▬▬ ▬▬ ▬▬▬▬▬ ▬▬▬ ▬▬▬▬ ▬▬ ▬▬▬▬▬▬
▬▬▬ ▬▬▬▬ ▬▬ ▬▬▬▬▬ ▬▬▬ ▬▬▬▬ ▬▬ ▬▬▬▬▬▬ ▬▬▬ ▬▬▬▬ ▬▬▬▬▬ ▬▬ ▬▬▬▬ ▬▬▬▬▬ ▬▬▬ ▬▬▬▬ ▬▬ ▬▬▬▬▬ ▬▬▬ ▬▬▬▬ ▬▬ ▬▬▬▬▬▬
▬▬▬ ▬▬▬▬ ▬▬ ▬▬▬▬▬ ▬▬▬ ▬▬▬▬ ▬▬ ▬▬▬▬▬▬ ▬▬▬ ▬▬▬▬ ▬▬▬▬▬ ▬▬ ▬▬▬▬ ▬▬▬▬▬ ▬▬▬ ▬▬▬▬ ▬▬ ▬▬▬▬▬ ▬▬▬ ▬▬▬▬ ▬▬ ▬▬▬▬▬▬
▬▬▬ ▬▬▬▬ ▬▬ ▬▬▬▬▬ ▬▬▬ ▬▬▬▬ ▬▬ ▬▬▬▬▬▬ ▬▬▬ ▬▬▬▬ ▬▬▬▬▬ ▬▬ ▬▬▬▬ ▬▬▬▬▬ ▬▬▬ ▬▬▬▬ ▬▬ ▬▬▬▬▬ ▬▬▬ ▬▬▬▬ ▬▬ ▬▬▬▬▬▬
▬▬▬ ▬▬▬▬ ▬▬ ▬▬▬▬▬ ▬▬▬ ▬▬▬▬ ▬▬ ▬▬▬▬▬▬ ▬▬▬ ▬▬▬▬ ▬▬▬▬▬ ▬▬ ▬▬▬▬ ▬▬▬▬▬ ▬▬▬ ▬▬▬▬ ▬▬ ▬▬▬▬▬ ▬▬▬ ▬▬▬▬ ▬▬ ▬▬▬▬▬▬
▬▬▬ ▬▬▬▬ ▬▬ ▬▬▬▬▬ ▬▬▬ ▬▬▬▬ ▬▬ ▬▬▬▬▬▬ ▬▬▬ ▬▬▬▬ ▬▬▬▬▬ ▬▬ ▬▬▬▬ ▬▬▬▬▬ ▬▬▬ ▬▬▬▬ ▬▬ ▬▬▬▬▬ ▬▬▬ ▬▬▬▬ ▬▬ ▬▬▬▬▬▬
▬▬▬ ▬▬▬▬ ▬▬ ▬▬▬▬▬ ▬▬▬ ▬▬▬▬ ▬▬ ▬▬▬▬▬▬ ▬▬▬ ▬▬▬▬ ▬▬▬▬▬ ▬▬ ▬▬▬▬ ▬▬▬▬▬ ▬▬▬ ▬▬▬▬ ▬▬ ▬▬▬▬▬ ▬▬▬ ▬▬▬▬ ▬▬ ▬▬▬▬▬▬
▬▬▬ ▬▬▬▬ ▬▬ ▬▬▬▬▬ ▬▬▬ ▬▬▬▬ ▬▬ ▬▬▬▬▬▬ ▬▬▬ ▬▬▬▬ ▬▬▬▬▬ ▬▬ ▬▬▬▬ ▬▬▬▬▬ ▬▬▬ ▬▬▬▬ ▬▬ ▬▬▬▬▬ ▬▬▬ ▬▬▬▬ ▬▬ ▬▬▬▬▬▬
▬▬▬ ▬▬▬▬ ▬▬ ▬▬▬▬▬ ▬▬▬ ▬▬▬▬ ▬▬ ▬▬▬▬▬▬ ▬▬▬ ▬▬▬▬ ▬▬▬▬▬ ▬▬ ▬▬▬▬ ▬▬▬▬▬ ▬▬▬ ▬▬▬▬ ▬▬ ▬▬▬▬▬ ▬▬▬ ▬▬▬▬ ▬▬ ▬▬▬▬▬▬
▬▬▬ ▬▬▬▬ ▬▬ ▬▬▬▬▬ ▬▬▬ ▬▬▬▬ ▬▬ ▬▬▬▬▬▬ ▬▬▬ ▬▬▬▬ ▬▬▬▬▬ ▬▬ ▬▬▬▬ ▬▬▬▬▬ ▬▬▬ ▬▬▬▬ ▬▬ ▬▬▬▬▬ ▬▬▬ ▬▬▬▬ ▬▬ ▬▬▬▬▬▬
▬▬▬ ▬▬▬▬ ▬▬ ▬▬▬▬▬ ▬▬▬ ▬▬▬▬ ▬▬ ▬▬▬▬▬▬ ▬▬▬ ▬▬▬▬ ▬▬▬▬▬ ▬▬ ▬▬▬▬ ▬▬▬▬▬ ▬▬▬ ▬▬▬▬ ▬▬ ▬▬▬▬▬ ▬▬▬ ▬▬▬▬ ▬▬ ▬▬▬▬▬▬
▬▬▬ ▬▬▬▬ ▬▬ ▬▬▬▬▬ ▬▬▬ ▬▬▬▬ ▬▬ ▬▬▬▬▬▬ ▬▬▬ ▬▬▬▬ ▬▬▬▬▬ ▬▬ ▬▬▬▬ ▬▬▬▬▬ ▬▬▬ ▬▬▬▬ ▬▬ ▬▬▬▬▬ ▬▬▬ ▬▬▬▬ ▬▬ ▬▬▬▬▬▬
▬▬▬ ▬▬▬▬ ▬▬ ▬▬▬▬▬ ▬▬▬ ▬▬▬▬ ▬▬ ▬▬▬▬▬▬ ▬▬▬ ▬▬▬▬ ▬▬▬▬▬ ▬▬ ▬▬▬▬ ▬▬▬▬▬ ▬▬▬ ▬▬▬▬ ▬▬ ▬▬▬▬▬ ▬▬▬ ▬▬▬▬ ▬▬ ▬▬▬▬▬▬
▬▬▬ ▬▬▬▬ ▬▬ ▬▬▬▬▬ ▬▬▬ ▬▬▬▬ ▬▬ ▬▬▬▬▬▬ ▬▬▬ ▬▬▬▬ ▬▬▬▬▬ ▬▬ ▬▬▬▬ ▬▬▬▬▬ ▬▬▬ ▬▬▬▬ ▬▬ ▬▬▬▬▬ ▬▬▬ ▬▬▬▬ ▬▬ ▬▬▬▬▬▬
▬▬▬ ▬▬▬▬ ▬▬ ▬▬▬▬▬ ▬▬▬ ▬▬▬▬ ▬▬ ▬▬▬▬▬▬ ▬▬▬ ▬▬▬▬ ▬▬▬▬▬ ▬▬ ▬▬▬▬ ▬▬▬▬▬ ▬▬▬ ▬▬▬▬ ▬▬ ▬▬▬▬▬ ▬▬▬ ▬▬▬▬ ▬▬ ▬▬▬▬▬▬
▬▬▬ ▬▬▬▬ ▬▬ ▬▬▬▬▬ ▬▬▬ ▬▬▬▬ ▬▬ ▬▬▬▬▬▬ ▬▬▬ ▬▬▬▬ ▬▬▬▬▬ ▬▬ ▬▬▬▬ ▬▬▬▬▬ ▬▬▬ ▬▬▬▬ ▬▬ ▬▬▬▬▬ ▬▬▬ ▬▬▬▬ ▬▬ ▬▬▬▬▬▬
▬▬▬ ▬▬▬▬ ▬▬ ▬▬▬▬▬ ▬▬▬ ▬▬▬▬ ▬▬ ▬▬▬▬▬▬ ▬▬▬ ▬▬▬▬ ▬▬▬▬▬ ▬▬ ▬▬▬▬ ▬▬▬▬▬ ▬▬▬ ▬▬▬▬ ▬▬ ▬▬▬▬▬ ▬▬▬ ▬▬▬▬ ▬▬ ▬▬▬▬▬▬
▬▬▬ ▬▬▬▬ ▬▬ ▬▬▬▬▬ ▬▬▬ ▬▬▬▬ ▬▬ ▬▬▬▬▬▬ ▬▬▬ ▬▬▬▬ ▬▬▬▬▬ ▬▬ ▬▬▬▬ ▬▬▬▬▬ ▬▬▬ ▬▬▬▬ ▬▬ ▬▬▬▬▬ ▬▬▬ ▬▬▬▬ ▬▬ ▬▬▬▬▬▬
▬▬▬ ▬▬▬▬ ▬▬ ▬▬▬▬▬ ▬▬▬ ▬▬▬▬ ▬▬ ▬▬▬▬▬▬ ▬▬▬ ▬▬▬▬ ▬▬▬▬▬ ▬▬ ▬▬▬▬ ▬▬▬▬▬ ▬▬▬ ▬▬▬▬ ▬▬ ▬▬▬▬▬ ▬▬▬ ▬▬▬▬ ▬▬ ▬▬▬▬▬▬
Seznam pomocných látek
▬▬▬ ▬▬▬▬ ▬▬ ▬▬▬▬▬ ▬▬▬ ▬▬▬▬ ▬▬ ▬▬▬▬▬▬ ▬▬▬ ▬▬▬▬ ▬▬▬▬▬ ▬▬ ▬▬▬▬ ▬▬▬▬▬ ▬▬▬ ▬▬▬▬ ▬▬ ▬▬▬▬▬ ▬▬▬ ▬▬▬▬ ▬▬ ▬▬▬▬▬▬
▬▬▬ ▬▬▬▬ ▬▬ ▬▬▬▬▬ ▬▬▬ ▬▬▬▬ ▬▬ ▬▬▬▬▬▬ ▬▬▬ ▬▬▬▬ ▬▬▬▬▬ ▬▬ ▬▬▬▬ ▬▬▬▬▬ ▬▬▬ ▬▬▬▬ ▬▬ ▬▬▬▬▬ ▬▬▬ ▬▬▬▬ ▬▬ ▬▬▬▬▬▬
▬▬▬ ▬▬▬▬ ▬▬ ▬▬▬▬▬ ▬▬▬ ▬▬▬▬ ▬▬ ▬▬▬▬▬▬ ▬▬▬ ▬▬▬▬ ▬▬▬▬▬ ▬▬ ▬▬▬▬ ▬▬▬▬▬ ▬▬▬ ▬▬▬▬ ▬▬ ▬▬▬▬▬ ▬▬▬ ▬▬▬▬ ▬▬ ▬▬▬▬▬▬
▬▬▬ ▬▬▬▬ ▬▬ ▬▬▬▬▬ ▬▬▬ ▬▬▬▬ ▬▬ ▬▬▬▬▬▬ ▬▬▬ ▬▬▬▬ ▬▬▬▬▬ ▬▬ ▬▬▬▬ ▬▬▬▬▬ ▬▬▬ ▬▬▬▬ ▬▬ ▬▬▬▬▬ ▬▬▬ ▬▬▬▬ ▬▬ ▬▬▬▬▬▬
▬▬▬ ▬▬▬▬ ▬▬ ▬▬▬▬▬ ▬▬▬ ▬▬▬▬ ▬▬ ▬▬▬▬▬▬ ▬▬▬ ▬▬▬▬ ▬▬▬▬▬ ▬▬ ▬▬▬▬ ▬▬▬▬▬ ▬▬▬ ▬▬▬▬ ▬▬ ▬▬▬▬▬ ▬▬▬ ▬▬▬▬ ▬▬ ▬▬▬▬▬▬
▬▬▬ ▬▬▬▬ ▬▬ ▬▬▬▬▬ ▬▬▬ ▬▬▬▬ ▬▬ ▬▬▬▬▬▬ ▬▬▬ ▬▬▬▬ ▬▬▬▬▬ ▬▬ ▬▬▬▬ ▬▬▬▬▬ ▬▬▬ ▬▬▬▬ ▬▬ ▬▬▬▬▬ ▬▬▬ ▬▬▬▬ ▬▬ ▬▬▬▬▬▬
▬▬▬ ▬▬▬▬ ▬▬ ▬▬▬▬▬ ▬▬▬ ▬▬▬▬ ▬▬ ▬▬▬▬▬▬ ▬▬▬ ▬▬▬▬ ▬▬▬▬▬ ▬▬ ▬▬▬▬ ▬▬▬▬▬ ▬▬▬ ▬▬▬▬ ▬▬ ▬▬▬▬▬ ▬▬▬ ▬▬▬▬ ▬▬ ▬▬▬▬▬▬
▬▬▬ ▬▬▬▬ ▬▬ ▬▬▬▬▬ ▬▬▬ ▬▬▬▬ ▬▬ ▬▬▬▬▬▬ ▬▬▬ ▬▬▬▬ ▬▬▬▬▬ ▬▬ ▬▬▬▬ ▬▬▬▬▬ ▬▬▬ ▬▬▬▬ ▬▬ ▬▬▬▬▬ ▬▬▬ ▬▬▬▬ ▬▬ ▬▬▬▬▬▬
Inkompatibility
▬▬▬ ▬▬▬▬ ▬▬ ▬▬▬▬▬ ▬▬▬ ▬▬▬▬ ▬▬ ▬▬▬▬▬▬ ▬▬▬ ▬▬▬▬ ▬▬▬▬▬ ▬▬ ▬▬▬▬ ▬▬▬▬▬ ▬▬▬ ▬▬▬▬ ▬▬ ▬▬▬▬▬ ▬▬▬ ▬▬▬▬ ▬▬ ▬▬▬▬▬▬
▬▬▬ ▬▬▬▬ ▬▬ ▬▬▬▬▬ ▬▬▬ ▬▬▬▬ ▬▬ ▬▬▬▬▬▬ ▬▬▬ ▬▬▬▬ ▬▬▬▬▬ ▬▬ ▬▬▬▬ ▬▬▬▬▬ ▬▬▬ ▬▬▬▬ ▬▬ ▬▬▬▬▬ ▬▬▬ ▬▬▬▬ ▬▬ ▬▬▬▬▬▬
▬▬▬ ▬▬▬▬ ▬▬ ▬▬▬▬▬ ▬▬▬ ▬▬▬▬ ▬▬ ▬▬▬▬▬▬ ▬▬▬ ▬▬▬▬ ▬▬▬▬▬ ▬▬ ▬▬▬▬ ▬▬▬▬▬ ▬▬▬ ▬▬▬▬ ▬▬ ▬▬▬▬▬ ▬▬▬ ▬▬▬▬ ▬▬ ▬▬▬▬▬▬
Doba použitelnosti
▬▬▬ ▬▬▬▬ ▬▬ ▬▬▬▬▬ ▬▬▬ ▬▬▬▬ ▬▬ ▬▬▬▬▬▬ ▬▬▬ ▬▬▬▬ ▬▬▬▬▬ ▬▬ ▬▬▬▬ ▬▬▬▬▬ ▬▬▬ ▬▬▬▬ ▬▬ ▬▬▬▬▬ ▬▬▬ ▬▬▬▬ ▬▬ ▬▬▬▬▬▬
▬▬▬ ▬▬▬▬ ▬▬ ▬▬▬▬▬ ▬▬▬ ▬▬▬▬ ▬▬ ▬▬▬▬▬▬ ▬▬▬ ▬▬▬▬ ▬▬▬▬▬ ▬▬ ▬▬▬▬ ▬▬▬▬▬ ▬▬▬ ▬▬▬▬ ▬▬ ▬▬▬▬▬ ▬▬▬ ▬▬▬▬ ▬▬ ▬▬▬▬▬▬
▬▬▬ ▬▬▬▬ ▬▬ ▬▬▬▬▬ ▬▬▬ ▬▬▬▬ ▬▬ ▬▬▬▬▬▬ ▬▬▬ ▬▬▬▬ ▬▬▬▬▬ ▬▬ ▬▬▬▬ ▬▬▬▬▬ ▬▬▬ ▬▬▬▬ ▬▬ ▬▬▬▬▬ ▬▬▬ ▬▬▬▬ ▬▬ ▬▬▬▬▬▬
Zvláštní opatření pro uchovávání
▬▬▬ ▬▬▬▬ ▬▬ ▬▬▬▬▬ ▬▬▬ ▬▬▬▬ ▬▬ ▬▬▬▬▬▬ ▬▬▬ ▬▬▬▬ ▬▬▬▬▬ ▬▬ ▬▬▬▬ ▬▬▬▬▬ ▬▬▬ ▬▬▬▬ ▬▬ ▬▬▬▬▬ ▬▬▬ ▬▬▬▬ ▬▬ ▬▬▬▬▬▬
▬▬▬ ▬▬▬▬ ▬▬ ▬▬▬▬▬ ▬▬▬ ▬▬▬▬ ▬▬ ▬▬▬▬▬▬ ▬▬▬ ▬▬▬▬ ▬▬▬▬▬ ▬▬ ▬▬▬▬ ▬▬▬▬▬ ▬▬▬ ▬▬▬▬ ▬▬ ▬▬▬▬▬ ▬▬▬ ▬▬▬▬ ▬▬ ▬▬▬▬▬▬
▬▬▬ ▬▬▬▬ ▬▬ ▬▬▬▬▬ ▬▬▬ ▬▬▬▬ ▬▬ ▬▬▬▬▬▬ ▬▬▬ ▬▬▬▬ ▬▬▬▬▬ ▬▬ ▬▬▬▬ ▬▬▬▬▬ ▬▬▬ ▬▬▬▬ ▬▬ ▬▬▬▬▬ ▬▬▬ ▬▬▬▬ ▬▬ ▬▬▬▬▬▬
▬▬▬ ▬▬▬▬ ▬▬ ▬▬▬▬▬ ▬▬▬ ▬▬▬▬ ▬▬ ▬▬▬▬▬▬ ▬▬▬ ▬▬▬▬ ▬▬▬▬▬ ▬▬ ▬▬▬▬ ▬▬▬▬▬ ▬▬▬ ▬▬▬▬ ▬▬ ▬▬▬▬▬ ▬▬▬ ▬▬▬▬ ▬▬ ▬▬▬▬▬▬
Druh obalu a obsah balení
▬▬▬ ▬▬▬▬ ▬▬ ▬▬▬▬▬ ▬▬▬ ▬▬▬▬ ▬▬ ▬▬▬▬▬▬ ▬▬▬ ▬▬▬▬ ▬▬▬▬▬ ▬▬ ▬▬▬▬ ▬▬▬▬▬ ▬▬▬ ▬▬▬▬ ▬▬ ▬▬▬▬▬ ▬▬▬ ▬▬▬▬ ▬▬ ▬▬▬▬▬▬
▬▬▬ ▬▬▬▬ ▬▬ ▬▬▬▬▬ ▬▬▬ ▬▬▬▬ ▬▬ ▬▬▬▬▬▬ ▬▬▬ ▬▬▬▬ ▬▬▬▬▬ ▬▬ ▬▬▬▬ ▬▬▬▬▬ ▬▬▬ ▬▬▬▬ ▬▬ ▬▬▬▬▬ ▬▬▬ ▬▬▬▬ ▬▬ ▬▬▬▬▬▬
▬▬▬ ▬▬▬▬ ▬▬ ▬▬▬▬▬ ▬▬▬ ▬▬▬▬ ▬▬ ▬▬▬▬▬▬ ▬▬▬ ▬▬▬▬ ▬▬▬▬▬ ▬▬ ▬▬▬▬ ▬▬▬▬▬ ▬▬▬ ▬▬▬▬ ▬▬ ▬▬▬▬▬ ▬▬▬ ▬▬▬▬ ▬▬ ▬▬▬▬▬▬
▬▬▬ ▬▬▬▬ ▬▬ ▬▬▬▬▬ ▬▬▬ ▬▬▬▬ ▬▬ ▬▬▬▬▬▬ ▬▬▬ ▬▬▬▬ ▬▬▬▬▬ ▬▬ ▬▬▬▬ ▬▬▬▬▬ ▬▬▬ ▬▬▬▬ ▬▬ ▬▬▬▬▬ ▬▬▬ ▬▬▬▬ ▬▬ ▬▬▬▬▬▬
▬▬▬ ▬▬▬▬ ▬▬ ▬▬▬▬▬ ▬▬▬ ▬▬▬▬ ▬▬ ▬▬▬▬▬▬ ▬▬▬ ▬▬▬▬ ▬▬▬▬▬ ▬▬ ▬▬▬▬ ▬▬▬▬▬ ▬▬▬ ▬▬▬▬ ▬▬ ▬▬▬▬▬ ▬▬▬ ▬▬▬▬ ▬▬ ▬▬▬▬▬▬
▬▬▬ ▬▬▬▬ ▬▬ ▬▬▬▬▬ ▬▬▬ ▬▬▬▬ ▬▬ ▬▬▬▬▬▬ ▬▬▬ ▬▬▬▬ ▬▬▬▬▬ ▬▬ ▬▬▬▬ ▬▬▬▬▬ ▬▬▬ ▬▬▬▬ ▬▬ ▬▬▬▬▬ ▬▬▬ ▬▬▬▬ ▬▬ ▬▬▬▬▬▬
Zvláštní opatření pro likvidaci
▬▬▬ ▬▬▬▬ ▬▬ ▬▬▬▬▬ ▬▬▬ ▬▬▬▬ ▬▬ ▬▬▬▬▬▬ ▬▬▬ ▬▬▬▬ ▬▬▬▬▬ ▬▬ ▬▬▬▬ ▬▬▬▬▬ ▬▬▬ ▬▬▬▬ ▬▬ ▬▬▬▬▬ ▬▬▬ ▬▬▬▬ ▬▬ ▬▬▬▬▬▬
▬▬▬ ▬▬▬▬ ▬▬ ▬▬▬▬▬ ▬▬▬ ▬▬▬▬ ▬▬ ▬▬▬▬▬▬ ▬▬▬ ▬▬▬▬ ▬▬▬▬▬ ▬▬ ▬▬▬▬ ▬▬▬▬▬ ▬▬▬ ▬▬▬▬ ▬▬ ▬▬▬▬▬ ▬▬▬ ▬▬▬▬ ▬▬ ▬▬▬▬▬▬
▬▬▬ ▬▬▬▬ ▬▬ ▬▬▬▬▬ ▬▬▬ ▬▬▬▬ ▬▬ ▬▬▬▬▬▬ ▬▬▬ ▬▬▬▬ ▬▬▬▬▬ ▬▬ ▬▬▬▬ ▬▬▬▬▬ ▬▬▬ ▬▬▬▬ ▬▬ ▬▬▬▬▬ ▬▬▬ ▬▬▬▬ ▬▬ ▬▬▬▬▬▬
▬▬▬ ▬▬▬▬ ▬▬ ▬▬▬▬▬ ▬▬▬ ▬▬▬▬ ▬▬ ▬▬▬▬▬▬ ▬▬▬ ▬▬▬▬ ▬▬▬▬▬ ▬▬ ▬▬▬▬ ▬▬▬▬▬ ▬▬▬ ▬▬▬▬ ▬▬ ▬▬▬▬▬ ▬▬▬ ▬▬▬▬ ▬▬ ▬▬▬▬▬▬
Držitel rozhodnutí o registraci
▬▬▬ ▬▬▬▬ ▬▬ ▬▬▬▬▬ ▬▬▬ ▬▬▬▬ ▬▬ ▬▬▬▬▬▬ ▬▬▬ ▬▬▬▬ ▬▬▬▬▬ ▬▬ ▬▬▬▬ ▬▬▬▬▬ ▬▬▬ ▬▬▬▬ ▬▬ ▬▬▬▬▬ ▬▬▬ ▬▬▬▬ ▬▬ ▬▬▬▬▬▬
▬▬▬ ▬▬▬▬ ▬▬ ▬▬▬▬▬ ▬▬▬ ▬▬▬▬ ▬▬ ▬▬▬▬▬▬ ▬▬▬ ▬▬▬▬ ▬▬▬▬▬ ▬▬ ▬▬▬▬ ▬▬▬▬▬ ▬▬▬ ▬▬▬▬ ▬▬ ▬▬▬▬▬ ▬▬▬ ▬▬▬▬ ▬▬ ▬▬▬▬▬▬
▬▬▬ ▬▬▬▬ ▬▬ ▬▬▬▬▬ ▬▬▬ ▬▬▬▬ ▬▬ ▬▬▬▬▬▬ ▬▬▬ ▬▬▬▬ ▬▬▬▬▬ ▬▬ ▬▬▬▬ ▬▬▬▬▬ ▬▬▬ ▬▬▬▬ ▬▬ ▬▬▬▬▬ ▬▬▬ ▬▬▬▬ ▬▬ ▬▬▬▬▬▬
▬▬▬ ▬▬▬▬ ▬▬ ▬▬▬▬▬ ▬▬▬ ▬▬▬▬ ▬▬ ▬▬▬▬▬▬ ▬▬▬ ▬▬▬▬ ▬▬▬▬▬ ▬▬ ▬▬▬▬ ▬▬▬▬▬ ▬▬▬ ▬▬▬▬ ▬▬ ▬▬▬▬▬ ▬▬▬ ▬▬▬▬ ▬▬ ▬▬▬▬▬▬
Registrační číslo
▬▬▬ ▬▬▬▬ ▬▬ ▬▬▬▬▬ ▬▬▬ ▬▬▬▬ ▬▬ ▬▬▬▬▬▬ ▬▬▬ ▬▬▬▬ ▬▬▬▬▬ ▬▬ ▬▬▬▬ ▬▬▬▬▬ ▬▬▬ ▬▬▬▬ ▬▬ ▬▬▬▬▬ ▬▬▬ ▬▬▬▬ ▬▬ ▬▬▬▬▬▬
▬▬▬ ▬▬▬▬ ▬▬ ▬▬▬▬▬ ▬▬▬ ▬▬▬▬ ▬▬ ▬▬▬▬▬▬ ▬▬▬ ▬▬▬▬ ▬▬▬▬▬ ▬▬ ▬▬▬▬ ▬▬▬▬▬ ▬▬▬ ▬▬▬▬ ▬▬ ▬▬▬▬▬ ▬▬▬ ▬▬▬▬ ▬▬ ▬▬▬▬▬▬
Datum první registrace / prodloužení registrace
▬▬▬ ▬▬▬▬ ▬▬ ▬▬▬▬▬ ▬▬▬ ▬▬▬▬ ▬▬ ▬▬▬▬▬▬ ▬▬▬ ▬▬▬▬ ▬▬▬▬▬ ▬▬ ▬▬▬▬ ▬▬▬▬▬ ▬▬▬ ▬▬▬▬ ▬▬ ▬▬▬▬▬ ▬▬▬ ▬▬▬▬ ▬▬ ▬▬▬▬▬▬
▬▬▬ ▬▬▬▬ ▬▬ ▬▬▬▬▬ ▬▬▬ ▬▬▬▬ ▬▬ ▬▬▬▬▬▬ ▬▬▬ ▬▬▬▬ ▬▬▬▬▬ ▬▬ ▬▬▬▬ ▬▬▬▬▬ ▬▬▬ ▬▬▬▬ ▬▬ ▬▬▬▬▬ ▬▬▬ ▬▬▬▬ ▬▬ ▬▬▬▬▬▬
Datum revize textu
▬▬▬ ▬▬▬▬ ▬▬ ▬▬▬▬▬ ▬▬▬ ▬▬▬▬ ▬▬ ▬▬▬▬▬▬ ▬▬▬ ▬▬▬▬ ▬▬▬▬▬ ▬▬ ▬▬▬▬ ▬▬▬▬▬ ▬▬▬ ▬▬▬▬ ▬▬ ▬▬▬▬▬ ▬▬▬ ▬▬▬▬ ▬▬ ▬▬▬▬▬▬
▬▬▬ ▬▬▬▬ ▬▬ ▬▬▬▬▬ ▬▬▬ ▬▬▬▬ ▬▬ ▬▬▬▬▬▬ ▬▬▬ ▬▬▬▬ ▬▬▬▬▬ ▬▬ ▬▬▬▬ ▬▬▬▬▬ ▬▬▬ ▬▬▬▬ ▬▬ ▬▬▬▬▬ ▬▬▬ ▬▬▬▬ ▬▬ ▬▬▬▬▬▬
